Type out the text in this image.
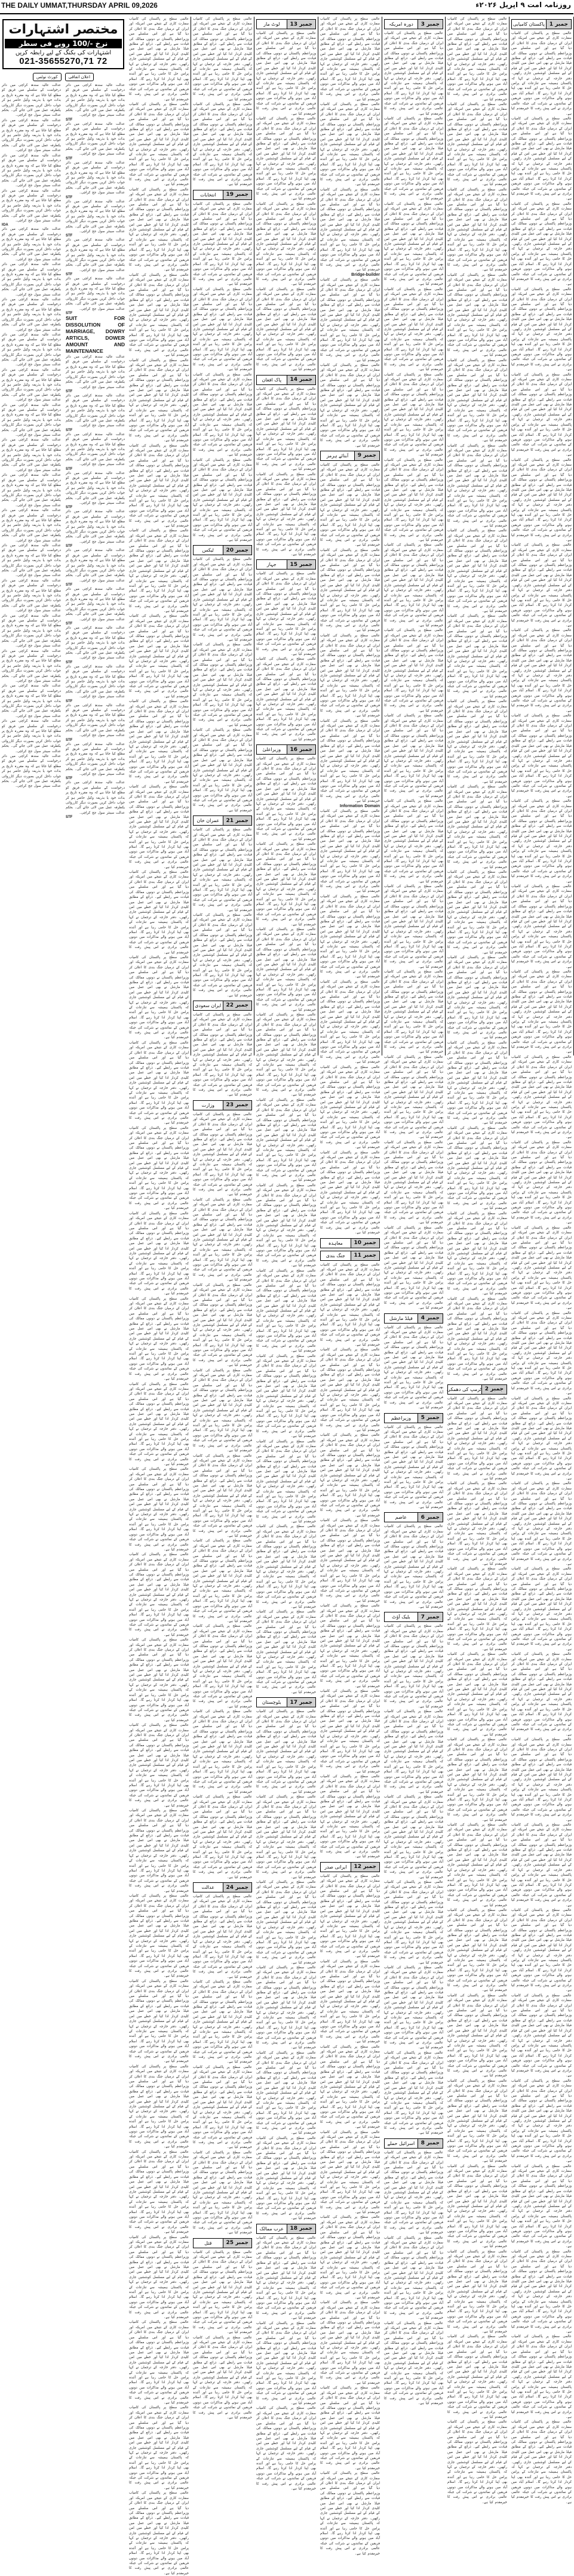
THE DAILY UMMAT,THURSDAY APRIL 09,2026	روزنامہ امت ۹ اپریل ۲۰۲۶ء
جمبر 1
پاکستان کامیابی
عالمی سطح پر پاکستان کی کامیاب سفارت کاری کے نتیجے میں امریکہ اور ایران کے درمیان جنگ بندی کا اعلان کر دیا گیا ہے اور اس سلسلے میں وزیراعظم پاکستان نے دونوں ممالک کی قیادت سے رابطے کیے۔ ذرائع کے مطابق فیلڈ مارشل نے بھی اس عمل میں کلیدی کردار ادا کیا اور خطے میں امن کے قیام کے لیے مسلسل کوششیں جاری رکھیں۔ دفتر خارجہ کے ترجمان نے کہا کہ پاکستان ہمیشہ سے تنازعات کے پرامن حل کا حامی رہا ہے اور آئندہ بھی اپنا کردار ادا کرتا رہے گا۔ اسلام آباد میں ہونے والے مذاکرات میں دونوں فریقین کے نمائندوں نے شرکت کی جبکہ عالمی برادری نے اس پیش رفت کا خیرمقدم کیا ہے۔
عالمی سطح پر پاکستان کی کامیاب سفارت کاری کے نتیجے میں امریکہ اور ایران کے درمیان جنگ بندی کا اعلان کر دیا گیا ہے اور اس سلسلے میں وزیراعظم پاکستان نے دونوں ممالک کی قیادت سے رابطے کیے۔ ذرائع کے مطابق فیلڈ مارشل نے بھی اس عمل میں کلیدی کردار ادا کیا اور خطے میں امن کے قیام کے لیے مسلسل کوششیں جاری رکھیں۔ دفتر خارجہ کے ترجمان نے کہا کہ پاکستان ہمیشہ سے تنازعات کے پرامن حل کا حامی رہا ہے اور آئندہ بھی اپنا کردار ادا کرتا رہے گا۔ اسلام آباد میں ہونے والے مذاکرات میں دونوں فریقین کے نمائندوں نے شرکت کی جبکہ عالمی برادری نے اس پیش رفت کا خیرمقدم کیا ہے۔
عالمی سطح پر پاکستان کی کامیاب سفارت کاری کے نتیجے میں امریکہ اور ایران کے درمیان جنگ بندی کا اعلان کر دیا گیا ہے اور اس سلسلے میں وزیراعظم پاکستان نے دونوں ممالک کی قیادت سے رابطے کیے۔ ذرائع کے مطابق فیلڈ مارشل نے بھی اس عمل میں کلیدی کردار ادا کیا اور خطے میں امن کے قیام کے لیے مسلسل کوششیں جاری رکھیں۔ دفتر خارجہ کے ترجمان نے کہا کہ پاکستان ہمیشہ سے تنازعات کے پرامن حل کا حامی رہا ہے اور آئندہ بھی اپنا کردار ادا کرتا رہے گا۔ اسلام آباد میں ہونے والے مذاکرات میں دونوں فریقین کے نمائندوں نے شرکت کی جبکہ عالمی برادری نے اس پیش رفت کا خیرمقدم کیا ہے۔
عالمی سطح پر پاکستان کی کامیاب سفارت کاری کے نتیجے میں امریکہ اور ایران کے درمیان جنگ بندی کا اعلان کر دیا گیا ہے اور اس سلسلے میں وزیراعظم پاکستان نے دونوں ممالک کی قیادت سے رابطے کیے۔ ذرائع کے مطابق فیلڈ مارشل نے بھی اس عمل میں کلیدی کردار ادا کیا اور خطے میں امن کے قیام کے لیے مسلسل کوششیں جاری رکھیں۔ دفتر خارجہ کے ترجمان نے کہا کہ پاکستان ہمیشہ سے تنازعات کے پرامن حل کا حامی رہا ہے اور آئندہ بھی اپنا کردار ادا کرتا رہے گا۔ اسلام آباد میں ہونے والے مذاکرات میں دونوں فریقین کے نمائندوں نے شرکت کی جبکہ عالمی برادری نے اس پیش رفت کا خیرمقدم کیا ہے۔
عالمی سطح پر پاکستان کی کامیاب سفارت کاری کے نتیجے میں امریکہ اور ایران کے درمیان جنگ بندی کا اعلان کر دیا گیا ہے اور اس سلسلے میں وزیراعظم پاکستان نے دونوں ممالک کی قیادت سے رابطے کیے۔ ذرائع کے مطابق فیلڈ مارشل نے بھی اس عمل میں کلیدی کردار ادا کیا اور خطے میں امن کے قیام کے لیے مسلسل کوششیں جاری رکھیں۔ دفتر خارجہ کے ترجمان نے کہا کہ پاکستان ہمیشہ سے تنازعات کے پرامن حل کا حامی رہا ہے اور آئندہ بھی اپنا کردار ادا کرتا رہے گا۔ اسلام آباد میں ہونے والے مذاکرات میں دونوں فریقین کے نمائندوں نے شرکت کی جبکہ عالمی برادری نے اس پیش رفت کا خیرمقدم کیا ہے۔
عالمی سطح پر پاکستان کی کامیاب سفارت کاری کے نتیجے میں امریکہ اور ایران کے درمیان جنگ بندی کا اعلان کر دیا گیا ہے اور اس سلسلے میں وزیراعظم پاکستان نے دونوں ممالک کی قیادت سے رابطے کیے۔ ذرائع کے مطابق فیلڈ مارشل نے بھی اس عمل میں کلیدی کردار ادا کیا اور خطے میں امن کے قیام کے لیے مسلسل کوششیں جاری رکھیں۔ دفتر خارجہ کے ترجمان نے کہا کہ پاکستان ہمیشہ سے تنازعات کے پرامن حل کا حامی رہا ہے اور آئندہ بھی اپنا کردار ادا کرتا رہے گا۔ اسلام آباد میں ہونے والے مذاکرات میں دونوں فریقین کے نمائندوں نے شرکت کی جبکہ عالمی برادری نے اس پیش رفت کا خیرمقدم کیا ہے۔
عالمی سطح پر پاکستان کی کامیاب سفارت کاری کے نتیجے میں امریکہ اور ایران کے درمیان جنگ بندی کا اعلان کر دیا گیا ہے اور اس سلسلے میں وزیراعظم پاکستان نے دونوں ممالک کی قیادت سے رابطے کیے۔ ذرائع کے مطابق فیلڈ مارشل نے بھی اس عمل میں کلیدی کردار ادا کیا اور خطے میں امن کے قیام کے لیے مسلسل کوششیں جاری رکھیں۔ دفتر خارجہ کے ترجمان نے کہا کہ پاکستان ہمیشہ سے تنازعات کے پرامن حل کا حامی رہا ہے اور آئندہ بھی اپنا کردار ادا کرتا رہے گا۔ اسلام آباد میں ہونے والے مذاکرات میں دونوں فریقین کے نمائندوں نے شرکت کی جبکہ عالمی برادری نے اس پیش رفت کا خیرمقدم کیا ہے۔
عالمی سطح پر پاکستان کی کامیاب سفارت کاری کے نتیجے میں امریکہ اور ایران کے درمیان جنگ بندی کا اعلان کر دیا گیا ہے اور اس سلسلے میں وزیراعظم پاکستان نے دونوں ممالک کی قیادت سے رابطے کیے۔ ذرائع کے مطابق فیلڈ مارشل نے بھی اس عمل میں کلیدی کردار ادا کیا اور خطے میں امن کے قیام کے لیے مسلسل کوششیں جاری رکھیں۔ دفتر خارجہ کے ترجمان نے کہا کہ پاکستان ہمیشہ سے تنازعات کے پرامن حل کا حامی رہا ہے اور آئندہ بھی اپنا کردار ادا کرتا رہے گا۔ اسلام آباد میں ہونے والے مذاکرات میں دونوں فریقین کے نمائندوں نے شرکت کی جبکہ عالمی برادری نے اس پیش رفت کا خیرمقدم کیا ہے۔
عالمی سطح پر پاکستان کی کامیاب سفارت کاری کے نتیجے میں امریکہ اور ایران کے درمیان جنگ بندی کا اعلان کر دیا گیا ہے اور اس سلسلے میں وزیراعظم پاکستان نے دونوں ممالک کی قیادت سے رابطے کیے۔ ذرائع کے مطابق فیلڈ مارشل نے بھی اس عمل میں کلیدی کردار ادا کیا اور خطے میں امن کے قیام کے لیے مسلسل کوششیں جاری رکھیں۔ دفتر خارجہ کے ترجمان نے کہا کہ پاکستان ہمیشہ سے تنازعات کے پرامن حل کا حامی رہا ہے اور آئندہ بھی اپنا کردار ادا کرتا رہے گا۔ اسلام آباد میں ہونے والے مذاکرات میں دونوں فریقین کے نمائندوں نے شرکت کی جبکہ عالمی برادری نے اس پیش رفت کا خیرمقدم کیا ہے۔
عالمی سطح پر پاکستان کی کامیاب سفارت کاری کے نتیجے میں امریکہ اور ایران کے درمیان جنگ بندی کا اعلان کر دیا گیا ہے اور اس سلسلے میں وزیراعظم پاکستان نے دونوں ممالک کی قیادت سے رابطے کیے۔ ذرائع کے مطابق فیلڈ مارشل نے بھی اس عمل میں کلیدی کردار ادا کیا اور خطے میں امن کے قیام کے لیے مسلسل کوششیں جاری رکھیں۔ دفتر خارجہ کے ترجمان نے کہا کہ پاکستان ہمیشہ سے تنازعات کے پرامن حل کا حامی رہا ہے اور آئندہ بھی اپنا کردار ادا کرتا رہے گا۔ اسلام آباد میں ہونے والے مذاکرات میں دونوں فریقین کے نمائندوں نے شرکت کی جبکہ عالمی برادری نے اس پیش رفت کا خیرمقدم کیا ہے۔
عالمی سطح پر پاکستان کی کامیاب سفارت کاری کے نتیجے میں امریکہ اور ایران کے درمیان جنگ بندی کا اعلان کر دیا گیا ہے اور اس سلسلے میں وزیراعظم پاکستان نے دونوں ممالک کی قیادت سے رابطے کیے۔ ذرائع کے مطابق فیلڈ مارشل نے بھی اس عمل میں کلیدی کردار ادا کیا اور خطے میں امن کے قیام کے لیے مسلسل کوششیں جاری رکھیں۔ دفتر خارجہ کے ترجمان نے کہا کہ پاکستان ہمیشہ سے تنازعات کے پرامن حل کا حامی رہا ہے اور آئندہ بھی اپنا کردار ادا کرتا رہے گا۔ اسلام آباد میں ہونے والے مذاکرات میں دونوں فریقین کے نمائندوں نے شرکت کی جبکہ عالمی برادری نے اس پیش رفت کا خیرمقدم کیا ہے۔
عالمی سطح پر پاکستان کی کامیاب سفارت کاری کے نتیجے میں امریکہ اور ایران کے درمیان جنگ بندی کا اعلان کر دیا گیا ہے اور اس سلسلے میں وزیراعظم پاکستان نے دونوں ممالک کی قیادت سے رابطے کیے۔ ذرائع کے مطابق فیلڈ مارشل نے بھی اس عمل میں کلیدی کردار ادا کیا اور خطے میں امن کے قیام کے لیے مسلسل کوششیں جاری رکھیں۔ دفتر خارجہ کے ترجمان نے کہا کہ پاکستان ہمیشہ سے تنازعات کے پرامن حل کا حامی رہا ہے اور آئندہ بھی اپنا کردار ادا کرتا رہے گا۔ اسلام آباد میں ہونے والے مذاکرات میں دونوں فریقین کے نمائندوں نے شرکت کی جبکہ عالمی برادری نے اس پیش رفت کا خیرمقدم کیا ہے۔
عالمی سطح پر پاکستان کی کامیاب سفارت کاری کے نتیجے میں امریکہ اور ایران کے درمیان جنگ بندی کا اعلان کر دیا گیا ہے اور اس سلسلے میں وزیراعظم پاکستان نے دونوں ممالک کی قیادت سے رابطے کیے۔ ذرائع کے مطابق فیلڈ مارشل نے بھی اس عمل میں کلیدی کردار ادا کیا اور خطے میں امن کے قیام کے لیے مسلسل کوششیں جاری رکھیں۔ دفتر خارجہ کے ترجمان نے کہا کہ پاکستان ہمیشہ سے تنازعات کے پرامن حل کا حامی رہا ہے اور آئندہ بھی اپنا کردار ادا کرتا رہے گا۔ اسلام آباد میں ہونے والے مذاکرات میں دونوں فریقین کے نمائندوں نے شرکت کی جبکہ عالمی برادری نے اس پیش رفت کا خیرمقدم کیا ہے۔
عالمی سطح پر پاکستان کی کامیاب سفارت کاری کے نتیجے میں امریکہ اور ایران کے درمیان جنگ بندی کا اعلان کر دیا گیا ہے اور اس سلسلے میں وزیراعظم پاکستان نے دونوں ممالک کی قیادت سے رابطے کیے۔ ذرائع کے مطابق فیلڈ مارشل نے بھی اس عمل میں کلیدی کردار ادا کیا اور خطے میں امن کے قیام کے لیے مسلسل کوششیں جاری رکھیں۔ دفتر خارجہ کے ترجمان نے کہا کہ پاکستان ہمیشہ سے تنازعات کے پرامن حل کا حامی رہا ہے اور آئندہ بھی اپنا کردار ادا کرتا رہے گا۔ اسلام آباد میں ہونے والے مذاکرات میں دونوں فریقین کے نمائندوں نے شرکت کی جبکہ عالمی برادری نے اس پیش رفت کا خیرمقدم کیا ہے۔
عالمی سطح پر پاکستان کی کامیاب سفارت کاری کے نتیجے میں امریکہ اور ایران کے درمیان جنگ بندی کا اعلان کر دیا گیا ہے اور اس سلسلے میں وزیراعظم پاکستان نے دونوں ممالک کی قیادت سے رابطے کیے۔ ذرائع کے مطابق فیلڈ مارشل نے بھی اس عمل میں کلیدی کردار ادا کیا اور خطے میں امن کے قیام کے لیے مسلسل کوششیں جاری رکھیں۔ دفتر خارجہ کے ترجمان نے کہا کہ پاکستان ہمیشہ سے تنازعات کے پرامن حل کا حامی رہا ہے اور آئندہ بھی اپنا کردار ادا کرتا رہے گا۔ اسلام آباد میں ہونے والے مذاکرات میں دونوں فریقین کے نمائندوں نے شرکت کی جبکہ عالمی برادری نے اس پیش رفت کا خیرمقدم کیا ہے۔
عالمی سطح پر پاکستان کی کامیاب سفارت کاری کے نتیجے میں امریکہ اور ایران کے درمیان جنگ بندی کا اعلان کر دیا گیا ہے اور اس سلسلے میں وزیراعظم پاکستان نے دونوں ممالک کی قیادت سے رابطے کیے۔ ذرائع کے مطابق فیلڈ مارشل نے بھی اس عمل میں کلیدی کردار ادا کیا اور خطے میں امن کے قیام کے لیے مسلسل کوششیں جاری رکھیں۔ دفتر خارجہ کے ترجمان نے کہا کہ پاکستان ہمیشہ سے تنازعات کے پرامن حل کا حامی رہا ہے اور آئندہ بھی اپنا کردار ادا کرتا رہے گا۔ اسلام آباد میں ہونے والے مذاکرات میں دونوں فریقین کے نمائندوں نے شرکت کی جبکہ عالمی برادری نے اس پیش رفت کا خیرمقدم کیا ہے۔
عالمی سطح پر پاکستان کی کامیاب سفارت کاری کے نتیجے میں امریکہ اور ایران کے درمیان جنگ بندی کا اعلان کر دیا گیا ہے اور اس سلسلے میں وزیراعظم پاکستان نے دونوں ممالک کی قیادت سے رابطے کیے۔ ذرائع کے مطابق فیلڈ مارشل نے بھی اس عمل میں کلیدی کردار ادا کیا اور خطے میں امن کے قیام کے لیے مسلسل کوششیں جاری رکھیں۔ دفتر خارجہ کے ترجمان نے کہا کہ پاکستان ہمیشہ سے تنازعات کے پرامن حل کا حامی رہا ہے اور آئندہ بھی اپنا کردار ادا کرتا رہے گا۔ اسلام آباد میں ہونے والے مذاکرات میں دونوں فریقین کے نمائندوں نے شرکت کی جبکہ عالمی برادری نے اس پیش رفت کا خیرمقدم کیا ہے۔
عالمی سطح پر پاکستان کی کامیاب سفارت کاری کے نتیجے میں امریکہ اور ایران کے درمیان جنگ بندی کا اعلان کر دیا گیا ہے اور اس سلسلے میں وزیراعظم پاکستان نے دونوں ممالک کی قیادت سے رابطے کیے۔ ذرائع کے مطابق فیلڈ مارشل نے بھی اس عمل میں کلیدی کردار ادا کیا اور خطے میں امن کے قیام کے لیے مسلسل کوششیں جاری رکھیں۔ دفتر خارجہ کے ترجمان نے کہا کہ پاکستان ہمیشہ سے تنازعات کے پرامن حل کا حامی رہا ہے اور آئندہ بھی اپنا کردار ادا کرتا رہے گا۔ اسلام آباد میں ہونے والے مذاکرات میں دونوں فریقین کے نمائندوں نے شرکت کی جبکہ عالمی برادری نے اس پیش رفت کا خیرمقدم کیا ہے۔
عالمی سطح پر پاکستان کی کامیاب سفارت کاری کے نتیجے میں امریکہ اور ایران کے درمیان جنگ بندی کا اعلان کر دیا گیا ہے اور اس سلسلے میں وزیراعظم پاکستان نے دونوں ممالک کی قیادت سے رابطے کیے۔ ذرائع کے مطابق فیلڈ مارشل نے بھی اس عمل میں کلیدی کردار ادا کیا اور خطے میں امن کے قیام کے لیے مسلسل کوششیں جاری رکھیں۔ دفتر خارجہ کے ترجمان نے کہا کہ پاکستان ہمیشہ سے تنازعات کے پرامن حل کا حامی رہا ہے اور آئندہ بھی اپنا کردار ادا کرتا رہے گا۔ اسلام آباد میں ہونے والے مذاکرات میں دونوں فریقین کے نمائندوں نے شرکت کی جبکہ عالمی برادری نے اس پیش رفت کا خیرمقدم کیا ہے۔
عالمی سطح پر پاکستان کی کامیاب سفارت کاری کے نتیجے میں امریکہ اور ایران کے درمیان جنگ بندی کا اعلان کر دیا گیا ہے اور اس سلسلے میں وزیراعظم پاکستان نے دونوں ممالک کی قیادت سے رابطے کیے۔ ذرائع کے مطابق فیلڈ مارشل نے بھی اس عمل میں کلیدی کردار ادا کیا اور خطے میں امن کے قیام کے لیے مسلسل کوششیں جاری رکھیں۔ دفتر خارجہ کے ترجمان نے کہا کہ پاکستان ہمیشہ سے تنازعات کے پرامن حل کا حامی رہا ہے اور آئندہ بھی اپنا کردار ادا کرتا رہے گا۔ اسلام آباد میں ہونے والے مذاکرات میں دونوں فریقین کے نمائندوں نے شرکت کی جبکہ عالمی برادری نے اس پیش رفت کا خیرمقدم کیا ہے۔
عالمی سطح پر پاکستان کی کامیاب سفارت کاری کے نتیجے میں امریکہ اور ایران کے درمیان جنگ بندی کا اعلان کر دیا گیا ہے اور اس سلسلے میں وزیراعظم پاکستان نے دونوں ممالک کی قیادت سے رابطے کیے۔ ذرائع کے مطابق فیلڈ مارشل نے بھی اس عمل میں کلیدی کردار ادا کیا اور خطے میں امن کے قیام کے لیے مسلسل کوششیں جاری رکھیں۔ دفتر خارجہ کے ترجمان نے کہا کہ پاکستان ہمیشہ سے تنازعات کے پرامن حل کا حامی رہا ہے اور آئندہ بھی اپنا کردار ادا کرتا رہے گا۔ اسلام آباد میں ہونے والے مذاکرات میں دونوں فریقین کے نمائندوں نے شرکت کی جبکہ عالمی برادری نے اس پیش رفت کا خیرمقدم کیا ہے۔
عالمی سطح پر پاکستان کی کامیاب سفارت کاری کے نتیجے میں امریکہ اور ایران کے درمیان جنگ بندی کا اعلان کر دیا گیا ہے اور اس سلسلے میں وزیراعظم پاکستان نے دونوں ممالک کی قیادت سے رابطے کیے۔ ذرائع کے مطابق فیلڈ مارشل نے بھی اس عمل میں کلیدی کردار ادا کیا اور خطے میں امن کے قیام کے لیے مسلسل کوششیں جاری رکھیں۔ دفتر خارجہ کے ترجمان نے کہا کہ پاکستان ہمیشہ سے تنازعات کے پرامن حل کا حامی رہا ہے اور آئندہ بھی اپنا کردار ادا کرتا رہے گا۔ اسلام آباد میں ہونے والے مذاکرات میں دونوں فریقین کے نمائندوں نے شرکت کی جبکہ عالمی برادری نے اس پیش رفت کا خیرمقدم کیا ہے۔
عالمی سطح پر پاکستان کی کامیاب سفارت کاری کے نتیجے میں امریکہ اور ایران کے درمیان جنگ بندی کا اعلان کر دیا گیا ہے اور اس سلسلے میں وزیراعظم پاکستان نے دونوں ممالک کی قیادت سے رابطے کیے۔ ذرائع کے مطابق فیلڈ مارشل نے بھی اس عمل میں کلیدی کردار ادا کیا اور خطے میں امن کے قیام کے لیے مسلسل کوششیں جاری رکھیں۔ دفتر خارجہ کے ترجمان نے کہا کہ پاکستان ہمیشہ سے تنازعات کے پرامن حل کا حامی رہا ہے اور آئندہ بھی اپنا کردار ادا کرتا رہے گا۔ اسلام آباد میں ہونے والے مذاکرات میں دونوں فریقین کے نمائندوں نے شرکت کی جبکہ عالمی برادری نے اس پیش رفت کا خیرمقدم کیا ہے۔
عالمی سطح پر پاکستان کی کامیاب سفارت کاری کے نتیجے میں امریکہ اور ایران کے درمیان جنگ بندی کا اعلان کر دیا گیا ہے اور اس سلسلے میں وزیراعظم پاکستان نے دونوں ممالک کی قیادت سے رابطے کیے۔ ذرائع کے مطابق فیلڈ مارشل نے بھی اس عمل میں کلیدی کردار ادا کیا اور خطے میں امن کے قیام کے لیے مسلسل کوششیں جاری رکھیں۔ دفتر خارجہ کے ترجمان نے کہا کہ پاکستان ہمیشہ سے تنازعات کے پرامن حل کا حامی رہا ہے اور آئندہ بھی اپنا کردار ادا کرتا رہے گا۔ اسلام آباد میں ہونے والے مذاکرات میں دونوں فریقین کے نمائندوں نے شرکت کی جبکہ عالمی برادری نے اس پیش رفت کا خیرمقدم کیا ہے۔
عالمی سطح پر پاکستان کی کامیاب سفارت کاری کے نتیجے میں امریکہ اور ایران کے درمیان جنگ بندی کا اعلان کر دیا گیا ہے اور اس سلسلے میں وزیراعظم پاکستان نے دونوں ممالک کی قیادت سے رابطے کیے۔ ذرائع کے مطابق فیلڈ مارشل نے بھی اس عمل میں کلیدی کردار ادا کیا اور خطے میں امن کے قیام کے لیے مسلسل کوششیں جاری رکھیں۔ دفتر خارجہ کے ترجمان نے کہا کہ پاکستان ہمیشہ سے تنازعات کے پرامن حل کا حامی رہا ہے اور آئندہ بھی اپنا کردار ادا کرتا رہے گا۔ اسلام آباد میں ہونے والے مذاکرات میں دونوں فریقین کے نمائندوں نے شرکت کی جبکہ عالمی برادری نے اس پیش رفت کا خیرمقدم کیا ہے۔
عالمی سطح پر پاکستان کی کامیاب سفارت کاری کے نتیجے میں امریکہ اور ایران کے درمیان جنگ بندی کا اعلان کر دیا گیا ہے اور اس سلسلے میں وزیراعظم پاکستان نے دونوں ممالک کی قیادت سے رابطے کیے۔ ذرائع کے مطابق فیلڈ مارشل نے بھی اس عمل میں کلیدی کردار ادا کیا اور خطے میں امن کے قیام کے لیے مسلسل کوششیں جاری رکھیں۔ دفتر خارجہ کے ترجمان نے کہا کہ پاکستان ہمیشہ سے تنازعات کے پرامن حل کا حامی رہا ہے اور آئندہ بھی اپنا کردار ادا کرتا رہے گا۔ اسلام آباد میں ہونے والے مذاکرات میں دونوں فریقین کے نمائندوں نے شرکت کی جبکہ عالمی برادری نے اس پیش رفت کا خیرمقدم کیا ہے۔
عالمی سطح پر پاکستان کی کامیاب سفارت کاری کے نتیجے میں امریکہ اور ایران کے درمیان جنگ بندی کا اعلان کر دیا گیا ہے اور اس سلسلے میں وزیراعظم پاکستان نے دونوں ممالک کی قیادت سے رابطے کیے۔ ذرائع کے مطابق فیلڈ مارشل نے بھی اس عمل میں کلیدی کردار ادا کیا اور خطے میں امن کے قیام کے لیے مسلسل کوششیں جاری رکھیں۔ دفتر خارجہ کے ترجمان نے کہا کہ پاکستان ہمیشہ سے تنازعات کے پرامن حل کا حامی رہا ہے اور آئندہ بھی اپنا کردار ادا کرتا رہے گا۔ اسلام آباد میں ہونے والے مذاکرات میں دونوں فریقین کے نمائندوں نے شرکت کی جبکہ عالمی برادری نے اس پیش رفت کا خیرمقدم کیا ہے۔
عالمی سطح پر پاکستان کی کامیاب سفارت کاری کے نتیجے میں امریکہ اور ایران کے درمیان جنگ بندی کا اعلان کر دیا گیا ہے اور اس سلسلے میں وزیراعظم پاکستان نے دونوں ممالک کی قیادت سے رابطے کیے۔ ذرائع کے مطابق فیلڈ مارشل نے بھی اس عمل میں کلیدی کردار ادا کیا اور خطے میں امن کے قیام کے لیے مسلسل کوششیں جاری رکھیں۔ دفتر خارجہ کے ترجمان نے کہا کہ پاکستان ہمیشہ سے تنازعات کے پرامن حل کا حامی رہا ہے اور آئندہ بھی اپنا کردار ادا کرتا رہے گا۔ اسلام آباد میں ہونے والے مذاکرات میں دونوں فریقین کے نمائندوں نے شرکت کی جبکہ عالمی برادری نے اس پیش رفت کا خیرمقدم کیا ہے۔
عالمی سطح پر پاکستان کی کامیاب سفارت کاری کے نتیجے میں امریکہ اور ایران کے درمیان جنگ بندی کا اعلان کر دیا گیا ہے اور اس سلسلے میں وزیراعظم پاکستان نے دونوں ممالک کی قیادت سے رابطے کیے۔ ذرائع کے مطابق فیلڈ مارشل نے بھی اس عمل میں کلیدی کردار ادا کیا اور خطے میں امن کے قیام کے لیے مسلسل کوششیں جاری رکھیں۔ دفتر خارجہ کے ترجمان نے کہا کہ پاکستان ہمیشہ سے تنازعات کے پرامن حل کا حامی رہا ہے اور آئندہ بھی اپنا کردار ادا کرتا رہے گا۔ اسلام آباد میں ہونے والے مذاکرات میں دونوں فریقین کے نمائندوں نے شرکت کی جبکہ عالمی برادری نے اس پیش رفت کا خیرمقدم کیا ہے۔
عالمی سطح پر پاکستان کی کامیاب سفارت کاری کے نتیجے میں امریکہ اور ایران کے درمیان جنگ بندی کا اعلان کر دیا گیا ہے اور اس سلسلے میں وزیراعظم پاکستان نے دونوں ممالک کی قیادت سے رابطے کیے۔ ذرائع کے مطابق فیلڈ مارشل نے بھی اس عمل میں کلیدی کردار ادا کیا اور خطے میں امن کے قیام کے لیے مسلسل کوششیں جاری رکھیں۔ دفتر خارجہ کے ترجمان نے کہا کہ پاکستان ہمیشہ سے تنازعات کے پرامن حل کا حامی رہا ہے اور آئندہ بھی اپنا کردار ادا کرتا رہے گا۔ اسلام آباد میں ہونے والے مذاکرات میں دونوں فریقین کے نمائندوں نے شرکت کی جبکہ عالمی برادری نے اس پیش رفت کا خیرمقدم کیا ہے۔
عالمی سطح پر پاکستان کی کامیاب سفارت کاری کے نتیجے میں امریکہ اور ایران کے درمیان جنگ بندی کا اعلان کر دیا گیا ہے اور اس سلسلے میں وزیراعظم پاکستان نے دونوں ممالک کی قیادت سے رابطے کیے۔ ذرائع کے مطابق فیلڈ مارشل نے بھی اس عمل میں کلیدی کردار ادا کیا اور خطے میں امن کے قیام کے لیے مسلسل کوششیں جاری رکھیں۔ دفتر خارجہ کے ترجمان نے کہا کہ پاکستان ہمیشہ سے تنازعات کے پرامن حل کا حامی رہا ہے اور آئندہ بھی اپنا کردار ادا کرتا رہے گا۔ اسلام آباد میں ہونے والے مذاکرات میں دونوں فریقین کے نمائندوں نے شرکت کی جبکہ عالمی برادری نے اس پیش رفت کا خیرمقدم کیا ہے۔
عالمی سطح پر پاکستان کی کامیاب سفارت کاری کے نتیجے میں امریکہ اور ایران کے درمیان جنگ بندی کا اعلان کر دیا گیا ہے اور اس سلسلے میں وزیراعظم پاکستان نے دونوں ممالک کی قیادت سے رابطے کیے۔ ذرائع کے مطابق فیلڈ مارشل نے بھی اس عمل میں کلیدی کردار ادا کیا اور خطے میں امن کے قیام کے لیے مسلسل کوششیں جاری رکھیں۔ دفتر خارجہ کے ترجمان نے کہا کہ پاکستان ہمیشہ سے تنازعات کے پرامن حل کا حامی رہا ہے اور آئندہ بھی اپنا کردار ادا کرتا رہے گا۔ اسلام آباد میں ہونے والے مذاکرات میں دونوں فریقین کے نمائندوں نے شرکت کی جبکہ عالمی برادری نے اس پیش رفت کا خیرمقدم کیا ہے۔
عالمی سطح پر پاکستان کی کامیاب سفارت کاری کے نتیجے میں امریکہ اور ایران کے درمیان جنگ بندی کا اعلان کر دیا گیا ہے اور اس سلسلے میں وزیراعظم پاکستان نے دونوں ممالک کی قیادت سے رابطے کیے۔ ذرائع کے مطابق فیلڈ مارشل نے بھی اس عمل میں کلیدی کردار ادا کیا اور خطے میں امن کے قیام کے لیے مسلسل کوششیں جاری رکھیں۔ دفتر خارجہ کے ترجمان نے کہا کہ پاکستان ہمیشہ سے تنازعات کے پرامن حل کا حامی رہا ہے اور آئندہ بھی اپنا کردار ادا کرتا رہے گا۔ اسلام آباد میں ہونے والے مذاکرات میں دونوں فریقین کے نمائندوں نے شرکت کی جبکہ عالمی برادری نے اس پیش رفت کا خیرمقدم کیا ہے۔
عالمی سطح پر پاکستان کی کامیاب سفارت کاری کے نتیجے میں امریکہ اور ایران کے درمیان جنگ بندی کا اعلان کر دیا گیا ہے اور اس سلسلے میں وزیراعظم پاکستان نے دونوں ممالک کی قیادت سے رابطے کیے۔ ذرائع کے مطابق فیلڈ مارشل نے بھی اس عمل میں کلیدی کردار ادا کیا اور خطے میں امن کے قیام کے لیے مسلسل کوششیں جاری رکھیں۔ دفتر خارجہ کے ترجمان نے کہا کہ پاکستان ہمیشہ سے تنازعات کے پرامن حل کا حامی رہا ہے اور آئندہ بھی اپنا کردار ادا کرتا رہے گا۔ اسلام آباد میں ہونے والے مذاکرات میں دونوں فریقین کے نمائندوں نے شرکت کی جبکہ عالمی برادری نے اس پیش رفت کا خیرمقدم کیا ہے۔
عالمی سطح پر پاکستان کی کامیاب سفارت کاری کے نتیجے میں امریکہ اور ایران کے درمیان جنگ بندی کا اعلان کر دیا گیا ہے اور اس سلسلے میں وزیراعظم پاکستان نے دونوں ممالک کی قیادت سے رابطے کیے۔ ذرائع کے مطابق فیلڈ مارشل نے بھی اس عمل میں کلیدی کردار ادا کیا اور خطے میں امن کے قیام کے لیے مسلسل کوششیں جاری رکھیں۔ دفتر خارجہ کے ترجمان نے کہا کہ پاکستان ہمیشہ سے تنازعات کے پرامن حل کا حامی رہا ہے اور آئندہ بھی اپنا کردار ادا کرتا رہے گا۔ اسلام آباد میں ہونے والے مذاکرات میں دونوں فریقین کے نمائندوں نے شرکت کی جبکہ عالمی برادری نے اس پیش رفت کا خیرمقدم کیا ہے۔
عالمی سطح پر پاکستان کی کامیاب سفارت کاری کے نتیجے میں امریکہ اور ایران کے درمیان جنگ بندی کا اعلان کر دیا گیا ہے اور اس سلسلے میں وزیراعظم پاکستان نے دونوں ممالک کی قیادت سے رابطے کیے۔ ذرائع کے مطابق فیلڈ مارشل نے بھی اس عمل میں کلیدی کردار ادا کیا اور خطے میں امن کے قیام کے لیے مسلسل کوششیں جاری رکھیں۔ دفتر خارجہ کے ترجمان نے کہا کہ پاکستان ہمیشہ سے تنازعات کے پرامن حل کا حامی رہا ہے اور آئندہ بھی اپنا کردار ادا کرتا رہے گا۔ اسلام آباد میں ہونے والے مذاکرات میں دونوں فریقین کے نمائندوں نے شرکت کی جبکہ عالمی برادری نے اس پیش رفت کا خیرمقدم کیا ہے۔
عالمی سطح پر پاکستان کی کامیاب سفارت کاری کے نتیجے میں امریکہ اور ایران کے درمیان جنگ بندی کا اعلان کر دیا گیا ہے اور اس سلسلے میں وزیراعظم پاکستان نے دونوں ممالک کی قیادت سے رابطے کیے۔ ذرائع کے مطابق فیلڈ مارشل نے بھی اس عمل میں کلیدی کردار ادا کیا اور خطے میں امن کے قیام کے لیے مسلسل کوششیں جاری رکھیں۔ دفتر خارجہ کے ترجمان نے کہا کہ پاکستان ہمیشہ سے تنازعات کے پرامن حل کا حامی رہا ہے اور آئندہ بھی اپنا کردار ادا کرتا رہے گا۔ اسلام آباد میں ہونے والے مذاکرات میں دونوں فریقین کے نمائندوں نے شرکت کی جبکہ عالمی برادری نے اس پیش رفت کا خیرمقدم کیا ہے۔
عالمی سطح پر پاکستان کی کامیاب سفارت کاری کے نتیجے میں امریکہ اور ایران کے درمیان جنگ بندی کا اعلان کر دیا گیا ہے اور اس سلسلے میں وزیراعظم پاکستان نے دونوں ممالک کی قیادت سے رابطے کیے۔ ذرائع کے مطابق فیلڈ مارشل نے بھی اس عمل میں کلیدی کردار ادا کیا اور خطے میں امن کے قیام کے لیے مسلسل کوششیں جاری رکھیں۔ دفتر خارجہ کے ترجمان نے کہا کہ پاکستان ہمیشہ سے تنازعات کے پرامن حل کا حامی رہا ہے اور آئندہ بھی اپنا کردار ادا کرتا رہے گا۔ اسلام آباد میں ہونے والے مذاکرات میں دونوں فریقین کے نمائندوں نے شرکت کی جبکہ عالمی برادری نے اس پیش رفت کا خیرمقدم کیا ہے۔
عالمی سطح پر پاکستان کی کامیاب سفارت کاری کے نتیجے میں امریکہ اور ایران کے درمیان جنگ بندی کا اعلان کر دیا گیا ہے اور اس سلسلے میں وزیراعظم پاکستان نے دونوں ممالک کی قیادت سے رابطے کیے۔ ذرائع کے مطابق فیلڈ مارشل نے بھی اس عمل میں کلیدی کردار ادا کیا اور خطے میں امن کے قیام کے لیے مسلسل کوششیں جاری رکھیں۔ دفتر خارجہ کے ترجمان نے کہا کہ پاکستان ہمیشہ سے تنازعات کے پرامن حل کا حامی رہا ہے اور آئندہ بھی اپنا کردار ادا کرتا رہے گا۔ اسلام آباد میں ہونے والے مذاکرات میں دونوں فریقین کے نمائندوں نے شرکت کی جبکہ عالمی برادری نے اس پیش رفت کا خیرمقدم کیا ہے۔
عالمی سطح پر پاکستان کی کامیاب سفارت کاری کے نتیجے میں امریکہ اور ایران کے درمیان جنگ بندی کا اعلان کر دیا گیا ہے اور اس سلسلے میں وزیراعظم پاکستان نے دونوں ممالک کی قیادت سے رابطے کیے۔ ذرائع کے مطابق فیلڈ مارشل نے بھی اس عمل میں کلیدی کردار ادا کیا اور خطے میں امن کے قیام کے لیے مسلسل کوششیں جاری رکھیں۔ دفتر خارجہ کے ترجمان نے کہا کہ پاکستان ہمیشہ سے تنازعات کے پرامن حل کا حامی رہا ہے اور آئندہ بھی اپنا کردار ادا کرتا رہے گا۔ اسلام آباد میں ہونے والے مذاکرات میں دونوں فریقین کے نمائندوں نے شرکت کی جبکہ عالمی برادری نے اس پیش رفت کا خیرمقدم کیا ہے۔
عالمی سطح پر پاکستان کی کامیاب سفارت کاری کے نتیجے میں امریکہ اور ایران کے درمیان جنگ بندی کا اعلان کر دیا گیا ہے اور اس سلسلے میں وزیراعظم پاکستان نے دونوں ممالک کی قیادت سے رابطے کیے۔ ذرائع کے مطابق فیلڈ مارشل نے بھی اس عمل میں کلیدی کردار ادا کیا اور خطے میں امن کے قیام کے لیے مسلسل کوششیں جاری رکھیں۔ دفتر خارجہ کے ترجمان نے کہا کہ پاکستان ہمیشہ سے تنازعات کے پرامن حل کا حامی رہا ہے اور آئندہ بھی اپنا کردار ادا کرتا رہے گا۔ اسلام آباد میں ہونے والے مذاکرات میں دونوں فریقین کے نمائندوں نے شرکت کی جبکہ عالمی برادری نے اس پیش رفت کا خیرمقدم کیا ہے۔
عالمی سطح پر پاکستان کی کامیاب سفارت کاری کے نتیجے میں امریکہ اور ایران کے درمیان جنگ بندی کا اعلان کر دیا گیا ہے اور اس سلسلے میں وزیراعظم پاکستان نے دونوں ممالک کی قیادت سے رابطے کیے۔ ذرائع کے مطابق فیلڈ مارشل نے بھی اس عمل میں کلیدی کردار ادا کیا اور خطے میں امن کے قیام کے لیے مسلسل کوششیں جاری رکھیں۔ دفتر خارجہ کے ترجمان نے کہا کہ پاکستان ہمیشہ سے تنازعات کے پرامن حل کا حامی رہا ہے اور آئندہ بھی اپنا کردار ادا کرتا رہے گا۔ اسلام آباد میں ہونے والے مذاکرات میں دونوں فریقین کے نمائندوں نے شرکت کی جبکہ عالمی برادری نے اس پیش رفت کا خیرمقدم کیا ہے۔
عالمی سطح پر پاکستان کی کامیاب سفارت کاری کے نتیجے میں امریکہ اور ایران کے درمیان جنگ بندی کا اعلان کر دیا گیا ہے اور اس سلسلے میں وزیراعظم پاکستان نے دونوں ممالک کی قیادت سے رابطے کیے۔ ذرائع کے مطابق فیلڈ مارشل نے بھی اس عمل میں کلیدی کردار ادا کیا اور خطے میں امن کے قیام کے لیے مسلسل کوششیں جاری رکھیں۔ دفتر خارجہ کے ترجمان نے کہا کہ پاکستان ہمیشہ سے تنازعات کے پرامن حل کا حامی رہا ہے اور آئندہ بھی اپنا کردار ادا کرتا رہے گا۔ اسلام آباد میں ہونے والے مذاکرات میں دونوں فریقین کے نمائندوں نے شرکت کی جبکہ عالمی برادری نے اس پیش رفت کا خیرمقدم کیا ہے۔
عالمی سطح پر پاکستان کی کامیاب سفارت کاری کے نتیجے میں امریکہ اور ایران کے درمیان جنگ بندی کا اعلان کر دیا گیا ہے اور اس سلسلے میں وزیراعظم پاکستان نے دونوں ممالک کی قیادت سے رابطے کیے۔ ذرائع کے مطابق فیلڈ مارشل نے بھی اس عمل میں کلیدی کردار ادا کیا اور خطے میں امن کے قیام کے لیے مسلسل کوششیں جاری رکھیں۔ دفتر خارجہ کے ترجمان نے کہا کہ پاکستان ہمیشہ سے تنازعات کے پرامن حل کا حامی رہا ہے اور آئندہ بھی اپنا کردار ادا کرتا رہے گا۔ اسلام آباد میں ہونے والے مذاکرات میں دونوں فریقین کے نمائندوں نے شرکت کی جبکہ عالمی برادری نے اس پیش رفت کا خیرمقدم کیا ہے۔
عالمی سطح پر پاکستان کی کامیاب سفارت کاری کے نتیجے میں امریکہ اور ایران کے درمیان جنگ بندی کا اعلان کر دیا گیا ہے اور اس سلسلے میں وزیراعظم پاکستان نے دونوں ممالک کی قیادت سے رابطے کیے۔ ذرائع کے مطابق فیلڈ مارشل نے بھی اس عمل میں کلیدی کردار ادا کیا اور خطے میں امن کے قیام کے لیے مسلسل کوششیں جاری رکھیں۔ دفتر خارجہ کے ترجمان نے کہا کہ پاکستان ہمیشہ سے تنازعات کے پرامن حل کا حامی رہا ہے اور آئندہ بھی اپنا کردار ادا کرتا رہے گا۔ اسلام آباد میں ہونے والے مذاکرات میں دونوں فریقین کے نمائندوں نے شرکت کی جبکہ عالمی برادری نے اس پیش رفت کا خیرمقدم کیا ہے۔
جمبر 2
ٹرمپ کی دھمکی
عالمی سطح پر پاکستان کی کامیاب سفارت کاری کے نتیجے میں امریکہ اور ایران کے درمیان جنگ بندی کا اعلان کر دیا گیا ہے اور اس سلسلے میں وزیراعظم پاکستان نے دونوں ممالک کی قیادت سے رابطے کیے۔ ذرائع کے مطابق فیلڈ مارشل نے بھی اس عمل میں کلیدی کردار ادا کیا اور خطے میں امن کے قیام کے لیے مسلسل کوششیں جاری رکھیں۔ دفتر خارجہ کے ترجمان نے کہا کہ پاکستان ہمیشہ سے تنازعات کے پرامن حل کا حامی رہا ہے اور آئندہ بھی اپنا کردار ادا کرتا رہے گا۔ اسلام آباد میں ہونے والے مذاکرات میں دونوں فریقین کے نمائندوں نے شرکت کی جبکہ عالمی برادری نے اس پیش رفت کا خیرمقدم کیا ہے۔
عالمی سطح پر پاکستان کی کامیاب سفارت کاری کے نتیجے میں امریکہ اور ایران کے درمیان جنگ بندی کا اعلان کر دیا گیا ہے اور اس سلسلے میں وزیراعظم پاکستان نے دونوں ممالک کی قیادت سے رابطے کیے۔ ذرائع کے مطابق فیلڈ مارشل نے بھی اس عمل میں کلیدی کردار ادا کیا اور خطے میں امن کے قیام کے لیے مسلسل کوششیں جاری رکھیں۔ دفتر خارجہ کے ترجمان نے کہا کہ پاکستان ہمیشہ سے تنازعات کے پرامن حل کا حامی رہا ہے اور آئندہ بھی اپنا کردار ادا کرتا رہے گا۔ اسلام آباد میں ہونے والے مذاکرات میں دونوں فریقین کے نمائندوں نے شرکت کی جبکہ عالمی برادری نے اس پیش رفت کا خیرمقدم کیا ہے۔
عالمی سطح پر پاکستان کی کامیاب سفارت کاری کے نتیجے میں امریکہ اور ایران کے درمیان جنگ بندی کا اعلان کر دیا گیا ہے اور اس سلسلے میں وزیراعظم پاکستان نے دونوں ممالک کی قیادت سے رابطے کیے۔ ذرائع کے مطابق فیلڈ مارشل نے بھی اس عمل میں کلیدی کردار ادا کیا اور خطے میں امن کے قیام کے لیے مسلسل کوششیں جاری رکھیں۔ دفتر خارجہ کے ترجمان نے کہا کہ پاکستان ہمیشہ سے تنازعات کے پرامن حل کا حامی رہا ہے اور آئندہ بھی اپنا کردار ادا کرتا رہے گا۔ اسلام آباد میں ہونے والے مذاکرات میں دونوں فریقین کے نمائندوں نے شرکت کی جبکہ عالمی برادری نے اس پیش رفت کا خیرمقدم کیا ہے۔
عالمی سطح پر پاکستان کی کامیاب سفارت کاری کے نتیجے میں امریکہ اور ایران کے درمیان جنگ بندی کا اعلان کر دیا گیا ہے اور اس سلسلے میں وزیراعظم پاکستان نے دونوں ممالک کی قیادت سے رابطے کیے۔ ذرائع کے مطابق فیلڈ مارشل نے بھی اس عمل میں کلیدی کردار ادا کیا اور خطے میں امن کے قیام کے لیے مسلسل کوششیں جاری رکھیں۔ دفتر خارجہ کے ترجمان نے کہا کہ پاکستان ہمیشہ سے تنازعات کے پرامن حل کا حامی رہا ہے اور آئندہ بھی اپنا کردار ادا کرتا رہے گا۔ اسلام آباد میں ہونے والے مذاکرات میں دونوں فریقین کے نمائندوں نے شرکت کی جبکہ عالمی برادری نے اس پیش رفت کا خیرمقدم کیا ہے۔
عالمی سطح پر پاکستان کی کامیاب سفارت کاری کے نتیجے میں امریکہ اور ایران کے درمیان جنگ بندی کا اعلان کر دیا گیا ہے اور اس سلسلے میں وزیراعظم پاکستان نے دونوں ممالک کی قیادت سے رابطے کیے۔ ذرائع کے مطابق فیلڈ مارشل نے بھی اس عمل میں کلیدی کردار ادا کیا اور خطے میں امن کے قیام کے لیے مسلسل کوششیں جاری رکھیں۔ دفتر خارجہ کے ترجمان نے کہا کہ پاکستان ہمیشہ سے تنازعات کے پرامن حل کا حامی رہا ہے اور آئندہ بھی اپنا کردار ادا کرتا رہے گا۔ اسلام آباد میں ہونے والے مذاکرات میں دونوں فریقین کے نمائندوں نے شرکت کی جبکہ عالمی برادری نے اس پیش رفت کا خیرمقدم کیا ہے۔
عالمی سطح پر پاکستان کی کامیاب سفارت کاری کے نتیجے میں امریکہ اور ایران کے درمیان جنگ بندی کا اعلان کر دیا گیا ہے اور اس سلسلے میں وزیراعظم پاکستان نے دونوں ممالک کی قیادت سے رابطے کیے۔ ذرائع کے مطابق فیلڈ مارشل نے بھی اس عمل میں کلیدی کردار ادا کیا اور خطے میں امن کے قیام کے لیے مسلسل کوششیں جاری رکھیں۔ دفتر خارجہ کے ترجمان نے کہا کہ پاکستان ہمیشہ سے تنازعات کے پرامن حل کا حامی رہا ہے اور آئندہ بھی اپنا کردار ادا کرتا رہے گا۔ اسلام آباد میں ہونے والے مذاکرات میں دونوں فریقین کے نمائندوں نے شرکت کی جبکہ عالمی برادری نے اس پیش رفت کا خیرمقدم کیا ہے۔
عالمی سطح پر پاکستان کی کامیاب سفارت کاری کے نتیجے میں امریکہ اور ایران کے درمیان جنگ بندی کا اعلان کر دیا گیا ہے اور اس سلسلے میں وزیراعظم پاکستان نے دونوں ممالک کی قیادت سے رابطے کیے۔ ذرائع کے مطابق فیلڈ مارشل نے بھی اس عمل میں کلیدی کردار ادا کیا اور خطے میں امن کے قیام کے لیے مسلسل کوششیں جاری رکھیں۔ دفتر خارجہ کے ترجمان نے کہا کہ پاکستان ہمیشہ سے تنازعات کے پرامن حل کا حامی رہا ہے اور آئندہ بھی اپنا کردار ادا کرتا رہے گا۔ اسلام آباد میں ہونے والے مذاکرات میں دونوں فریقین کے نمائندوں نے شرکت کی جبکہ عالمی برادری نے اس پیش رفت کا خیرمقدم کیا ہے۔
عالمی سطح پر پاکستان کی کامیاب سفارت کاری کے نتیجے میں امریکہ اور ایران کے درمیان جنگ بندی کا اعلان کر دیا گیا ہے اور اس سلسلے میں وزیراعظم پاکستان نے دونوں ممالک کی قیادت سے رابطے کیے۔ ذرائع کے مطابق فیلڈ مارشل نے بھی اس عمل میں کلیدی کردار ادا کیا اور خطے میں امن کے قیام کے لیے مسلسل کوششیں جاری رکھیں۔ دفتر خارجہ کے ترجمان نے کہا کہ پاکستان ہمیشہ سے تنازعات کے پرامن حل کا حامی رہا ہے اور آئندہ بھی اپنا کردار ادا کرتا رہے گا۔ اسلام آباد میں ہونے والے مذاکرات میں دونوں فریقین کے نمائندوں نے شرکت کی جبکہ عالمی برادری نے اس پیش رفت کا خیرمقدم کیا ہے۔
عالمی سطح پر پاکستان کی کامیاب سفارت کاری کے نتیجے میں امریکہ اور ایران کے درمیان جنگ بندی کا اعلان کر دیا گیا ہے اور اس سلسلے میں وزیراعظم پاکستان نے دونوں ممالک کی قیادت سے رابطے کیے۔ ذرائع کے مطابق فیلڈ مارشل نے بھی اس عمل میں کلیدی کردار ادا کیا اور خطے میں امن کے قیام کے لیے مسلسل کوششیں جاری رکھیں۔ دفتر خارجہ کے ترجمان نے کہا کہ پاکستان ہمیشہ سے تنازعات کے پرامن حل کا حامی رہا ہے اور آئندہ بھی اپنا کردار ادا کرتا رہے گا۔ اسلام آباد میں ہونے والے مذاکرات میں دونوں فریقین کے نمائندوں نے شرکت کی جبکہ عالمی برادری نے اس پیش رفت کا خیرمقدم کیا ہے۔
عالمی سطح پر پاکستان کی کامیاب سفارت کاری کے نتیجے میں امریکہ اور ایران کے درمیان جنگ بندی کا اعلان کر دیا گیا ہے اور اس سلسلے میں وزیراعظم پاکستان نے دونوں ممالک کی قیادت سے رابطے کیے۔ ذرائع کے مطابق فیلڈ مارشل نے بھی اس عمل میں کلیدی کردار ادا کیا اور خطے میں امن کے قیام کے لیے مسلسل کوششیں جاری رکھیں۔ دفتر خارجہ کے ترجمان نے کہا کہ پاکستان ہمیشہ سے تنازعات کے پرامن حل کا حامی رہا ہے اور آئندہ بھی اپنا کردار ادا کرتا رہے گا۔ اسلام آباد میں ہونے والے مذاکرات میں دونوں فریقین کے نمائندوں نے شرکت کی جبکہ عالمی برادری نے اس پیش رفت کا خیرمقدم کیا ہے۔
عالمی سطح پر پاکستان کی کامیاب سفارت کاری کے نتیجے میں امریکہ اور ایران کے درمیان جنگ بندی کا اعلان کر دیا گیا ہے اور اس سلسلے میں وزیراعظم پاکستان نے دونوں ممالک کی قیادت سے رابطے کیے۔ ذرائع کے مطابق فیلڈ مارشل نے بھی اس عمل میں کلیدی کردار ادا کیا اور خطے میں امن کے قیام کے لیے مسلسل کوششیں جاری رکھیں۔ دفتر خارجہ کے ترجمان نے کہا کہ پاکستان ہمیشہ سے تنازعات کے پرامن حل کا حامی رہا ہے اور آئندہ بھی اپنا کردار ادا کرتا رہے گا۔ اسلام آباد میں ہونے والے مذاکرات میں دونوں فریقین کے نمائندوں نے شرکت کی جبکہ عالمی برادری نے اس پیش رفت کا خیرمقدم کیا ہے۔
عالمی سطح پر پاکستان کی کامیاب سفارت کاری کے نتیجے میں امریکہ اور ایران کے درمیان جنگ بندی کا اعلان کر دیا گیا ہے اور اس سلسلے میں وزیراعظم پاکستان نے دونوں ممالک کی قیادت سے رابطے کیے۔ ذرائع کے مطابق فیلڈ مارشل نے بھی اس عمل میں کلیدی کردار ادا کیا اور خطے میں امن کے قیام کے لیے مسلسل کوششیں جاری رکھیں۔ دفتر خارجہ کے ترجمان نے کہا کہ پاکستان ہمیشہ سے تنازعات کے پرامن حل کا حامی رہا ہے اور آئندہ بھی اپنا کردار ادا کرتا رہے گا۔ اسلام آباد میں ہونے والے مذاکرات میں دونوں فریقین کے نمائندوں نے شرکت کی جبکہ عالمی برادری نے اس پیش رفت کا خیرمقدم کیا ہے۔
عالمی سطح پر پاکستان کی کامیاب سفارت کاری کے نتیجے میں امریکہ اور ایران کے درمیان جنگ بندی کا اعلان کر دیا گیا ہے اور اس سلسلے میں وزیراعظم پاکستان نے دونوں ممالک کی قیادت سے رابطے کیے۔ ذرائع کے مطابق فیلڈ مارشل نے بھی اس عمل میں کلیدی کردار ادا کیا اور خطے میں امن کے قیام کے لیے مسلسل کوششیں جاری رکھیں۔ دفتر خارجہ کے ترجمان نے کہا کہ پاکستان ہمیشہ سے تنازعات کے پرامن حل کا حامی رہا ہے اور آئندہ بھی اپنا کردار ادا کرتا رہے گا۔ اسلام آباد میں ہونے والے مذاکرات میں دونوں فریقین کے نمائندوں نے شرکت کی جبکہ عالمی برادری نے اس پیش رفت کا خیرمقدم کیا ہے۔
جمبر 3
دورہ امریکہ
عالمی سطح پر پاکستان کی کامیاب سفارت کاری کے نتیجے میں امریکہ اور ایران کے درمیان جنگ بندی کا اعلان کر دیا گیا ہے اور اس سلسلے میں وزیراعظم پاکستان نے دونوں ممالک کی قیادت سے رابطے کیے۔ ذرائع کے مطابق فیلڈ مارشل نے بھی اس عمل میں کلیدی کردار ادا کیا اور خطے میں امن کے قیام کے لیے مسلسل کوششیں جاری رکھیں۔ دفتر خارجہ کے ترجمان نے کہا کہ پاکستان ہمیشہ سے تنازعات کے پرامن حل کا حامی رہا ہے اور آئندہ بھی اپنا کردار ادا کرتا رہے گا۔ اسلام آباد میں ہونے والے مذاکرات میں دونوں فریقین کے نمائندوں نے شرکت کی جبکہ عالمی برادری نے اس پیش رفت کا خیرمقدم کیا ہے۔
عالمی سطح پر پاکستان کی کامیاب سفارت کاری کے نتیجے میں امریکہ اور ایران کے درمیان جنگ بندی کا اعلان کر دیا گیا ہے اور اس سلسلے میں وزیراعظم پاکستان نے دونوں ممالک کی قیادت سے رابطے کیے۔ ذرائع کے مطابق فیلڈ مارشل نے بھی اس عمل میں کلیدی کردار ادا کیا اور خطے میں امن کے قیام کے لیے مسلسل کوششیں جاری رکھیں۔ دفتر خارجہ کے ترجمان نے کہا کہ پاکستان ہمیشہ سے تنازعات کے پرامن حل کا حامی رہا ہے اور آئندہ بھی اپنا کردار ادا کرتا رہے گا۔ اسلام آباد میں ہونے والے مذاکرات میں دونوں فریقین کے نمائندوں نے شرکت کی جبکہ عالمی برادری نے اس پیش رفت کا خیرمقدم کیا ہے۔
عالمی سطح پر پاکستان کی کامیاب سفارت کاری کے نتیجے میں امریکہ اور ایران کے درمیان جنگ بندی کا اعلان کر دیا گیا ہے اور اس سلسلے میں وزیراعظم پاکستان نے دونوں ممالک کی قیادت سے رابطے کیے۔ ذرائع کے مطابق فیلڈ مارشل نے بھی اس عمل میں کلیدی کردار ادا کیا اور خطے میں امن کے قیام کے لیے مسلسل کوششیں جاری رکھیں۔ دفتر خارجہ کے ترجمان نے کہا کہ پاکستان ہمیشہ سے تنازعات کے پرامن حل کا حامی رہا ہے اور آئندہ بھی اپنا کردار ادا کرتا رہے گا۔ اسلام آباد میں ہونے والے مذاکرات میں دونوں فریقین کے نمائندوں نے شرکت کی جبکہ عالمی برادری نے اس پیش رفت کا خیرمقدم کیا ہے۔
عالمی سطح پر پاکستان کی کامیاب سفارت کاری کے نتیجے میں امریکہ اور ایران کے درمیان جنگ بندی کا اعلان کر دیا گیا ہے اور اس سلسلے میں وزیراعظم پاکستان نے دونوں ممالک کی قیادت سے رابطے کیے۔ ذرائع کے مطابق فیلڈ مارشل نے بھی اس عمل میں کلیدی کردار ادا کیا اور خطے میں امن کے قیام کے لیے مسلسل کوششیں جاری رکھیں۔ دفتر خارجہ کے ترجمان نے کہا کہ پاکستان ہمیشہ سے تنازعات کے پرامن حل کا حامی رہا ہے اور آئندہ بھی اپنا کردار ادا کرتا رہے گا۔ اسلام آباد میں ہونے والے مذاکرات میں دونوں فریقین کے نمائندوں نے شرکت کی جبکہ عالمی برادری نے اس پیش رفت کا خیرمقدم کیا ہے۔
عالمی سطح پر پاکستان کی کامیاب سفارت کاری کے نتیجے میں امریکہ اور ایران کے درمیان جنگ بندی کا اعلان کر دیا گیا ہے اور اس سلسلے میں وزیراعظم پاکستان نے دونوں ممالک کی قیادت سے رابطے کیے۔ ذرائع کے مطابق فیلڈ مارشل نے بھی اس عمل میں کلیدی کردار ادا کیا اور خطے میں امن کے قیام کے لیے مسلسل کوششیں جاری رکھیں۔ دفتر خارجہ کے ترجمان نے کہا کہ پاکستان ہمیشہ سے تنازعات کے پرامن حل کا حامی رہا ہے اور آئندہ بھی اپنا کردار ادا کرتا رہے گا۔ اسلام آباد میں ہونے والے مذاکرات میں دونوں فریقین کے نمائندوں نے شرکت کی جبکہ عالمی برادری نے اس پیش رفت کا خیرمقدم کیا ہے۔
عالمی سطح پر پاکستان کی کامیاب سفارت کاری کے نتیجے میں امریکہ اور ایران کے درمیان جنگ بندی کا اعلان کر دیا گیا ہے اور اس سلسلے میں وزیراعظم پاکستان نے دونوں ممالک کی قیادت سے رابطے کیے۔ ذرائع کے مطابق فیلڈ مارشل نے بھی اس عمل میں کلیدی کردار ادا کیا اور خطے میں امن کے قیام کے لیے مسلسل کوششیں جاری رکھیں۔ دفتر خارجہ کے ترجمان نے کہا کہ پاکستان ہمیشہ سے تنازعات کے پرامن حل کا حامی رہا ہے اور آئندہ بھی اپنا کردار ادا کرتا رہے گا۔ اسلام آباد میں ہونے والے مذاکرات میں دونوں فریقین کے نمائندوں نے شرکت کی جبکہ عالمی برادری نے اس پیش رفت کا خیرمقدم کیا ہے۔
عالمی سطح پر پاکستان کی کامیاب سفارت کاری کے نتیجے میں امریکہ اور ایران کے درمیان جنگ بندی کا اعلان کر دیا گیا ہے اور اس سلسلے میں وزیراعظم پاکستان نے دونوں ممالک کی قیادت سے رابطے کیے۔ ذرائع کے مطابق فیلڈ مارشل نے بھی اس عمل میں کلیدی کردار ادا کیا اور خطے میں امن کے قیام کے لیے مسلسل کوششیں جاری رکھیں۔ دفتر خارجہ کے ترجمان نے کہا کہ پاکستان ہمیشہ سے تنازعات کے پرامن حل کا حامی رہا ہے اور آئندہ بھی اپنا کردار ادا کرتا رہے گا۔ اسلام آباد میں ہونے والے مذاکرات میں دونوں فریقین کے نمائندوں نے شرکت کی جبکہ عالمی برادری نے اس پیش رفت کا خیرمقدم کیا ہے۔
عالمی سطح پر پاکستان کی کامیاب سفارت کاری کے نتیجے میں امریکہ اور ایران کے درمیان جنگ بندی کا اعلان کر دیا گیا ہے اور اس سلسلے میں وزیراعظم پاکستان نے دونوں ممالک کی قیادت سے رابطے کیے۔ ذرائع کے مطابق فیلڈ مارشل نے بھی اس عمل میں کلیدی کردار ادا کیا اور خطے میں امن کے قیام کے لیے مسلسل کوششیں جاری رکھیں۔ دفتر خارجہ کے ترجمان نے کہا کہ پاکستان ہمیشہ سے تنازعات کے پرامن حل کا حامی رہا ہے اور آئندہ بھی اپنا کردار ادا کرتا رہے گا۔ اسلام آباد میں ہونے والے مذاکرات میں دونوں فریقین کے نمائندوں نے شرکت کی جبکہ عالمی برادری نے اس پیش رفت کا خیرمقدم کیا ہے۔
عالمی سطح پر پاکستان کی کامیاب سفارت کاری کے نتیجے میں امریکہ اور ایران کے درمیان جنگ بندی کا اعلان کر دیا گیا ہے اور اس سلسلے میں وزیراعظم پاکستان نے دونوں ممالک کی قیادت سے رابطے کیے۔ ذرائع کے مطابق فیلڈ مارشل نے بھی اس عمل میں کلیدی کردار ادا کیا اور خطے میں امن کے قیام کے لیے مسلسل کوششیں جاری رکھیں۔ دفتر خارجہ کے ترجمان نے کہا کہ پاکستان ہمیشہ سے تنازعات کے پرامن حل کا حامی رہا ہے اور آئندہ بھی اپنا کردار ادا کرتا رہے گا۔ اسلام آباد میں ہونے والے مذاکرات میں دونوں فریقین کے نمائندوں نے شرکت کی جبکہ عالمی برادری نے اس پیش رفت کا خیرمقدم کیا ہے۔
عالمی سطح پر پاکستان کی کامیاب سفارت کاری کے نتیجے میں امریکہ اور ایران کے درمیان جنگ بندی کا اعلان کر دیا گیا ہے اور اس سلسلے میں وزیراعظم پاکستان نے دونوں ممالک کی قیادت سے رابطے کیے۔ ذرائع کے مطابق فیلڈ مارشل نے بھی اس عمل میں کلیدی کردار ادا کیا اور خطے میں امن کے قیام کے لیے مسلسل کوششیں جاری رکھیں۔ دفتر خارجہ کے ترجمان نے کہا کہ پاکستان ہمیشہ سے تنازعات کے پرامن حل کا حامی رہا ہے اور آئندہ بھی اپنا کردار ادا کرتا رہے گا۔ اسلام آباد میں ہونے والے مذاکرات میں دونوں فریقین کے نمائندوں نے شرکت کی جبکہ عالمی برادری نے اس پیش رفت کا خیرمقدم کیا ہے۔
عالمی سطح پر پاکستان کی کامیاب سفارت کاری کے نتیجے میں امریکہ اور ایران کے درمیان جنگ بندی کا اعلان کر دیا گیا ہے اور اس سلسلے میں وزیراعظم پاکستان نے دونوں ممالک کی قیادت سے رابطے کیے۔ ذرائع کے مطابق فیلڈ مارشل نے بھی اس عمل میں کلیدی کردار ادا کیا اور خطے میں امن کے قیام کے لیے مسلسل کوششیں جاری رکھیں۔ دفتر خارجہ کے ترجمان نے کہا کہ پاکستان ہمیشہ سے تنازعات کے پرامن حل کا حامی رہا ہے اور آئندہ بھی اپنا کردار ادا کرتا رہے گا۔ اسلام آباد میں ہونے والے مذاکرات میں دونوں فریقین کے نمائندوں نے شرکت کی جبکہ عالمی برادری نے اس پیش رفت کا خیرمقدم کیا ہے۔
عالمی سطح پر پاکستان کی کامیاب سفارت کاری کے نتیجے میں امریکہ اور ایران کے درمیان جنگ بندی کا اعلان کر دیا گیا ہے اور اس سلسلے میں وزیراعظم پاکستان نے دونوں ممالک کی قیادت سے رابطے کیے۔ ذرائع کے مطابق فیلڈ مارشل نے بھی اس عمل میں کلیدی کردار ادا کیا اور خطے میں امن کے قیام کے لیے مسلسل کوششیں جاری رکھیں۔ دفتر خارجہ کے ترجمان نے کہا کہ پاکستان ہمیشہ سے تنازعات کے پرامن حل کا حامی رہا ہے اور آئندہ بھی اپنا کردار ادا کرتا رہے گا۔ اسلام آباد میں ہونے والے مذاکرات میں دونوں فریقین کے نمائندوں نے شرکت کی جبکہ عالمی برادری نے اس پیش رفت کا خیرمقدم کیا ہے۔
عالمی سطح پر پاکستان کی کامیاب سفارت کاری کے نتیجے میں امریکہ اور ایران کے درمیان جنگ بندی کا اعلان کر دیا گیا ہے اور اس سلسلے میں وزیراعظم پاکستان نے دونوں ممالک کی قیادت سے رابطے کیے۔ ذرائع کے مطابق فیلڈ مارشل نے بھی اس عمل میں کلیدی کردار ادا کیا اور خطے میں امن کے قیام کے لیے مسلسل کوششیں جاری رکھیں۔ دفتر خارجہ کے ترجمان نے کہا کہ پاکستان ہمیشہ سے تنازعات کے پرامن حل کا حامی رہا ہے اور آئندہ بھی اپنا کردار ادا کرتا رہے گا۔ اسلام آباد میں ہونے والے مذاکرات میں دونوں فریقین کے نمائندوں نے شرکت کی جبکہ عالمی برادری نے اس پیش رفت کا خیرمقدم کیا ہے۔
عالمی سطح پر پاکستان کی کامیاب سفارت کاری کے نتیجے میں امریکہ اور ایران کے درمیان جنگ بندی کا اعلان کر دیا گیا ہے اور اس سلسلے میں وزیراعظم پاکستان نے دونوں ممالک کی قیادت سے رابطے کیے۔ ذرائع کے مطابق فیلڈ مارشل نے بھی اس عمل میں کلیدی کردار ادا کیا اور خطے میں امن کے قیام کے لیے مسلسل کوششیں جاری رکھیں۔ دفتر خارجہ کے ترجمان نے کہا کہ پاکستان ہمیشہ سے تنازعات کے پرامن حل کا حامی رہا ہے اور آئندہ بھی اپنا کردار ادا کرتا رہے گا۔ اسلام آباد میں ہونے والے مذاکرات میں دونوں فریقین کے نمائندوں نے شرکت کی جبکہ عالمی برادری نے اس پیش رفت کا خیرمقدم کیا ہے۔
عالمی سطح پر پاکستان کی کامیاب سفارت کاری کے نتیجے میں امریکہ اور ایران کے درمیان جنگ بندی کا اعلان کر دیا گیا ہے اور اس سلسلے میں وزیراعظم پاکستان نے دونوں ممالک کی قیادت سے رابطے کیے۔ ذرائع کے مطابق فیلڈ مارشل نے بھی اس عمل میں کلیدی کردار ادا کیا اور خطے میں امن کے قیام کے لیے مسلسل کوششیں جاری رکھیں۔ دفتر خارجہ کے ترجمان نے کہا کہ پاکستان ہمیشہ سے تنازعات کے پرامن حل کا حامی رہا ہے اور آئندہ بھی اپنا کردار ادا کرتا رہے گا۔ اسلام آباد میں ہونے والے مذاکرات میں دونوں فریقین کے نمائندوں نے شرکت کی جبکہ عالمی برادری نے اس پیش رفت کا خیرمقدم کیا ہے۔
جمبر 4
فیلڈ مارشل
عالمی سطح پر پاکستان کی کامیاب سفارت کاری کے نتیجے میں امریکہ اور ایران کے درمیان جنگ بندی کا اعلان کر دیا گیا ہے اور اس سلسلے میں وزیراعظم پاکستان نے دونوں ممالک کی قیادت سے رابطے کیے۔ ذرائع کے مطابق فیلڈ مارشل نے بھی اس عمل میں کلیدی کردار ادا کیا اور خطے میں امن کے قیام کے لیے مسلسل کوششیں جاری رکھیں۔ دفتر خارجہ کے ترجمان نے کہا کہ پاکستان ہمیشہ سے تنازعات کے پرامن حل کا حامی رہا ہے اور آئندہ بھی اپنا کردار ادا کرتا رہے گا۔ اسلام آباد میں ہونے والے مذاکرات میں دونوں فریقین کے نمائندوں نے شرکت کی جبکہ عالمی برادری نے اس پیش رفت کا خیرمقدم کیا ہے۔
جمبر 5
وزیراعظم
عالمی سطح پر پاکستان کی کامیاب سفارت کاری کے نتیجے میں امریکہ اور ایران کے درمیان جنگ بندی کا اعلان کر دیا گیا ہے اور اس سلسلے میں وزیراعظم پاکستان نے دونوں ممالک کی قیادت سے رابطے کیے۔ ذرائع کے مطابق فیلڈ مارشل نے بھی اس عمل میں کلیدی کردار ادا کیا اور خطے میں امن کے قیام کے لیے مسلسل کوششیں جاری رکھیں۔ دفتر خارجہ کے ترجمان نے کہا کہ پاکستان ہمیشہ سے تنازعات کے پرامن حل کا حامی رہا ہے اور آئندہ بھی اپنا کردار ادا کرتا رہے گا۔ اسلام آباد میں ہونے والے مذاکرات میں دونوں فریقین کے نمائندوں نے شرکت کی جبکہ عالمی برادری نے اس پیش رفت کا خیرمقدم کیا ہے۔
جمبر 6
عاصم
عالمی سطح پر پاکستان کی کامیاب سفارت کاری کے نتیجے میں امریکہ اور ایران کے درمیان جنگ بندی کا اعلان کر دیا گیا ہے اور اس سلسلے میں وزیراعظم پاکستان نے دونوں ممالک کی قیادت سے رابطے کیے۔ ذرائع کے مطابق فیلڈ مارشل نے بھی اس عمل میں کلیدی کردار ادا کیا اور خطے میں امن کے قیام کے لیے مسلسل کوششیں جاری رکھیں۔ دفتر خارجہ کے ترجمان نے کہا کہ پاکستان ہمیشہ سے تنازعات کے پرامن حل کا حامی رہا ہے اور آئندہ بھی اپنا کردار ادا کرتا رہے گا۔ اسلام آباد میں ہونے والے مذاکرات میں دونوں فریقین کے نمائندوں نے شرکت کی جبکہ عالمی برادری نے اس پیش رفت کا خیرمقدم کیا ہے۔
جمبر 7
بلیک آؤٹ
عالمی سطح پر پاکستان کی کامیاب سفارت کاری کے نتیجے میں امریکہ اور ایران کے درمیان جنگ بندی کا اعلان کر دیا گیا ہے اور اس سلسلے میں وزیراعظم پاکستان نے دونوں ممالک کی قیادت سے رابطے کیے۔ ذرائع کے مطابق فیلڈ مارشل نے بھی اس عمل میں کلیدی کردار ادا کیا اور خطے میں امن کے قیام کے لیے مسلسل کوششیں جاری رکھیں۔ دفتر خارجہ کے ترجمان نے کہا کہ پاکستان ہمیشہ سے تنازعات کے پرامن حل کا حامی رہا ہے اور آئندہ بھی اپنا کردار ادا کرتا رہے گا۔ اسلام آباد میں ہونے والے مذاکرات میں دونوں فریقین کے نمائندوں نے شرکت کی جبکہ عالمی برادری نے اس پیش رفت کا خیرمقدم کیا ہے۔
عالمی سطح پر پاکستان کی کامیاب سفارت کاری کے نتیجے میں امریکہ اور ایران کے درمیان جنگ بندی کا اعلان کر دیا گیا ہے اور اس سلسلے میں وزیراعظم پاکستان نے دونوں ممالک کی قیادت سے رابطے کیے۔ ذرائع کے مطابق فیلڈ مارشل نے بھی اس عمل میں کلیدی کردار ادا کیا اور خطے میں امن کے قیام کے لیے مسلسل کوششیں جاری رکھیں۔ دفتر خارجہ کے ترجمان نے کہا کہ پاکستان ہمیشہ سے تنازعات کے پرامن حل کا حامی رہا ہے اور آئندہ بھی اپنا کردار ادا کرتا رہے گا۔ اسلام آباد میں ہونے والے مذاکرات میں دونوں فریقین کے نمائندوں نے شرکت کی جبکہ عالمی برادری نے اس پیش رفت کا خیرمقدم کیا ہے۔
عالمی سطح پر پاکستان کی کامیاب سفارت کاری کے نتیجے میں امریکہ اور ایران کے درمیان جنگ بندی کا اعلان کر دیا گیا ہے اور اس سلسلے میں وزیراعظم پاکستان نے دونوں ممالک کی قیادت سے رابطے کیے۔ ذرائع کے مطابق فیلڈ مارشل نے بھی اس عمل میں کلیدی کردار ادا کیا اور خطے میں امن کے قیام کے لیے مسلسل کوششیں جاری رکھیں۔ دفتر خارجہ کے ترجمان نے کہا کہ پاکستان ہمیشہ سے تنازعات کے پرامن حل کا حامی رہا ہے اور آئندہ بھی اپنا کردار ادا کرتا رہے گا۔ اسلام آباد میں ہونے والے مذاکرات میں دونوں فریقین کے نمائندوں نے شرکت کی جبکہ عالمی برادری نے اس پیش رفت کا خیرمقدم کیا ہے۔
عالمی سطح پر پاکستان کی کامیاب سفارت کاری کے نتیجے میں امریکہ اور ایران کے درمیان جنگ بندی کا اعلان کر دیا گیا ہے اور اس سلسلے میں وزیراعظم پاکستان نے دونوں ممالک کی قیادت سے رابطے کیے۔ ذرائع کے مطابق فیلڈ مارشل نے بھی اس عمل میں کلیدی کردار ادا کیا اور خطے میں امن کے قیام کے لیے مسلسل کوششیں جاری رکھیں۔ دفتر خارجہ کے ترجمان نے کہا کہ پاکستان ہمیشہ سے تنازعات کے پرامن حل کا حامی رہا ہے اور آئندہ بھی اپنا کردار ادا کرتا رہے گا۔ اسلام آباد میں ہونے والے مذاکرات میں دونوں فریقین کے نمائندوں نے شرکت کی جبکہ عالمی برادری نے اس پیش رفت کا خیرمقدم کیا ہے۔
عالمی سطح پر پاکستان کی کامیاب سفارت کاری کے نتیجے میں امریکہ اور ایران کے درمیان جنگ بندی کا اعلان کر دیا گیا ہے اور اس سلسلے میں وزیراعظم پاکستان نے دونوں ممالک کی قیادت سے رابطے کیے۔ ذرائع کے مطابق فیلڈ مارشل نے بھی اس عمل میں کلیدی کردار ادا کیا اور خطے میں امن کے قیام کے لیے مسلسل کوششیں جاری رکھیں۔ دفتر خارجہ کے ترجمان نے کہا کہ پاکستان ہمیشہ سے تنازعات کے پرامن حل کا حامی رہا ہے اور آئندہ بھی اپنا کردار ادا کرتا رہے گا۔ اسلام آباد میں ہونے والے مذاکرات میں دونوں فریقین کے نمائندوں نے شرکت کی جبکہ عالمی برادری نے اس پیش رفت کا خیرمقدم کیا ہے۔
عالمی سطح پر پاکستان کی کامیاب سفارت کاری کے نتیجے میں امریکہ اور ایران کے درمیان جنگ بندی کا اعلان کر دیا گیا ہے اور اس سلسلے میں وزیراعظم پاکستان نے دونوں ممالک کی قیادت سے رابطے کیے۔ ذرائع کے مطابق فیلڈ مارشل نے بھی اس عمل میں کلیدی کردار ادا کیا اور خطے میں امن کے قیام کے لیے مسلسل کوششیں جاری رکھیں۔ دفتر خارجہ کے ترجمان نے کہا کہ پاکستان ہمیشہ سے تنازعات کے پرامن حل کا حامی رہا ہے اور آئندہ بھی اپنا کردار ادا کرتا رہے گا۔ اسلام آباد میں ہونے والے مذاکرات میں دونوں فریقین کے نمائندوں نے شرکت کی جبکہ عالمی برادری نے اس پیش رفت کا خیرمقدم کیا ہے۔
جمبر 8
اسرائیل حملے
عالمی سطح پر پاکستان کی کامیاب سفارت کاری کے نتیجے میں امریکہ اور ایران کے درمیان جنگ بندی کا اعلان کر دیا گیا ہے اور اس سلسلے میں وزیراعظم پاکستان نے دونوں ممالک کی قیادت سے رابطے کیے۔ ذرائع کے مطابق فیلڈ مارشل نے بھی اس عمل میں کلیدی کردار ادا کیا اور خطے میں امن کے قیام کے لیے مسلسل کوششیں جاری رکھیں۔ دفتر خارجہ کے ترجمان نے کہا کہ پاکستان ہمیشہ سے تنازعات کے پرامن حل کا حامی رہا ہے اور آئندہ بھی اپنا کردار ادا کرتا رہے گا۔ اسلام آباد میں ہونے والے مذاکرات میں دونوں فریقین کے نمائندوں نے شرکت کی جبکہ عالمی برادری نے اس پیش رفت کا خیرمقدم کیا ہے۔
عالمی سطح پر پاکستان کی کامیاب سفارت کاری کے نتیجے میں امریکہ اور ایران کے درمیان جنگ بندی کا اعلان کر دیا گیا ہے اور اس سلسلے میں وزیراعظم پاکستان نے دونوں ممالک کی قیادت سے رابطے کیے۔ ذرائع کے مطابق فیلڈ مارشل نے بھی اس عمل میں کلیدی کردار ادا کیا اور خطے میں امن کے قیام کے لیے مسلسل کوششیں جاری رکھیں۔ دفتر خارجہ کے ترجمان نے کہا کہ پاکستان ہمیشہ سے تنازعات کے پرامن حل کا حامی رہا ہے اور آئندہ بھی اپنا کردار ادا کرتا رہے گا۔ اسلام آباد میں ہونے والے مذاکرات میں دونوں فریقین کے نمائندوں نے شرکت کی جبکہ عالمی برادری نے اس پیش رفت کا خیرمقدم کیا ہے۔
عالمی سطح پر پاکستان کی کامیاب سفارت کاری کے نتیجے میں امریکہ اور ایران کے درمیان جنگ بندی کا اعلان کر دیا گیا ہے اور اس سلسلے میں وزیراعظم پاکستان نے دونوں ممالک کی قیادت سے رابطے کیے۔ ذرائع کے مطابق فیلڈ مارشل نے بھی اس عمل میں کلیدی کردار ادا کیا اور خطے میں امن کے قیام کے لیے مسلسل کوششیں جاری رکھیں۔ دفتر خارجہ کے ترجمان نے کہا کہ پاکستان ہمیشہ سے تنازعات کے پرامن حل کا حامی رہا ہے اور آئندہ بھی اپنا کردار ادا کرتا رہے گا۔ اسلام آباد میں ہونے والے مذاکرات میں دونوں فریقین کے نمائندوں نے شرکت کی جبکہ عالمی برادری نے اس پیش رفت کا خیرمقدم کیا ہے۔
عالمی سطح پر پاکستان کی کامیاب سفارت کاری کے نتیجے میں امریکہ اور ایران کے درمیان جنگ بندی کا اعلان کر دیا گیا ہے اور اس سلسلے میں وزیراعظم پاکستان نے دونوں ممالک کی قیادت سے رابطے کیے۔ ذرائع کے مطابق فیلڈ مارشل نے بھی اس عمل میں کلیدی کردار ادا کیا اور خطے میں امن کے قیام کے لیے مسلسل کوششیں جاری رکھیں۔ دفتر خارجہ کے ترجمان نے کہا کہ پاکستان ہمیشہ سے تنازعات کے پرامن حل کا حامی رہا ہے اور آئندہ بھی اپنا کردار ادا کرتا رہے گا۔ اسلام آباد میں ہونے والے مذاکرات میں دونوں فریقین کے نمائندوں نے شرکت کی جبکہ عالمی برادری نے اس پیش رفت کا خیرمقدم کیا ہے۔
عالمی سطح پر پاکستان کی کامیاب سفارت کاری کے نتیجے میں امریکہ اور ایران کے درمیان جنگ بندی کا اعلان کر دیا گیا ہے اور اس سلسلے میں وزیراعظم پاکستان نے دونوں ممالک کی قیادت سے رابطے کیے۔ ذرائع کے مطابق فیلڈ مارشل نے بھی اس عمل میں کلیدی کردار ادا کیا اور خطے میں امن کے قیام کے لیے مسلسل کوششیں جاری رکھیں۔ دفتر خارجہ کے ترجمان نے کہا کہ پاکستان ہمیشہ سے تنازعات کے پرامن حل کا حامی رہا ہے اور آئندہ بھی اپنا کردار ادا کرتا رہے گا۔ اسلام آباد میں ہونے والے مذاکرات میں دونوں فریقین کے نمائندوں نے شرکت کی جبکہ عالمی برادری نے اس پیش رفت کا خیرمقدم کیا ہے۔
عالمی سطح پر پاکستان کی کامیاب سفارت کاری کے نتیجے میں امریکہ اور ایران کے درمیان جنگ بندی کا اعلان کر دیا گیا ہے اور اس سلسلے میں وزیراعظم پاکستان نے دونوں ممالک کی قیادت سے رابطے کیے۔ ذرائع کے مطابق فیلڈ مارشل نے بھی اس عمل میں کلیدی کردار ادا کیا اور خطے میں امن کے قیام کے لیے مسلسل کوششیں جاری رکھیں۔ دفتر خارجہ کے ترجمان نے کہا کہ پاکستان ہمیشہ سے تنازعات کے پرامن حل کا حامی رہا ہے اور آئندہ بھی اپنا کردار ادا کرتا رہے گا۔ اسلام آباد میں ہونے والے مذاکرات میں دونوں فریقین کے نمائندوں نے شرکت کی جبکہ عالمی برادری نے اس پیش رفت کا خیرمقدم کیا ہے۔
Bridge-builder
عالمی سطح پر پاکستان کی کامیاب سفارت کاری کے نتیجے میں امریکہ اور ایران کے درمیان جنگ بندی کا اعلان کر دیا گیا ہے اور اس سلسلے میں وزیراعظم پاکستان نے دونوں ممالک کی قیادت سے رابطے کیے۔ ذرائع کے مطابق فیلڈ مارشل نے بھی اس عمل میں کلیدی کردار ادا کیا اور خطے میں امن کے قیام کے لیے مسلسل کوششیں جاری رکھیں۔ دفتر خارجہ کے ترجمان نے کہا کہ پاکستان ہمیشہ سے تنازعات کے پرامن حل کا حامی رہا ہے اور آئندہ بھی اپنا کردار ادا کرتا رہے گا۔ اسلام آباد میں ہونے والے مذاکرات میں دونوں فریقین کے نمائندوں نے شرکت کی جبکہ عالمی برادری نے اس پیش رفت کا خیرمقدم کیا ہے۔
عالمی سطح پر پاکستان کی کامیاب سفارت کاری کے نتیجے میں امریکہ اور ایران کے درمیان جنگ بندی کا اعلان کر دیا گیا ہے اور اس سلسلے میں وزیراعظم پاکستان نے دونوں ممالک کی قیادت سے رابطے کیے۔ ذرائع کے مطابق فیلڈ مارشل نے بھی اس عمل میں کلیدی کردار ادا کیا اور خطے میں امن کے قیام کے لیے مسلسل کوششیں جاری رکھیں۔ دفتر خارجہ کے ترجمان نے کہا کہ پاکستان ہمیشہ سے تنازعات کے پرامن حل کا حامی رہا ہے اور آئندہ بھی اپنا کردار ادا کرتا رہے گا۔ اسلام آباد میں ہونے والے مذاکرات میں دونوں فریقین کے نمائندوں نے شرکت کی جبکہ عالمی برادری نے اس پیش رفت کا خیرمقدم کیا ہے۔
جمبر 9
آبنائے ہرمز
عالمی سطح پر پاکستان کی کامیاب سفارت کاری کے نتیجے میں امریکہ اور ایران کے درمیان جنگ بندی کا اعلان کر دیا گیا ہے اور اس سلسلے میں وزیراعظم پاکستان نے دونوں ممالک کی قیادت سے رابطے کیے۔ ذرائع کے مطابق فیلڈ مارشل نے بھی اس عمل میں کلیدی کردار ادا کیا اور خطے میں امن کے قیام کے لیے مسلسل کوششیں جاری رکھیں۔ دفتر خارجہ کے ترجمان نے کہا کہ پاکستان ہمیشہ سے تنازعات کے پرامن حل کا حامی رہا ہے اور آئندہ بھی اپنا کردار ادا کرتا رہے گا۔ اسلام آباد میں ہونے والے مذاکرات میں دونوں فریقین کے نمائندوں نے شرکت کی جبکہ عالمی برادری نے اس پیش رفت کا خیرمقدم کیا ہے۔
عالمی سطح پر پاکستان کی کامیاب سفارت کاری کے نتیجے میں امریکہ اور ایران کے درمیان جنگ بندی کا اعلان کر دیا گیا ہے اور اس سلسلے میں وزیراعظم پاکستان نے دونوں ممالک کی قیادت سے رابطے کیے۔ ذرائع کے مطابق فیلڈ مارشل نے بھی اس عمل میں کلیدی کردار ادا کیا اور خطے میں امن کے قیام کے لیے مسلسل کوششیں جاری رکھیں۔ دفتر خارجہ کے ترجمان نے کہا کہ پاکستان ہمیشہ سے تنازعات کے پرامن حل کا حامی رہا ہے اور آئندہ بھی اپنا کردار ادا کرتا رہے گا۔ اسلام آباد میں ہونے والے مذاکرات میں دونوں فریقین کے نمائندوں نے شرکت کی جبکہ عالمی برادری نے اس پیش رفت کا خیرمقدم کیا ہے۔
عالمی سطح پر پاکستان کی کامیاب سفارت کاری کے نتیجے میں امریکہ اور ایران کے درمیان جنگ بندی کا اعلان کر دیا گیا ہے اور اس سلسلے میں وزیراعظم پاکستان نے دونوں ممالک کی قیادت سے رابطے کیے۔ ذرائع کے مطابق فیلڈ مارشل نے بھی اس عمل میں کلیدی کردار ادا کیا اور خطے میں امن کے قیام کے لیے مسلسل کوششیں جاری رکھیں۔ دفتر خارجہ کے ترجمان نے کہا کہ پاکستان ہمیشہ سے تنازعات کے پرامن حل کا حامی رہا ہے اور آئندہ بھی اپنا کردار ادا کرتا رہے گا۔ اسلام آباد میں ہونے والے مذاکرات میں دونوں فریقین کے نمائندوں نے شرکت کی جبکہ عالمی برادری نے اس پیش رفت کا خیرمقدم کیا ہے۔
عالمی سطح پر پاکستان کی کامیاب سفارت کاری کے نتیجے میں امریکہ اور ایران کے درمیان جنگ بندی کا اعلان کر دیا گیا ہے اور اس سلسلے میں وزیراعظم پاکستان نے دونوں ممالک کی قیادت سے رابطے کیے۔ ذرائع کے مطابق فیلڈ مارشل نے بھی اس عمل میں کلیدی کردار ادا کیا اور خطے میں امن کے قیام کے لیے مسلسل کوششیں جاری رکھیں۔ دفتر خارجہ کے ترجمان نے کہا کہ پاکستان ہمیشہ سے تنازعات کے پرامن حل کا حامی رہا ہے اور آئندہ بھی اپنا کردار ادا کرتا رہے گا۔ اسلام آباد میں ہونے والے مذاکرات میں دونوں فریقین کے نمائندوں نے شرکت کی جبکہ عالمی برادری نے اس پیش رفت کا خیرمقدم کیا ہے۔
Information Domain
عالمی سطح پر پاکستان کی کامیاب سفارت کاری کے نتیجے میں امریکہ اور ایران کے درمیان جنگ بندی کا اعلان کر دیا گیا ہے اور اس سلسلے میں وزیراعظم پاکستان نے دونوں ممالک کی قیادت سے رابطے کیے۔ ذرائع کے مطابق فیلڈ مارشل نے بھی اس عمل میں کلیدی کردار ادا کیا اور خطے میں امن کے قیام کے لیے مسلسل کوششیں جاری رکھیں۔ دفتر خارجہ کے ترجمان نے کہا کہ پاکستان ہمیشہ سے تنازعات کے پرامن حل کا حامی رہا ہے اور آئندہ بھی اپنا کردار ادا کرتا رہے گا۔ اسلام آباد میں ہونے والے مذاکرات میں دونوں فریقین کے نمائندوں نے شرکت کی جبکہ عالمی برادری نے اس پیش رفت کا خیرمقدم کیا ہے۔
عالمی سطح پر پاکستان کی کامیاب سفارت کاری کے نتیجے میں امریکہ اور ایران کے درمیان جنگ بندی کا اعلان کر دیا گیا ہے اور اس سلسلے میں وزیراعظم پاکستان نے دونوں ممالک کی قیادت سے رابطے کیے۔ ذرائع کے مطابق فیلڈ مارشل نے بھی اس عمل میں کلیدی کردار ادا کیا اور خطے میں امن کے قیام کے لیے مسلسل کوششیں جاری رکھیں۔ دفتر خارجہ کے ترجمان نے کہا کہ پاکستان ہمیشہ سے تنازعات کے پرامن حل کا حامی رہا ہے اور آئندہ بھی اپنا کردار ادا کرتا رہے گا۔ اسلام آباد میں ہونے والے مذاکرات میں دونوں فریقین کے نمائندوں نے شرکت کی جبکہ عالمی برادری نے اس پیش رفت کا خیرمقدم کیا ہے۔
عالمی سطح پر پاکستان کی کامیاب سفارت کاری کے نتیجے میں امریکہ اور ایران کے درمیان جنگ بندی کا اعلان کر دیا گیا ہے اور اس سلسلے میں وزیراعظم پاکستان نے دونوں ممالک کی قیادت سے رابطے کیے۔ ذرائع کے مطابق فیلڈ مارشل نے بھی اس عمل میں کلیدی کردار ادا کیا اور خطے میں امن کے قیام کے لیے مسلسل کوششیں جاری رکھیں۔ دفتر خارجہ کے ترجمان نے کہا کہ پاکستان ہمیشہ سے تنازعات کے پرامن حل کا حامی رہا ہے اور آئندہ بھی اپنا کردار ادا کرتا رہے گا۔ اسلام آباد میں ہونے والے مذاکرات میں دونوں فریقین کے نمائندوں نے شرکت کی جبکہ عالمی برادری نے اس پیش رفت کا خیرمقدم کیا ہے۔
عالمی سطح پر پاکستان کی کامیاب سفارت کاری کے نتیجے میں امریکہ اور ایران کے درمیان جنگ بندی کا اعلان کر دیا گیا ہے اور اس سلسلے میں وزیراعظم پاکستان نے دونوں ممالک کی قیادت سے رابطے کیے۔ ذرائع کے مطابق فیلڈ مارشل نے بھی اس عمل میں کلیدی کردار ادا کیا اور خطے میں امن کے قیام کے لیے مسلسل کوششیں جاری رکھیں۔ دفتر خارجہ کے ترجمان نے کہا کہ پاکستان ہمیشہ سے تنازعات کے پرامن حل کا حامی رہا ہے اور آئندہ بھی اپنا کردار ادا کرتا رہے گا۔ اسلام آباد میں ہونے والے مذاکرات میں دونوں فریقین کے نمائندوں نے شرکت کی جبکہ عالمی برادری نے اس پیش رفت کا خیرمقدم کیا ہے۔
عالمی سطح پر پاکستان کی کامیاب سفارت کاری کے نتیجے میں امریکہ اور ایران کے درمیان جنگ بندی کا اعلان کر دیا گیا ہے اور اس سلسلے میں وزیراعظم پاکستان نے دونوں ممالک کی قیادت سے رابطے کیے۔ ذرائع کے مطابق فیلڈ مارشل نے بھی اس عمل میں کلیدی کردار ادا کیا اور خطے میں امن کے قیام کے لیے مسلسل کوششیں جاری رکھیں۔ دفتر خارجہ کے ترجمان نے کہا کہ پاکستان ہمیشہ سے تنازعات کے پرامن حل کا حامی رہا ہے اور آئندہ بھی اپنا کردار ادا کرتا رہے گا۔ اسلام آباد میں ہونے والے مذاکرات میں دونوں فریقین کے نمائندوں نے شرکت کی جبکہ عالمی برادری نے اس پیش رفت کا خیرمقدم کیا ہے۔
جمبر 10
معاہدہ
جمبر 11
جنگ بندی
عالمی سطح پر پاکستان کی کامیاب سفارت کاری کے نتیجے میں امریکہ اور ایران کے درمیان جنگ بندی کا اعلان کر دیا گیا ہے اور اس سلسلے میں وزیراعظم پاکستان نے دونوں ممالک کی قیادت سے رابطے کیے۔ ذرائع کے مطابق فیلڈ مارشل نے بھی اس عمل میں کلیدی کردار ادا کیا اور خطے میں امن کے قیام کے لیے مسلسل کوششیں جاری رکھیں۔ دفتر خارجہ کے ترجمان نے کہا کہ پاکستان ہمیشہ سے تنازعات کے پرامن حل کا حامی رہا ہے اور آئندہ بھی اپنا کردار ادا کرتا رہے گا۔ اسلام آباد میں ہونے والے مذاکرات میں دونوں فریقین کے نمائندوں نے شرکت کی جبکہ عالمی برادری نے اس پیش رفت کا خیرمقدم کیا ہے۔
عالمی سطح پر پاکستان کی کامیاب سفارت کاری کے نتیجے میں امریکہ اور ایران کے درمیان جنگ بندی کا اعلان کر دیا گیا ہے اور اس سلسلے میں وزیراعظم پاکستان نے دونوں ممالک کی قیادت سے رابطے کیے۔ ذرائع کے مطابق فیلڈ مارشل نے بھی اس عمل میں کلیدی کردار ادا کیا اور خطے میں امن کے قیام کے لیے مسلسل کوششیں جاری رکھیں۔ دفتر خارجہ کے ترجمان نے کہا کہ پاکستان ہمیشہ سے تنازعات کے پرامن حل کا حامی رہا ہے اور آئندہ بھی اپنا کردار ادا کرتا رہے گا۔ اسلام آباد میں ہونے والے مذاکرات میں دونوں فریقین کے نمائندوں نے شرکت کی جبکہ عالمی برادری نے اس پیش رفت کا خیرمقدم کیا ہے۔
عالمی سطح پر پاکستان کی کامیاب سفارت کاری کے نتیجے میں امریکہ اور ایران کے درمیان جنگ بندی کا اعلان کر دیا گیا ہے اور اس سلسلے میں وزیراعظم پاکستان نے دونوں ممالک کی قیادت سے رابطے کیے۔ ذرائع کے مطابق فیلڈ مارشل نے بھی اس عمل میں کلیدی کردار ادا کیا اور خطے میں امن کے قیام کے لیے مسلسل کوششیں جاری رکھیں۔ دفتر خارجہ کے ترجمان نے کہا کہ پاکستان ہمیشہ سے تنازعات کے پرامن حل کا حامی رہا ہے اور آئندہ بھی اپنا کردار ادا کرتا رہے گا۔ اسلام آباد میں ہونے والے مذاکرات میں دونوں فریقین کے نمائندوں نے شرکت کی جبکہ عالمی برادری نے اس پیش رفت کا خیرمقدم کیا ہے۔
عالمی سطح پر پاکستان کی کامیاب سفارت کاری کے نتیجے میں امریکہ اور ایران کے درمیان جنگ بندی کا اعلان کر دیا گیا ہے اور اس سلسلے میں وزیراعظم پاکستان نے دونوں ممالک کی قیادت سے رابطے کیے۔ ذرائع کے مطابق فیلڈ مارشل نے بھی اس عمل میں کلیدی کردار ادا کیا اور خطے میں امن کے قیام کے لیے مسلسل کوششیں جاری رکھیں۔ دفتر خارجہ کے ترجمان نے کہا کہ پاکستان ہمیشہ سے تنازعات کے پرامن حل کا حامی رہا ہے اور آئندہ بھی اپنا کردار ادا کرتا رہے گا۔ اسلام آباد میں ہونے والے مذاکرات میں دونوں فریقین کے نمائندوں نے شرکت کی جبکہ عالمی برادری نے اس پیش رفت کا خیرمقدم کیا ہے۔
عالمی سطح پر پاکستان کی کامیاب سفارت کاری کے نتیجے میں امریکہ اور ایران کے درمیان جنگ بندی کا اعلان کر دیا گیا ہے اور اس سلسلے میں وزیراعظم پاکستان نے دونوں ممالک کی قیادت سے رابطے کیے۔ ذرائع کے مطابق فیلڈ مارشل نے بھی اس عمل میں کلیدی کردار ادا کیا اور خطے میں امن کے قیام کے لیے مسلسل کوششیں جاری رکھیں۔ دفتر خارجہ کے ترجمان نے کہا کہ پاکستان ہمیشہ سے تنازعات کے پرامن حل کا حامی رہا ہے اور آئندہ بھی اپنا کردار ادا کرتا رہے گا۔ اسلام آباد میں ہونے والے مذاکرات میں دونوں فریقین کے نمائندوں نے شرکت کی جبکہ عالمی برادری نے اس پیش رفت کا خیرمقدم کیا ہے۔
عالمی سطح پر پاکستان کی کامیاب سفارت کاری کے نتیجے میں امریکہ اور ایران کے درمیان جنگ بندی کا اعلان کر دیا گیا ہے اور اس سلسلے میں وزیراعظم پاکستان نے دونوں ممالک کی قیادت سے رابطے کیے۔ ذرائع کے مطابق فیلڈ مارشل نے بھی اس عمل میں کلیدی کردار ادا کیا اور خطے میں امن کے قیام کے لیے مسلسل کوششیں جاری رکھیں۔ دفتر خارجہ کے ترجمان نے کہا کہ پاکستان ہمیشہ سے تنازعات کے پرامن حل کا حامی رہا ہے اور آئندہ بھی اپنا کردار ادا کرتا رہے گا۔ اسلام آباد میں ہونے والے مذاکرات میں دونوں فریقین کے نمائندوں نے شرکت کی جبکہ عالمی برادری نے اس پیش رفت کا خیرمقدم کیا ہے۔
عالمی سطح پر پاکستان کی کامیاب سفارت کاری کے نتیجے میں امریکہ اور ایران کے درمیان جنگ بندی کا اعلان کر دیا گیا ہے اور اس سلسلے میں وزیراعظم پاکستان نے دونوں ممالک کی قیادت سے رابطے کیے۔ ذرائع کے مطابق فیلڈ مارشل نے بھی اس عمل میں کلیدی کردار ادا کیا اور خطے میں امن کے قیام کے لیے مسلسل کوششیں جاری رکھیں۔ دفتر خارجہ کے ترجمان نے کہا کہ پاکستان ہمیشہ سے تنازعات کے پرامن حل کا حامی رہا ہے اور آئندہ بھی اپنا کردار ادا کرتا رہے گا۔ اسلام آباد میں ہونے والے مذاکرات میں دونوں فریقین کے نمائندوں نے شرکت کی جبکہ عالمی برادری نے اس پیش رفت کا خیرمقدم کیا ہے۔
جمبر 12
ایرانی صدر
عالمی سطح پر پاکستان کی کامیاب سفارت کاری کے نتیجے میں امریکہ اور ایران کے درمیان جنگ بندی کا اعلان کر دیا گیا ہے اور اس سلسلے میں وزیراعظم پاکستان نے دونوں ممالک کی قیادت سے رابطے کیے۔ ذرائع کے مطابق فیلڈ مارشل نے بھی اس عمل میں کلیدی کردار ادا کیا اور خطے میں امن کے قیام کے لیے مسلسل کوششیں جاری رکھیں۔ دفتر خارجہ کے ترجمان نے کہا کہ پاکستان ہمیشہ سے تنازعات کے پرامن حل کا حامی رہا ہے اور آئندہ بھی اپنا کردار ادا کرتا رہے گا۔ اسلام آباد میں ہونے والے مذاکرات میں دونوں فریقین کے نمائندوں نے شرکت کی جبکہ عالمی برادری نے اس پیش رفت کا خیرمقدم کیا ہے۔
عالمی سطح پر پاکستان کی کامیاب سفارت کاری کے نتیجے میں امریکہ اور ایران کے درمیان جنگ بندی کا اعلان کر دیا گیا ہے اور اس سلسلے میں وزیراعظم پاکستان نے دونوں ممالک کی قیادت سے رابطے کیے۔ ذرائع کے مطابق فیلڈ مارشل نے بھی اس عمل میں کلیدی کردار ادا کیا اور خطے میں امن کے قیام کے لیے مسلسل کوششیں جاری رکھیں۔ دفتر خارجہ کے ترجمان نے کہا کہ پاکستان ہمیشہ سے تنازعات کے پرامن حل کا حامی رہا ہے اور آئندہ بھی اپنا کردار ادا کرتا رہے گا۔ اسلام آباد میں ہونے والے مذاکرات میں دونوں فریقین کے نمائندوں نے شرکت کی جبکہ عالمی برادری نے اس پیش رفت کا خیرمقدم کیا ہے۔
عالمی سطح پر پاکستان کی کامیاب سفارت کاری کے نتیجے میں امریکہ اور ایران کے درمیان جنگ بندی کا اعلان کر دیا گیا ہے اور اس سلسلے میں وزیراعظم پاکستان نے دونوں ممالک کی قیادت سے رابطے کیے۔ ذرائع کے مطابق فیلڈ مارشل نے بھی اس عمل میں کلیدی کردار ادا کیا اور خطے میں امن کے قیام کے لیے مسلسل کوششیں جاری رکھیں۔ دفتر خارجہ کے ترجمان نے کہا کہ پاکستان ہمیشہ سے تنازعات کے پرامن حل کا حامی رہا ہے اور آئندہ بھی اپنا کردار ادا کرتا رہے گا۔ اسلام آباد میں ہونے والے مذاکرات میں دونوں فریقین کے نمائندوں نے شرکت کی جبکہ عالمی برادری نے اس پیش رفت کا خیرمقدم کیا ہے۔
عالمی سطح پر پاکستان کی کامیاب سفارت کاری کے نتیجے میں امریکہ اور ایران کے درمیان جنگ بندی کا اعلان کر دیا گیا ہے اور اس سلسلے میں وزیراعظم پاکستان نے دونوں ممالک کی قیادت سے رابطے کیے۔ ذرائع کے مطابق فیلڈ مارشل نے بھی اس عمل میں کلیدی کردار ادا کیا اور خطے میں امن کے قیام کے لیے مسلسل کوششیں جاری رکھیں۔ دفتر خارجہ کے ترجمان نے کہا کہ پاکستان ہمیشہ سے تنازعات کے پرامن حل کا حامی رہا ہے اور آئندہ بھی اپنا کردار ادا کرتا رہے گا۔ اسلام آباد میں ہونے والے مذاکرات میں دونوں فریقین کے نمائندوں نے شرکت کی جبکہ عالمی برادری نے اس پیش رفت کا خیرمقدم کیا ہے۔
عالمی سطح پر پاکستان کی کامیاب سفارت کاری کے نتیجے میں امریکہ اور ایران کے درمیان جنگ بندی کا اعلان کر دیا گیا ہے اور اس سلسلے میں وزیراعظم پاکستان نے دونوں ممالک کی قیادت سے رابطے کیے۔ ذرائع کے مطابق فیلڈ مارشل نے بھی اس عمل میں کلیدی کردار ادا کیا اور خطے میں امن کے قیام کے لیے مسلسل کوششیں جاری رکھیں۔ دفتر خارجہ کے ترجمان نے کہا کہ پاکستان ہمیشہ سے تنازعات کے پرامن حل کا حامی رہا ہے اور آئندہ بھی اپنا کردار ادا کرتا رہے گا۔ اسلام آباد میں ہونے والے مذاکرات میں دونوں فریقین کے نمائندوں نے شرکت کی جبکہ عالمی برادری نے اس پیش رفت کا خیرمقدم کیا ہے۔
عالمی سطح پر پاکستان کی کامیاب سفارت کاری کے نتیجے میں امریکہ اور ایران کے درمیان جنگ بندی کا اعلان کر دیا گیا ہے اور اس سلسلے میں وزیراعظم پاکستان نے دونوں ممالک کی قیادت سے رابطے کیے۔ ذرائع کے مطابق فیلڈ مارشل نے بھی اس عمل میں کلیدی کردار ادا کیا اور خطے میں امن کے قیام کے لیے مسلسل کوششیں جاری رکھیں۔ دفتر خارجہ کے ترجمان نے کہا کہ پاکستان ہمیشہ سے تنازعات کے پرامن حل کا حامی رہا ہے اور آئندہ بھی اپنا کردار ادا کرتا رہے گا۔ اسلام آباد میں ہونے والے مذاکرات میں دونوں فریقین کے نمائندوں نے شرکت کی جبکہ عالمی برادری نے اس پیش رفت کا خیرمقدم کیا ہے۔
عالمی سطح پر پاکستان کی کامیاب سفارت کاری کے نتیجے میں امریکہ اور ایران کے درمیان جنگ بندی کا اعلان کر دیا گیا ہے اور اس سلسلے میں وزیراعظم پاکستان نے دونوں ممالک کی قیادت سے رابطے کیے۔ ذرائع کے مطابق فیلڈ مارشل نے بھی اس عمل میں کلیدی کردار ادا کیا اور خطے میں امن کے قیام کے لیے مسلسل کوششیں جاری رکھیں۔ دفتر خارجہ کے ترجمان نے کہا کہ پاکستان ہمیشہ سے تنازعات کے پرامن حل کا حامی رہا ہے اور آئندہ بھی اپنا کردار ادا کرتا رہے گا۔ اسلام آباد میں ہونے والے مذاکرات میں دونوں فریقین کے نمائندوں نے شرکت کی جبکہ عالمی برادری نے اس پیش رفت کا خیرمقدم کیا ہے۔
عالمی سطح پر پاکستان کی کامیاب سفارت کاری کے نتیجے میں امریکہ اور ایران کے درمیان جنگ بندی کا اعلان کر دیا گیا ہے اور اس سلسلے میں وزیراعظم پاکستان نے دونوں ممالک کی قیادت سے رابطے کیے۔ ذرائع کے مطابق فیلڈ مارشل نے بھی اس عمل میں کلیدی کردار ادا کیا اور خطے میں امن کے قیام کے لیے مسلسل کوششیں جاری رکھیں۔ دفتر خارجہ کے ترجمان نے کہا کہ پاکستان ہمیشہ سے تنازعات کے پرامن حل کا حامی رہا ہے اور آئندہ بھی اپنا کردار ادا کرتا رہے گا۔ اسلام آباد میں ہونے والے مذاکرات میں دونوں فریقین کے نمائندوں نے شرکت کی جبکہ عالمی برادری نے اس پیش رفت کا خیرمقدم کیا ہے۔
جمبر 13
لوٹ مار
عالمی سطح پر پاکستان کی کامیاب سفارت کاری کے نتیجے میں امریکہ اور ایران کے درمیان جنگ بندی کا اعلان کر دیا گیا ہے اور اس سلسلے میں وزیراعظم پاکستان نے دونوں ممالک کی قیادت سے رابطے کیے۔ ذرائع کے مطابق فیلڈ مارشل نے بھی اس عمل میں کلیدی کردار ادا کیا اور خطے میں امن کے قیام کے لیے مسلسل کوششیں جاری رکھیں۔ دفتر خارجہ کے ترجمان نے کہا کہ پاکستان ہمیشہ سے تنازعات کے پرامن حل کا حامی رہا ہے اور آئندہ بھی اپنا کردار ادا کرتا رہے گا۔ اسلام آباد میں ہونے والے مذاکرات میں دونوں فریقین کے نمائندوں نے شرکت کی جبکہ عالمی برادری نے اس پیش رفت کا خیرمقدم کیا ہے۔
عالمی سطح پر پاکستان کی کامیاب سفارت کاری کے نتیجے میں امریکہ اور ایران کے درمیان جنگ بندی کا اعلان کر دیا گیا ہے اور اس سلسلے میں وزیراعظم پاکستان نے دونوں ممالک کی قیادت سے رابطے کیے۔ ذرائع کے مطابق فیلڈ مارشل نے بھی اس عمل میں کلیدی کردار ادا کیا اور خطے میں امن کے قیام کے لیے مسلسل کوششیں جاری رکھیں۔ دفتر خارجہ کے ترجمان نے کہا کہ پاکستان ہمیشہ سے تنازعات کے پرامن حل کا حامی رہا ہے اور آئندہ بھی اپنا کردار ادا کرتا رہے گا۔ اسلام آباد میں ہونے والے مذاکرات میں دونوں فریقین کے نمائندوں نے شرکت کی جبکہ عالمی برادری نے اس پیش رفت کا خیرمقدم کیا ہے۔
عالمی سطح پر پاکستان کی کامیاب سفارت کاری کے نتیجے میں امریکہ اور ایران کے درمیان جنگ بندی کا اعلان کر دیا گیا ہے اور اس سلسلے میں وزیراعظم پاکستان نے دونوں ممالک کی قیادت سے رابطے کیے۔ ذرائع کے مطابق فیلڈ مارشل نے بھی اس عمل میں کلیدی کردار ادا کیا اور خطے میں امن کے قیام کے لیے مسلسل کوششیں جاری رکھیں۔ دفتر خارجہ کے ترجمان نے کہا کہ پاکستان ہمیشہ سے تنازعات کے پرامن حل کا حامی رہا ہے اور آئندہ بھی اپنا کردار ادا کرتا رہے گا۔ اسلام آباد میں ہونے والے مذاکرات میں دونوں فریقین کے نمائندوں نے شرکت کی جبکہ عالمی برادری نے اس پیش رفت کا خیرمقدم کیا ہے۔
عالمی سطح پر پاکستان کی کامیاب سفارت کاری کے نتیجے میں امریکہ اور ایران کے درمیان جنگ بندی کا اعلان کر دیا گیا ہے اور اس سلسلے میں وزیراعظم پاکستان نے دونوں ممالک کی قیادت سے رابطے کیے۔ ذرائع کے مطابق فیلڈ مارشل نے بھی اس عمل میں کلیدی کردار ادا کیا اور خطے میں امن کے قیام کے لیے مسلسل کوششیں جاری رکھیں۔ دفتر خارجہ کے ترجمان نے کہا کہ پاکستان ہمیشہ سے تنازعات کے پرامن حل کا حامی رہا ہے اور آئندہ بھی اپنا کردار ادا کرتا رہے گا۔ اسلام آباد میں ہونے والے مذاکرات میں دونوں فریقین کے نمائندوں نے شرکت کی جبکہ عالمی برادری نے اس پیش رفت کا خیرمقدم کیا ہے۔
جمبر 14
پاک افغان
عالمی سطح پر پاکستان کی کامیاب سفارت کاری کے نتیجے میں امریکہ اور ایران کے درمیان جنگ بندی کا اعلان کر دیا گیا ہے اور اس سلسلے میں وزیراعظم پاکستان نے دونوں ممالک کی قیادت سے رابطے کیے۔ ذرائع کے مطابق فیلڈ مارشل نے بھی اس عمل میں کلیدی کردار ادا کیا اور خطے میں امن کے قیام کے لیے مسلسل کوششیں جاری رکھیں۔ دفتر خارجہ کے ترجمان نے کہا کہ پاکستان ہمیشہ سے تنازعات کے پرامن حل کا حامی رہا ہے اور آئندہ بھی اپنا کردار ادا کرتا رہے گا۔ اسلام آباد میں ہونے والے مذاکرات میں دونوں فریقین کے نمائندوں نے شرکت کی جبکہ عالمی برادری نے اس پیش رفت کا خیرمقدم کیا ہے۔
عالمی سطح پر پاکستان کی کامیاب سفارت کاری کے نتیجے میں امریکہ اور ایران کے درمیان جنگ بندی کا اعلان کر دیا گیا ہے اور اس سلسلے میں وزیراعظم پاکستان نے دونوں ممالک کی قیادت سے رابطے کیے۔ ذرائع کے مطابق فیلڈ مارشل نے بھی اس عمل میں کلیدی کردار ادا کیا اور خطے میں امن کے قیام کے لیے مسلسل کوششیں جاری رکھیں۔ دفتر خارجہ کے ترجمان نے کہا کہ پاکستان ہمیشہ سے تنازعات کے پرامن حل کا حامی رہا ہے اور آئندہ بھی اپنا کردار ادا کرتا رہے گا۔ اسلام آباد میں ہونے والے مذاکرات میں دونوں فریقین کے نمائندوں نے شرکت کی جبکہ عالمی برادری نے اس پیش رفت کا خیرمقدم کیا ہے۔
جمبر 15
جہاز
عالمی سطح پر پاکستان کی کامیاب سفارت کاری کے نتیجے میں امریکہ اور ایران کے درمیان جنگ بندی کا اعلان کر دیا گیا ہے اور اس سلسلے میں وزیراعظم پاکستان نے دونوں ممالک کی قیادت سے رابطے کیے۔ ذرائع کے مطابق فیلڈ مارشل نے بھی اس عمل میں کلیدی کردار ادا کیا اور خطے میں امن کے قیام کے لیے مسلسل کوششیں جاری رکھیں۔ دفتر خارجہ کے ترجمان نے کہا کہ پاکستان ہمیشہ سے تنازعات کے پرامن حل کا حامی رہا ہے اور آئندہ بھی اپنا کردار ادا کرتا رہے گا۔ اسلام آباد میں ہونے والے مذاکرات میں دونوں فریقین کے نمائندوں نے شرکت کی جبکہ عالمی برادری نے اس پیش رفت کا خیرمقدم کیا ہے۔
عالمی سطح پر پاکستان کی کامیاب سفارت کاری کے نتیجے میں امریکہ اور ایران کے درمیان جنگ بندی کا اعلان کر دیا گیا ہے اور اس سلسلے میں وزیراعظم پاکستان نے دونوں ممالک کی قیادت سے رابطے کیے۔ ذرائع کے مطابق فیلڈ مارشل نے بھی اس عمل میں کلیدی کردار ادا کیا اور خطے میں امن کے قیام کے لیے مسلسل کوششیں جاری رکھیں۔ دفتر خارجہ کے ترجمان نے کہا کہ پاکستان ہمیشہ سے تنازعات کے پرامن حل کا حامی رہا ہے اور آئندہ بھی اپنا کردار ادا کرتا رہے گا۔ اسلام آباد میں ہونے والے مذاکرات میں دونوں فریقین کے نمائندوں نے شرکت کی جبکہ عالمی برادری نے اس پیش رفت کا خیرمقدم کیا ہے۔
جمبر 16
وزیراعلیٰ
عالمی سطح پر پاکستان کی کامیاب سفارت کاری کے نتیجے میں امریکہ اور ایران کے درمیان جنگ بندی کا اعلان کر دیا گیا ہے اور اس سلسلے میں وزیراعظم پاکستان نے دونوں ممالک کی قیادت سے رابطے کیے۔ ذرائع کے مطابق فیلڈ مارشل نے بھی اس عمل میں کلیدی کردار ادا کیا اور خطے میں امن کے قیام کے لیے مسلسل کوششیں جاری رکھیں۔ دفتر خارجہ کے ترجمان نے کہا کہ پاکستان ہمیشہ سے تنازعات کے پرامن حل کا حامی رہا ہے اور آئندہ بھی اپنا کردار ادا کرتا رہے گا۔ اسلام آباد میں ہونے والے مذاکرات میں دونوں فریقین کے نمائندوں نے شرکت کی جبکہ عالمی برادری نے اس پیش رفت کا خیرمقدم کیا ہے۔
عالمی سطح پر پاکستان کی کامیاب سفارت کاری کے نتیجے میں امریکہ اور ایران کے درمیان جنگ بندی کا اعلان کر دیا گیا ہے اور اس سلسلے میں وزیراعظم پاکستان نے دونوں ممالک کی قیادت سے رابطے کیے۔ ذرائع کے مطابق فیلڈ مارشل نے بھی اس عمل میں کلیدی کردار ادا کیا اور خطے میں امن کے قیام کے لیے مسلسل کوششیں جاری رکھیں۔ دفتر خارجہ کے ترجمان نے کہا کہ پاکستان ہمیشہ سے تنازعات کے پرامن حل کا حامی رہا ہے اور آئندہ بھی اپنا کردار ادا کرتا رہے گا۔ اسلام آباد میں ہونے والے مذاکرات میں دونوں فریقین کے نمائندوں نے شرکت کی جبکہ عالمی برادری نے اس پیش رفت کا خیرمقدم کیا ہے۔
عالمی سطح پر پاکستان کی کامیاب سفارت کاری کے نتیجے میں امریکہ اور ایران کے درمیان جنگ بندی کا اعلان کر دیا گیا ہے اور اس سلسلے میں وزیراعظم پاکستان نے دونوں ممالک کی قیادت سے رابطے کیے۔ ذرائع کے مطابق فیلڈ مارشل نے بھی اس عمل میں کلیدی کردار ادا کیا اور خطے میں امن کے قیام کے لیے مسلسل کوششیں جاری رکھیں۔ دفتر خارجہ کے ترجمان نے کہا کہ پاکستان ہمیشہ سے تنازعات کے پرامن حل کا حامی رہا ہے اور آئندہ بھی اپنا کردار ادا کرتا رہے گا۔ اسلام آباد میں ہونے والے مذاکرات میں دونوں فریقین کے نمائندوں نے شرکت کی جبکہ عالمی برادری نے اس پیش رفت کا خیرمقدم کیا ہے۔
عالمی سطح پر پاکستان کی کامیاب سفارت کاری کے نتیجے میں امریکہ اور ایران کے درمیان جنگ بندی کا اعلان کر دیا گیا ہے اور اس سلسلے میں وزیراعظم پاکستان نے دونوں ممالک کی قیادت سے رابطے کیے۔ ذرائع کے مطابق فیلڈ مارشل نے بھی اس عمل میں کلیدی کردار ادا کیا اور خطے میں امن کے قیام کے لیے مسلسل کوششیں جاری رکھیں۔ دفتر خارجہ کے ترجمان نے کہا کہ پاکستان ہمیشہ سے تنازعات کے پرامن حل کا حامی رہا ہے اور آئندہ بھی اپنا کردار ادا کرتا رہے گا۔ اسلام آباد میں ہونے والے مذاکرات میں دونوں فریقین کے نمائندوں نے شرکت کی جبکہ عالمی برادری نے اس پیش رفت کا خیرمقدم کیا ہے۔
عالمی سطح پر پاکستان کی کامیاب سفارت کاری کے نتیجے میں امریکہ اور ایران کے درمیان جنگ بندی کا اعلان کر دیا گیا ہے اور اس سلسلے میں وزیراعظم پاکستان نے دونوں ممالک کی قیادت سے رابطے کیے۔ ذرائع کے مطابق فیلڈ مارشل نے بھی اس عمل میں کلیدی کردار ادا کیا اور خطے میں امن کے قیام کے لیے مسلسل کوششیں جاری رکھیں۔ دفتر خارجہ کے ترجمان نے کہا کہ پاکستان ہمیشہ سے تنازعات کے پرامن حل کا حامی رہا ہے اور آئندہ بھی اپنا کردار ادا کرتا رہے گا۔ اسلام آباد میں ہونے والے مذاکرات میں دونوں فریقین کے نمائندوں نے شرکت کی جبکہ عالمی برادری نے اس پیش رفت کا خیرمقدم کیا ہے۔
عالمی سطح پر پاکستان کی کامیاب سفارت کاری کے نتیجے میں امریکہ اور ایران کے درمیان جنگ بندی کا اعلان کر دیا گیا ہے اور اس سلسلے میں وزیراعظم پاکستان نے دونوں ممالک کی قیادت سے رابطے کیے۔ ذرائع کے مطابق فیلڈ مارشل نے بھی اس عمل میں کلیدی کردار ادا کیا اور خطے میں امن کے قیام کے لیے مسلسل کوششیں جاری رکھیں۔ دفتر خارجہ کے ترجمان نے کہا کہ پاکستان ہمیشہ سے تنازعات کے پرامن حل کا حامی رہا ہے اور آئندہ بھی اپنا کردار ادا کرتا رہے گا۔ اسلام آباد میں ہونے والے مذاکرات میں دونوں فریقین کے نمائندوں نے شرکت کی جبکہ عالمی برادری نے اس پیش رفت کا خیرمقدم کیا ہے۔
عالمی سطح پر پاکستان کی کامیاب سفارت کاری کے نتیجے میں امریکہ اور ایران کے درمیان جنگ بندی کا اعلان کر دیا گیا ہے اور اس سلسلے میں وزیراعظم پاکستان نے دونوں ممالک کی قیادت سے رابطے کیے۔ ذرائع کے مطابق فیلڈ مارشل نے بھی اس عمل میں کلیدی کردار ادا کیا اور خطے میں امن کے قیام کے لیے مسلسل کوششیں جاری رکھیں۔ دفتر خارجہ کے ترجمان نے کہا کہ پاکستان ہمیشہ سے تنازعات کے پرامن حل کا حامی رہا ہے اور آئندہ بھی اپنا کردار ادا کرتا رہے گا۔ اسلام آباد میں ہونے والے مذاکرات میں دونوں فریقین کے نمائندوں نے شرکت کی جبکہ عالمی برادری نے اس پیش رفت کا خیرمقدم کیا ہے۔
عالمی سطح پر پاکستان کی کامیاب سفارت کاری کے نتیجے میں امریکہ اور ایران کے درمیان جنگ بندی کا اعلان کر دیا گیا ہے اور اس سلسلے میں وزیراعظم پاکستان نے دونوں ممالک کی قیادت سے رابطے کیے۔ ذرائع کے مطابق فیلڈ مارشل نے بھی اس عمل میں کلیدی کردار ادا کیا اور خطے میں امن کے قیام کے لیے مسلسل کوششیں جاری رکھیں۔ دفتر خارجہ کے ترجمان نے کہا کہ پاکستان ہمیشہ سے تنازعات کے پرامن حل کا حامی رہا ہے اور آئندہ بھی اپنا کردار ادا کرتا رہے گا۔ اسلام آباد میں ہونے والے مذاکرات میں دونوں فریقین کے نمائندوں نے شرکت کی جبکہ عالمی برادری نے اس پیش رفت کا خیرمقدم کیا ہے۔
عالمی سطح پر پاکستان کی کامیاب سفارت کاری کے نتیجے میں امریکہ اور ایران کے درمیان جنگ بندی کا اعلان کر دیا گیا ہے اور اس سلسلے میں وزیراعظم پاکستان نے دونوں ممالک کی قیادت سے رابطے کیے۔ ذرائع کے مطابق فیلڈ مارشل نے بھی اس عمل میں کلیدی کردار ادا کیا اور خطے میں امن کے قیام کے لیے مسلسل کوششیں جاری رکھیں۔ دفتر خارجہ کے ترجمان نے کہا کہ پاکستان ہمیشہ سے تنازعات کے پرامن حل کا حامی رہا ہے اور آئندہ بھی اپنا کردار ادا کرتا رہے گا۔ اسلام آباد میں ہونے والے مذاکرات میں دونوں فریقین کے نمائندوں نے شرکت کی جبکہ عالمی برادری نے اس پیش رفت کا خیرمقدم کیا ہے۔
عالمی سطح پر پاکستان کی کامیاب سفارت کاری کے نتیجے میں امریکہ اور ایران کے درمیان جنگ بندی کا اعلان کر دیا گیا ہے اور اس سلسلے میں وزیراعظم پاکستان نے دونوں ممالک کی قیادت سے رابطے کیے۔ ذرائع کے مطابق فیلڈ مارشل نے بھی اس عمل میں کلیدی کردار ادا کیا اور خطے میں امن کے قیام کے لیے مسلسل کوششیں جاری رکھیں۔ دفتر خارجہ کے ترجمان نے کہا کہ پاکستان ہمیشہ سے تنازعات کے پرامن حل کا حامی رہا ہے اور آئندہ بھی اپنا کردار ادا کرتا رہے گا۔ اسلام آباد میں ہونے والے مذاکرات میں دونوں فریقین کے نمائندوں نے شرکت کی جبکہ عالمی برادری نے اس پیش رفت کا خیرمقدم کیا ہے۔
عالمی سطح پر پاکستان کی کامیاب سفارت کاری کے نتیجے میں امریکہ اور ایران کے درمیان جنگ بندی کا اعلان کر دیا گیا ہے اور اس سلسلے میں وزیراعظم پاکستان نے دونوں ممالک کی قیادت سے رابطے کیے۔ ذرائع کے مطابق فیلڈ مارشل نے بھی اس عمل میں کلیدی کردار ادا کیا اور خطے میں امن کے قیام کے لیے مسلسل کوششیں جاری رکھیں۔ دفتر خارجہ کے ترجمان نے کہا کہ پاکستان ہمیشہ سے تنازعات کے پرامن حل کا حامی رہا ہے اور آئندہ بھی اپنا کردار ادا کرتا رہے گا۔ اسلام آباد میں ہونے والے مذاکرات میں دونوں فریقین کے نمائندوں نے شرکت کی جبکہ عالمی برادری نے اس پیش رفت کا خیرمقدم کیا ہے۔
جمبر 17
بلوچستان
عالمی سطح پر پاکستان کی کامیاب سفارت کاری کے نتیجے میں امریکہ اور ایران کے درمیان جنگ بندی کا اعلان کر دیا گیا ہے اور اس سلسلے میں وزیراعظم پاکستان نے دونوں ممالک کی قیادت سے رابطے کیے۔ ذرائع کے مطابق فیلڈ مارشل نے بھی اس عمل میں کلیدی کردار ادا کیا اور خطے میں امن کے قیام کے لیے مسلسل کوششیں جاری رکھیں۔ دفتر خارجہ کے ترجمان نے کہا کہ پاکستان ہمیشہ سے تنازعات کے پرامن حل کا حامی رہا ہے اور آئندہ بھی اپنا کردار ادا کرتا رہے گا۔ اسلام آباد میں ہونے والے مذاکرات میں دونوں فریقین کے نمائندوں نے شرکت کی جبکہ عالمی برادری نے اس پیش رفت کا خیرمقدم کیا ہے۔
عالمی سطح پر پاکستان کی کامیاب سفارت کاری کے نتیجے میں امریکہ اور ایران کے درمیان جنگ بندی کا اعلان کر دیا گیا ہے اور اس سلسلے میں وزیراعظم پاکستان نے دونوں ممالک کی قیادت سے رابطے کیے۔ ذرائع کے مطابق فیلڈ مارشل نے بھی اس عمل میں کلیدی کردار ادا کیا اور خطے میں امن کے قیام کے لیے مسلسل کوششیں جاری رکھیں۔ دفتر خارجہ کے ترجمان نے کہا کہ پاکستان ہمیشہ سے تنازعات کے پرامن حل کا حامی رہا ہے اور آئندہ بھی اپنا کردار ادا کرتا رہے گا۔ اسلام آباد میں ہونے والے مذاکرات میں دونوں فریقین کے نمائندوں نے شرکت کی جبکہ عالمی برادری نے اس پیش رفت کا خیرمقدم کیا ہے۔
عالمی سطح پر پاکستان کی کامیاب سفارت کاری کے نتیجے میں امریکہ اور ایران کے درمیان جنگ بندی کا اعلان کر دیا گیا ہے اور اس سلسلے میں وزیراعظم پاکستان نے دونوں ممالک کی قیادت سے رابطے کیے۔ ذرائع کے مطابق فیلڈ مارشل نے بھی اس عمل میں کلیدی کردار ادا کیا اور خطے میں امن کے قیام کے لیے مسلسل کوششیں جاری رکھیں۔ دفتر خارجہ کے ترجمان نے کہا کہ پاکستان ہمیشہ سے تنازعات کے پرامن حل کا حامی رہا ہے اور آئندہ بھی اپنا کردار ادا کرتا رہے گا۔ اسلام آباد میں ہونے والے مذاکرات میں دونوں فریقین کے نمائندوں نے شرکت کی جبکہ عالمی برادری نے اس پیش رفت کا خیرمقدم کیا ہے۔
عالمی سطح پر پاکستان کی کامیاب سفارت کاری کے نتیجے میں امریکہ اور ایران کے درمیان جنگ بندی کا اعلان کر دیا گیا ہے اور اس سلسلے میں وزیراعظم پاکستان نے دونوں ممالک کی قیادت سے رابطے کیے۔ ذرائع کے مطابق فیلڈ مارشل نے بھی اس عمل میں کلیدی کردار ادا کیا اور خطے میں امن کے قیام کے لیے مسلسل کوششیں جاری رکھیں۔ دفتر خارجہ کے ترجمان نے کہا کہ پاکستان ہمیشہ سے تنازعات کے پرامن حل کا حامی رہا ہے اور آئندہ بھی اپنا کردار ادا کرتا رہے گا۔ اسلام آباد میں ہونے والے مذاکرات میں دونوں فریقین کے نمائندوں نے شرکت کی جبکہ عالمی برادری نے اس پیش رفت کا خیرمقدم کیا ہے۔
عالمی سطح پر پاکستان کی کامیاب سفارت کاری کے نتیجے میں امریکہ اور ایران کے درمیان جنگ بندی کا اعلان کر دیا گیا ہے اور اس سلسلے میں وزیراعظم پاکستان نے دونوں ممالک کی قیادت سے رابطے کیے۔ ذرائع کے مطابق فیلڈ مارشل نے بھی اس عمل میں کلیدی کردار ادا کیا اور خطے میں امن کے قیام کے لیے مسلسل کوششیں جاری رکھیں۔ دفتر خارجہ کے ترجمان نے کہا کہ پاکستان ہمیشہ سے تنازعات کے پرامن حل کا حامی رہا ہے اور آئندہ بھی اپنا کردار ادا کرتا رہے گا۔ اسلام آباد میں ہونے والے مذاکرات میں دونوں فریقین کے نمائندوں نے شرکت کی جبکہ عالمی برادری نے اس پیش رفت کا خیرمقدم کیا ہے۔
عالمی سطح پر پاکستان کی کامیاب سفارت کاری کے نتیجے میں امریکہ اور ایران کے درمیان جنگ بندی کا اعلان کر دیا گیا ہے اور اس سلسلے میں وزیراعظم پاکستان نے دونوں ممالک کی قیادت سے رابطے کیے۔ ذرائع کے مطابق فیلڈ مارشل نے بھی اس عمل میں کلیدی کردار ادا کیا اور خطے میں امن کے قیام کے لیے مسلسل کوششیں جاری رکھیں۔ دفتر خارجہ کے ترجمان نے کہا کہ پاکستان ہمیشہ سے تنازعات کے پرامن حل کا حامی رہا ہے اور آئندہ بھی اپنا کردار ادا کرتا رہے گا۔ اسلام آباد میں ہونے والے مذاکرات میں دونوں فریقین کے نمائندوں نے شرکت کی جبکہ عالمی برادری نے اس پیش رفت کا خیرمقدم کیا ہے۔
جمبر 18
عرب ممالک
عالمی سطح پر پاکستان کی کامیاب سفارت کاری کے نتیجے میں امریکہ اور ایران کے درمیان جنگ بندی کا اعلان کر دیا گیا ہے اور اس سلسلے میں وزیراعظم پاکستان نے دونوں ممالک کی قیادت سے رابطے کیے۔ ذرائع کے مطابق فیلڈ مارشل نے بھی اس عمل میں کلیدی کردار ادا کیا اور خطے میں امن کے قیام کے لیے مسلسل کوششیں جاری رکھیں۔ دفتر خارجہ کے ترجمان نے کہا کہ پاکستان ہمیشہ سے تنازعات کے پرامن حل کا حامی رہا ہے اور آئندہ بھی اپنا کردار ادا کرتا رہے گا۔ اسلام آباد میں ہونے والے مذاکرات میں دونوں فریقین کے نمائندوں نے شرکت کی جبکہ عالمی برادری نے اس پیش رفت کا خیرمقدم کیا ہے۔
عالمی سطح پر پاکستان کی کامیاب سفارت کاری کے نتیجے میں امریکہ اور ایران کے درمیان جنگ بندی کا اعلان کر دیا گیا ہے اور اس سلسلے میں وزیراعظم پاکستان نے دونوں ممالک کی قیادت سے رابطے کیے۔ ذرائع کے مطابق فیلڈ مارشل نے بھی اس عمل میں کلیدی کردار ادا کیا اور خطے میں امن کے قیام کے لیے مسلسل کوششیں جاری رکھیں۔ دفتر خارجہ کے ترجمان نے کہا کہ پاکستان ہمیشہ سے تنازعات کے پرامن حل کا حامی رہا ہے اور آئندہ بھی اپنا کردار ادا کرتا رہے گا۔ اسلام آباد میں ہونے والے مذاکرات میں دونوں فریقین کے نمائندوں نے شرکت کی جبکہ عالمی برادری نے اس پیش رفت کا خیرمقدم کیا ہے۔
عالمی سطح پر پاکستان کی کامیاب سفارت کاری کے نتیجے میں امریکہ اور ایران کے درمیان جنگ بندی کا اعلان کر دیا گیا ہے اور اس سلسلے میں وزیراعظم پاکستان نے دونوں ممالک کی قیادت سے رابطے کیے۔ ذرائع کے مطابق فیلڈ مارشل نے بھی اس عمل میں کلیدی کردار ادا کیا اور خطے میں امن کے قیام کے لیے مسلسل کوششیں جاری رکھیں۔ دفتر خارجہ کے ترجمان نے کہا کہ پاکستان ہمیشہ سے تنازعات کے پرامن حل کا حامی رہا ہے اور آئندہ بھی اپنا کردار ادا کرتا رہے گا۔ اسلام آباد میں ہونے والے مذاکرات میں دونوں فریقین کے نمائندوں نے شرکت کی جبکہ عالمی برادری نے اس پیش رفت کا خیرمقدم کیا ہے۔
عالمی سطح پر پاکستان کی کامیاب سفارت کاری کے نتیجے میں امریکہ اور ایران کے درمیان جنگ بندی کا اعلان کر دیا گیا ہے اور اس سلسلے میں وزیراعظم پاکستان نے دونوں ممالک کی قیادت سے رابطے کیے۔ ذرائع کے مطابق فیلڈ مارشل نے بھی اس عمل میں کلیدی کردار ادا کیا اور خطے میں امن کے قیام کے لیے مسلسل کوششیں جاری رکھیں۔ دفتر خارجہ کے ترجمان نے کہا کہ پاکستان ہمیشہ سے تنازعات کے پرامن حل کا حامی رہا ہے اور آئندہ بھی اپنا کردار ادا کرتا رہے گا۔ اسلام آباد میں ہونے والے مذاکرات میں دونوں فریقین کے نمائندوں نے شرکت کی جبکہ عالمی برادری نے اس پیش رفت کا خیرمقدم کیا ہے۔
عالمی سطح پر پاکستان کی کامیاب سفارت کاری کے نتیجے میں امریکہ اور ایران کے درمیان جنگ بندی کا اعلان کر دیا گیا ہے اور اس سلسلے میں وزیراعظم پاکستان نے دونوں ممالک کی قیادت سے رابطے کیے۔ ذرائع کے مطابق فیلڈ مارشل نے بھی اس عمل میں کلیدی کردار ادا کیا اور خطے میں امن کے قیام کے لیے مسلسل کوششیں جاری رکھیں۔ دفتر خارجہ کے ترجمان نے کہا کہ پاکستان ہمیشہ سے تنازعات کے پرامن حل کا حامی رہا ہے اور آئندہ بھی اپنا کردار ادا کرتا رہے گا۔ اسلام آباد میں ہونے والے مذاکرات میں دونوں فریقین کے نمائندوں نے شرکت کی جبکہ عالمی برادری نے اس پیش رفت کا خیرمقدم کیا ہے۔
جمبر 19
انتخابات
عالمی سطح پر پاکستان کی کامیاب سفارت کاری کے نتیجے میں امریکہ اور ایران کے درمیان جنگ بندی کا اعلان کر دیا گیا ہے اور اس سلسلے میں وزیراعظم پاکستان نے دونوں ممالک کی قیادت سے رابطے کیے۔ ذرائع کے مطابق فیلڈ مارشل نے بھی اس عمل میں کلیدی کردار ادا کیا اور خطے میں امن کے قیام کے لیے مسلسل کوششیں جاری رکھیں۔ دفتر خارجہ کے ترجمان نے کہا کہ پاکستان ہمیشہ سے تنازعات کے پرامن حل کا حامی رہا ہے اور آئندہ بھی اپنا کردار ادا کرتا رہے گا۔ اسلام آباد میں ہونے والے مذاکرات میں دونوں فریقین کے نمائندوں نے شرکت کی جبکہ عالمی برادری نے اس پیش رفت کا خیرمقدم کیا ہے۔
عالمی سطح پر پاکستان کی کامیاب سفارت کاری کے نتیجے میں امریکہ اور ایران کے درمیان جنگ بندی کا اعلان کر دیا گیا ہے اور اس سلسلے میں وزیراعظم پاکستان نے دونوں ممالک کی قیادت سے رابطے کیے۔ ذرائع کے مطابق فیلڈ مارشل نے بھی اس عمل میں کلیدی کردار ادا کیا اور خطے میں امن کے قیام کے لیے مسلسل کوششیں جاری رکھیں۔ دفتر خارجہ کے ترجمان نے کہا کہ پاکستان ہمیشہ سے تنازعات کے پرامن حل کا حامی رہا ہے اور آئندہ بھی اپنا کردار ادا کرتا رہے گا۔ اسلام آباد میں ہونے والے مذاکرات میں دونوں فریقین کے نمائندوں نے شرکت کی جبکہ عالمی برادری نے اس پیش رفت کا خیرمقدم کیا ہے۔
عالمی سطح پر پاکستان کی کامیاب سفارت کاری کے نتیجے میں امریکہ اور ایران کے درمیان جنگ بندی کا اعلان کر دیا گیا ہے اور اس سلسلے میں وزیراعظم پاکستان نے دونوں ممالک کی قیادت سے رابطے کیے۔ ذرائع کے مطابق فیلڈ مارشل نے بھی اس عمل میں کلیدی کردار ادا کیا اور خطے میں امن کے قیام کے لیے مسلسل کوششیں جاری رکھیں۔ دفتر خارجہ کے ترجمان نے کہا کہ پاکستان ہمیشہ سے تنازعات کے پرامن حل کا حامی رہا ہے اور آئندہ بھی اپنا کردار ادا کرتا رہے گا۔ اسلام آباد میں ہونے والے مذاکرات میں دونوں فریقین کے نمائندوں نے شرکت کی جبکہ عالمی برادری نے اس پیش رفت کا خیرمقدم کیا ہے۔
عالمی سطح پر پاکستان کی کامیاب سفارت کاری کے نتیجے میں امریکہ اور ایران کے درمیان جنگ بندی کا اعلان کر دیا گیا ہے اور اس سلسلے میں وزیراعظم پاکستان نے دونوں ممالک کی قیادت سے رابطے کیے۔ ذرائع کے مطابق فیلڈ مارشل نے بھی اس عمل میں کلیدی کردار ادا کیا اور خطے میں امن کے قیام کے لیے مسلسل کوششیں جاری رکھیں۔ دفتر خارجہ کے ترجمان نے کہا کہ پاکستان ہمیشہ سے تنازعات کے پرامن حل کا حامی رہا ہے اور آئندہ بھی اپنا کردار ادا کرتا رہے گا۔ اسلام آباد میں ہونے والے مذاکرات میں دونوں فریقین کے نمائندوں نے شرکت کی جبکہ عالمی برادری نے اس پیش رفت کا خیرمقدم کیا ہے۔
جمبر 20
ٹیکس
عالمی سطح پر پاکستان کی کامیاب سفارت کاری کے نتیجے میں امریکہ اور ایران کے درمیان جنگ بندی کا اعلان کر دیا گیا ہے اور اس سلسلے میں وزیراعظم پاکستان نے دونوں ممالک کی قیادت سے رابطے کیے۔ ذرائع کے مطابق فیلڈ مارشل نے بھی اس عمل میں کلیدی کردار ادا کیا اور خطے میں امن کے قیام کے لیے مسلسل کوششیں جاری رکھیں۔ دفتر خارجہ کے ترجمان نے کہا کہ پاکستان ہمیشہ سے تنازعات کے پرامن حل کا حامی رہا ہے اور آئندہ بھی اپنا کردار ادا کرتا رہے گا۔ اسلام آباد میں ہونے والے مذاکرات میں دونوں فریقین کے نمائندوں نے شرکت کی جبکہ عالمی برادری نے اس پیش رفت کا خیرمقدم کیا ہے۔
عالمی سطح پر پاکستان کی کامیاب سفارت کاری کے نتیجے میں امریکہ اور ایران کے درمیان جنگ بندی کا اعلان کر دیا گیا ہے اور اس سلسلے میں وزیراعظم پاکستان نے دونوں ممالک کی قیادت سے رابطے کیے۔ ذرائع کے مطابق فیلڈ مارشل نے بھی اس عمل میں کلیدی کردار ادا کیا اور خطے میں امن کے قیام کے لیے مسلسل کوششیں جاری رکھیں۔ دفتر خارجہ کے ترجمان نے کہا کہ پاکستان ہمیشہ سے تنازعات کے پرامن حل کا حامی رہا ہے اور آئندہ بھی اپنا کردار ادا کرتا رہے گا۔ اسلام آباد میں ہونے والے مذاکرات میں دونوں فریقین کے نمائندوں نے شرکت کی جبکہ عالمی برادری نے اس پیش رفت کا خیرمقدم کیا ہے۔
عالمی سطح پر پاکستان کی کامیاب سفارت کاری کے نتیجے میں امریکہ اور ایران کے درمیان جنگ بندی کا اعلان کر دیا گیا ہے اور اس سلسلے میں وزیراعظم پاکستان نے دونوں ممالک کی قیادت سے رابطے کیے۔ ذرائع کے مطابق فیلڈ مارشل نے بھی اس عمل میں کلیدی کردار ادا کیا اور خطے میں امن کے قیام کے لیے مسلسل کوششیں جاری رکھیں۔ دفتر خارجہ کے ترجمان نے کہا کہ پاکستان ہمیشہ سے تنازعات کے پرامن حل کا حامی رہا ہے اور آئندہ بھی اپنا کردار ادا کرتا رہے گا۔ اسلام آباد میں ہونے والے مذاکرات میں دونوں فریقین کے نمائندوں نے شرکت کی جبکہ عالمی برادری نے اس پیش رفت کا خیرمقدم کیا ہے۔
جمبر 21
عمران خان
عالمی سطح پر پاکستان کی کامیاب سفارت کاری کے نتیجے میں امریکہ اور ایران کے درمیان جنگ بندی کا اعلان کر دیا گیا ہے اور اس سلسلے میں وزیراعظم پاکستان نے دونوں ممالک کی قیادت سے رابطے کیے۔ ذرائع کے مطابق فیلڈ مارشل نے بھی اس عمل میں کلیدی کردار ادا کیا اور خطے میں امن کے قیام کے لیے مسلسل کوششیں جاری رکھیں۔ دفتر خارجہ کے ترجمان نے کہا کہ پاکستان ہمیشہ سے تنازعات کے پرامن حل کا حامی رہا ہے اور آئندہ بھی اپنا کردار ادا کرتا رہے گا۔ اسلام آباد میں ہونے والے مذاکرات میں دونوں فریقین کے نمائندوں نے شرکت کی جبکہ عالمی برادری نے اس پیش رفت کا خیرمقدم کیا ہے۔
عالمی سطح پر پاکستان کی کامیاب سفارت کاری کے نتیجے میں امریکہ اور ایران کے درمیان جنگ بندی کا اعلان کر دیا گیا ہے اور اس سلسلے میں وزیراعظم پاکستان نے دونوں ممالک کی قیادت سے رابطے کیے۔ ذرائع کے مطابق فیلڈ مارشل نے بھی اس عمل میں کلیدی کردار ادا کیا اور خطے میں امن کے قیام کے لیے مسلسل کوششیں جاری رکھیں۔ دفتر خارجہ کے ترجمان نے کہا کہ پاکستان ہمیشہ سے تنازعات کے پرامن حل کا حامی رہا ہے اور آئندہ بھی اپنا کردار ادا کرتا رہے گا۔ اسلام آباد میں ہونے والے مذاکرات میں دونوں فریقین کے نمائندوں نے شرکت کی جبکہ عالمی برادری نے اس پیش رفت کا خیرمقدم کیا ہے۔
جمبر 22
ایران سعودی
عالمی سطح پر پاکستان کی کامیاب سفارت کاری کے نتیجے میں امریکہ اور ایران کے درمیان جنگ بندی کا اعلان کر دیا گیا ہے اور اس سلسلے میں وزیراعظم پاکستان نے دونوں ممالک کی قیادت سے رابطے کیے۔ ذرائع کے مطابق فیلڈ مارشل نے بھی اس عمل میں کلیدی کردار ادا کیا اور خطے میں امن کے قیام کے لیے مسلسل کوششیں جاری رکھیں۔ دفتر خارجہ کے ترجمان نے کہا کہ پاکستان ہمیشہ سے تنازعات کے پرامن حل کا حامی رہا ہے اور آئندہ بھی اپنا کردار ادا کرتا رہے گا۔ اسلام آباد میں ہونے والے مذاکرات میں دونوں فریقین کے نمائندوں نے شرکت کی جبکہ عالمی برادری نے اس پیش رفت کا خیرمقدم کیا ہے۔
جمبر 23
وزارت
عالمی سطح پر پاکستان کی کامیاب سفارت کاری کے نتیجے میں امریکہ اور ایران کے درمیان جنگ بندی کا اعلان کر دیا گیا ہے اور اس سلسلے میں وزیراعظم پاکستان نے دونوں ممالک کی قیادت سے رابطے کیے۔ ذرائع کے مطابق فیلڈ مارشل نے بھی اس عمل میں کلیدی کردار ادا کیا اور خطے میں امن کے قیام کے لیے مسلسل کوششیں جاری رکھیں۔ دفتر خارجہ کے ترجمان نے کہا کہ پاکستان ہمیشہ سے تنازعات کے پرامن حل کا حامی رہا ہے اور آئندہ بھی اپنا کردار ادا کرتا رہے گا۔ اسلام آباد میں ہونے والے مذاکرات میں دونوں فریقین کے نمائندوں نے شرکت کی جبکہ عالمی برادری نے اس پیش رفت کا خیرمقدم کیا ہے۔
عالمی سطح پر پاکستان کی کامیاب سفارت کاری کے نتیجے میں امریکہ اور ایران کے درمیان جنگ بندی کا اعلان کر دیا گیا ہے اور اس سلسلے میں وزیراعظم پاکستان نے دونوں ممالک کی قیادت سے رابطے کیے۔ ذرائع کے مطابق فیلڈ مارشل نے بھی اس عمل میں کلیدی کردار ادا کیا اور خطے میں امن کے قیام کے لیے مسلسل کوششیں جاری رکھیں۔ دفتر خارجہ کے ترجمان نے کہا کہ پاکستان ہمیشہ سے تنازعات کے پرامن حل کا حامی رہا ہے اور آئندہ بھی اپنا کردار ادا کرتا رہے گا۔ اسلام آباد میں ہونے والے مذاکرات میں دونوں فریقین کے نمائندوں نے شرکت کی جبکہ عالمی برادری نے اس پیش رفت کا خیرمقدم کیا ہے۔
عالمی سطح پر پاکستان کی کامیاب سفارت کاری کے نتیجے میں امریکہ اور ایران کے درمیان جنگ بندی کا اعلان کر دیا گیا ہے اور اس سلسلے میں وزیراعظم پاکستان نے دونوں ممالک کی قیادت سے رابطے کیے۔ ذرائع کے مطابق فیلڈ مارشل نے بھی اس عمل میں کلیدی کردار ادا کیا اور خطے میں امن کے قیام کے لیے مسلسل کوششیں جاری رکھیں۔ دفتر خارجہ کے ترجمان نے کہا کہ پاکستان ہمیشہ سے تنازعات کے پرامن حل کا حامی رہا ہے اور آئندہ بھی اپنا کردار ادا کرتا رہے گا۔ اسلام آباد میں ہونے والے مذاکرات میں دونوں فریقین کے نمائندوں نے شرکت کی جبکہ عالمی برادری نے اس پیش رفت کا خیرمقدم کیا ہے۔
عالمی سطح پر پاکستان کی کامیاب سفارت کاری کے نتیجے میں امریکہ اور ایران کے درمیان جنگ بندی کا اعلان کر دیا گیا ہے اور اس سلسلے میں وزیراعظم پاکستان نے دونوں ممالک کی قیادت سے رابطے کیے۔ ذرائع کے مطابق فیلڈ مارشل نے بھی اس عمل میں کلیدی کردار ادا کیا اور خطے میں امن کے قیام کے لیے مسلسل کوششیں جاری رکھیں۔ دفتر خارجہ کے ترجمان نے کہا کہ پاکستان ہمیشہ سے تنازعات کے پرامن حل کا حامی رہا ہے اور آئندہ بھی اپنا کردار ادا کرتا رہے گا۔ اسلام آباد میں ہونے والے مذاکرات میں دونوں فریقین کے نمائندوں نے شرکت کی جبکہ عالمی برادری نے اس پیش رفت کا خیرمقدم کیا ہے۔
عالمی سطح پر پاکستان کی کامیاب سفارت کاری کے نتیجے میں امریکہ اور ایران کے درمیان جنگ بندی کا اعلان کر دیا گیا ہے اور اس سلسلے میں وزیراعظم پاکستان نے دونوں ممالک کی قیادت سے رابطے کیے۔ ذرائع کے مطابق فیلڈ مارشل نے بھی اس عمل میں کلیدی کردار ادا کیا اور خطے میں امن کے قیام کے لیے مسلسل کوششیں جاری رکھیں۔ دفتر خارجہ کے ترجمان نے کہا کہ پاکستان ہمیشہ سے تنازعات کے پرامن حل کا حامی رہا ہے اور آئندہ بھی اپنا کردار ادا کرتا رہے گا۔ اسلام آباد میں ہونے والے مذاکرات میں دونوں فریقین کے نمائندوں نے شرکت کی جبکہ عالمی برادری نے اس پیش رفت کا خیرمقدم کیا ہے۔
عالمی سطح پر پاکستان کی کامیاب سفارت کاری کے نتیجے میں امریکہ اور ایران کے درمیان جنگ بندی کا اعلان کر دیا گیا ہے اور اس سلسلے میں وزیراعظم پاکستان نے دونوں ممالک کی قیادت سے رابطے کیے۔ ذرائع کے مطابق فیلڈ مارشل نے بھی اس عمل میں کلیدی کردار ادا کیا اور خطے میں امن کے قیام کے لیے مسلسل کوششیں جاری رکھیں۔ دفتر خارجہ کے ترجمان نے کہا کہ پاکستان ہمیشہ سے تنازعات کے پرامن حل کا حامی رہا ہے اور آئندہ بھی اپنا کردار ادا کرتا رہے گا۔ اسلام آباد میں ہونے والے مذاکرات میں دونوں فریقین کے نمائندوں نے شرکت کی جبکہ عالمی برادری نے اس پیش رفت کا خیرمقدم کیا ہے۔
عالمی سطح پر پاکستان کی کامیاب سفارت کاری کے نتیجے میں امریکہ اور ایران کے درمیان جنگ بندی کا اعلان کر دیا گیا ہے اور اس سلسلے میں وزیراعظم پاکستان نے دونوں ممالک کی قیادت سے رابطے کیے۔ ذرائع کے مطابق فیلڈ مارشل نے بھی اس عمل میں کلیدی کردار ادا کیا اور خطے میں امن کے قیام کے لیے مسلسل کوششیں جاری رکھیں۔ دفتر خارجہ کے ترجمان نے کہا کہ پاکستان ہمیشہ سے تنازعات کے پرامن حل کا حامی رہا ہے اور آئندہ بھی اپنا کردار ادا کرتا رہے گا۔ اسلام آباد میں ہونے والے مذاکرات میں دونوں فریقین کے نمائندوں نے شرکت کی جبکہ عالمی برادری نے اس پیش رفت کا خیرمقدم کیا ہے۔
عالمی سطح پر پاکستان کی کامیاب سفارت کاری کے نتیجے میں امریکہ اور ایران کے درمیان جنگ بندی کا اعلان کر دیا گیا ہے اور اس سلسلے میں وزیراعظم پاکستان نے دونوں ممالک کی قیادت سے رابطے کیے۔ ذرائع کے مطابق فیلڈ مارشل نے بھی اس عمل میں کلیدی کردار ادا کیا اور خطے میں امن کے قیام کے لیے مسلسل کوششیں جاری رکھیں۔ دفتر خارجہ کے ترجمان نے کہا کہ پاکستان ہمیشہ سے تنازعات کے پرامن حل کا حامی رہا ہے اور آئندہ بھی اپنا کردار ادا کرتا رہے گا۔ اسلام آباد میں ہونے والے مذاکرات میں دونوں فریقین کے نمائندوں نے شرکت کی جبکہ عالمی برادری نے اس پیش رفت کا خیرمقدم کیا ہے۔
عالمی سطح پر پاکستان کی کامیاب سفارت کاری کے نتیجے میں امریکہ اور ایران کے درمیان جنگ بندی کا اعلان کر دیا گیا ہے اور اس سلسلے میں وزیراعظم پاکستان نے دونوں ممالک کی قیادت سے رابطے کیے۔ ذرائع کے مطابق فیلڈ مارشل نے بھی اس عمل میں کلیدی کردار ادا کیا اور خطے میں امن کے قیام کے لیے مسلسل کوششیں جاری رکھیں۔ دفتر خارجہ کے ترجمان نے کہا کہ پاکستان ہمیشہ سے تنازعات کے پرامن حل کا حامی رہا ہے اور آئندہ بھی اپنا کردار ادا کرتا رہے گا۔ اسلام آباد میں ہونے والے مذاکرات میں دونوں فریقین کے نمائندوں نے شرکت کی جبکہ عالمی برادری نے اس پیش رفت کا خیرمقدم کیا ہے۔
جمبر 24
عدالت
عالمی سطح پر پاکستان کی کامیاب سفارت کاری کے نتیجے میں امریکہ اور ایران کے درمیان جنگ بندی کا اعلان کر دیا گیا ہے اور اس سلسلے میں وزیراعظم پاکستان نے دونوں ممالک کی قیادت سے رابطے کیے۔ ذرائع کے مطابق فیلڈ مارشل نے بھی اس عمل میں کلیدی کردار ادا کیا اور خطے میں امن کے قیام کے لیے مسلسل کوششیں جاری رکھیں۔ دفتر خارجہ کے ترجمان نے کہا کہ پاکستان ہمیشہ سے تنازعات کے پرامن حل کا حامی رہا ہے اور آئندہ بھی اپنا کردار ادا کرتا رہے گا۔ اسلام آباد میں ہونے والے مذاکرات میں دونوں فریقین کے نمائندوں نے شرکت کی جبکہ عالمی برادری نے اس پیش رفت کا خیرمقدم کیا ہے۔
عالمی سطح پر پاکستان کی کامیاب سفارت کاری کے نتیجے میں امریکہ اور ایران کے درمیان جنگ بندی کا اعلان کر دیا گیا ہے اور اس سلسلے میں وزیراعظم پاکستان نے دونوں ممالک کی قیادت سے رابطے کیے۔ ذرائع کے مطابق فیلڈ مارشل نے بھی اس عمل میں کلیدی کردار ادا کیا اور خطے میں امن کے قیام کے لیے مسلسل کوششیں جاری رکھیں۔ دفتر خارجہ کے ترجمان نے کہا کہ پاکستان ہمیشہ سے تنازعات کے پرامن حل کا حامی رہا ہے اور آئندہ بھی اپنا کردار ادا کرتا رہے گا۔ اسلام آباد میں ہونے والے مذاکرات میں دونوں فریقین کے نمائندوں نے شرکت کی جبکہ عالمی برادری نے اس پیش رفت کا خیرمقدم کیا ہے۔
عالمی سطح پر پاکستان کی کامیاب سفارت کاری کے نتیجے میں امریکہ اور ایران کے درمیان جنگ بندی کا اعلان کر دیا گیا ہے اور اس سلسلے میں وزیراعظم پاکستان نے دونوں ممالک کی قیادت سے رابطے کیے۔ ذرائع کے مطابق فیلڈ مارشل نے بھی اس عمل میں کلیدی کردار ادا کیا اور خطے میں امن کے قیام کے لیے مسلسل کوششیں جاری رکھیں۔ دفتر خارجہ کے ترجمان نے کہا کہ پاکستان ہمیشہ سے تنازعات کے پرامن حل کا حامی رہا ہے اور آئندہ بھی اپنا کردار ادا کرتا رہے گا۔ اسلام آباد میں ہونے والے مذاکرات میں دونوں فریقین کے نمائندوں نے شرکت کی جبکہ عالمی برادری نے اس پیش رفت کا خیرمقدم کیا ہے۔
عالمی سطح پر پاکستان کی کامیاب سفارت کاری کے نتیجے میں امریکہ اور ایران کے درمیان جنگ بندی کا اعلان کر دیا گیا ہے اور اس سلسلے میں وزیراعظم پاکستان نے دونوں ممالک کی قیادت سے رابطے کیے۔ ذرائع کے مطابق فیلڈ مارشل نے بھی اس عمل میں کلیدی کردار ادا کیا اور خطے میں امن کے قیام کے لیے مسلسل کوششیں جاری رکھیں۔ دفتر خارجہ کے ترجمان نے کہا کہ پاکستان ہمیشہ سے تنازعات کے پرامن حل کا حامی رہا ہے اور آئندہ بھی اپنا کردار ادا کرتا رہے گا۔ اسلام آباد میں ہونے والے مذاکرات میں دونوں فریقین کے نمائندوں نے شرکت کی جبکہ عالمی برادری نے اس پیش رفت کا خیرمقدم کیا ہے۔
جمبر 25
قتل
عالمی سطح پر پاکستان کی کامیاب سفارت کاری کے نتیجے میں امریکہ اور ایران کے درمیان جنگ بندی کا اعلان کر دیا گیا ہے اور اس سلسلے میں وزیراعظم پاکستان نے دونوں ممالک کی قیادت سے رابطے کیے۔ ذرائع کے مطابق فیلڈ مارشل نے بھی اس عمل میں کلیدی کردار ادا کیا اور خطے میں امن کے قیام کے لیے مسلسل کوششیں جاری رکھیں۔ دفتر خارجہ کے ترجمان نے کہا کہ پاکستان ہمیشہ سے تنازعات کے پرامن حل کا حامی رہا ہے اور آئندہ بھی اپنا کردار ادا کرتا رہے گا۔ اسلام آباد میں ہونے والے مذاکرات میں دونوں فریقین کے نمائندوں نے شرکت کی جبکہ عالمی برادری نے اس پیش رفت کا خیرمقدم کیا ہے۔
عالمی سطح پر پاکستان کی کامیاب سفارت کاری کے نتیجے میں امریکہ اور ایران کے درمیان جنگ بندی کا اعلان کر دیا گیا ہے اور اس سلسلے میں وزیراعظم پاکستان نے دونوں ممالک کی قیادت سے رابطے کیے۔ ذرائع کے مطابق فیلڈ مارشل نے بھی اس عمل میں کلیدی کردار ادا کیا اور خطے میں امن کے قیام کے لیے مسلسل کوششیں جاری رکھیں۔ دفتر خارجہ کے ترجمان نے کہا کہ پاکستان ہمیشہ سے تنازعات کے پرامن حل کا حامی رہا ہے اور آئندہ بھی اپنا کردار ادا کرتا رہے گا۔ اسلام آباد میں ہونے والے مذاکرات میں دونوں فریقین کے نمائندوں نے شرکت کی جبکہ عالمی برادری نے اس پیش رفت کا خیرمقدم کیا ہے۔
عالمی سطح پر پاکستان کی کامیاب سفارت کاری کے نتیجے میں امریکہ اور ایران کے درمیان جنگ بندی کا اعلان کر دیا گیا ہے اور اس سلسلے میں وزیراعظم پاکستان نے دونوں ممالک کی قیادت سے رابطے کیے۔ ذرائع کے مطابق فیلڈ مارشل نے بھی اس عمل میں کلیدی کردار ادا کیا اور خطے میں امن کے قیام کے لیے مسلسل کوششیں جاری رکھیں۔ دفتر خارجہ کے ترجمان نے کہا کہ پاکستان ہمیشہ سے تنازعات کے پرامن حل کا حامی رہا ہے اور آئندہ بھی اپنا کردار ادا کرتا رہے گا۔ اسلام آباد میں ہونے والے مذاکرات میں دونوں فریقین کے نمائندوں نے شرکت کی جبکہ عالمی برادری نے اس پیش رفت کا خیرمقدم کیا ہے۔
عالمی سطح پر پاکستان کی کامیاب سفارت کاری کے نتیجے میں امریکہ اور ایران کے درمیان جنگ بندی کا اعلان کر دیا گیا ہے اور اس سلسلے میں وزیراعظم پاکستان نے دونوں ممالک کی قیادت سے رابطے کیے۔ ذرائع کے مطابق فیلڈ مارشل نے بھی اس عمل میں کلیدی کردار ادا کیا اور خطے میں امن کے قیام کے لیے مسلسل کوششیں جاری رکھیں۔ دفتر خارجہ کے ترجمان نے کہا کہ پاکستان ہمیشہ سے تنازعات کے پرامن حل کا حامی رہا ہے اور آئندہ بھی اپنا کردار ادا کرتا رہے گا۔ اسلام آباد میں ہونے والے مذاکرات میں دونوں فریقین کے نمائندوں نے شرکت کی جبکہ عالمی برادری نے اس پیش رفت کا خیرمقدم کیا ہے۔
عالمی سطح پر پاکستان کی کامیاب سفارت کاری کے نتیجے میں امریکہ اور ایران کے درمیان جنگ بندی کا اعلان کر دیا گیا ہے اور اس سلسلے میں وزیراعظم پاکستان نے دونوں ممالک کی قیادت سے رابطے کیے۔ ذرائع کے مطابق فیلڈ مارشل نے بھی اس عمل میں کلیدی کردار ادا کیا اور خطے میں امن کے قیام کے لیے مسلسل کوششیں جاری رکھیں۔ دفتر خارجہ کے ترجمان نے کہا کہ پاکستان ہمیشہ سے تنازعات کے پرامن حل کا حامی رہا ہے اور آئندہ بھی اپنا کردار ادا کرتا رہے گا۔ اسلام آباد میں ہونے والے مذاکرات میں دونوں فریقین کے نمائندوں نے شرکت کی جبکہ عالمی برادری نے اس پیش رفت کا خیرمقدم کیا ہے۔
عالمی سطح پر پاکستان کی کامیاب سفارت کاری کے نتیجے میں امریکہ اور ایران کے درمیان جنگ بندی کا اعلان کر دیا گیا ہے اور اس سلسلے میں وزیراعظم پاکستان نے دونوں ممالک کی قیادت سے رابطے کیے۔ ذرائع کے مطابق فیلڈ مارشل نے بھی اس عمل میں کلیدی کردار ادا کیا اور خطے میں امن کے قیام کے لیے مسلسل کوششیں جاری رکھیں۔ دفتر خارجہ کے ترجمان نے کہا کہ پاکستان ہمیشہ سے تنازعات کے پرامن حل کا حامی رہا ہے اور آئندہ بھی اپنا کردار ادا کرتا رہے گا۔ اسلام آباد میں ہونے والے مذاکرات میں دونوں فریقین کے نمائندوں نے شرکت کی جبکہ عالمی برادری نے اس پیش رفت کا خیرمقدم کیا ہے۔
عالمی سطح پر پاکستان کی کامیاب سفارت کاری کے نتیجے میں امریکہ اور ایران کے درمیان جنگ بندی کا اعلان کر دیا گیا ہے اور اس سلسلے میں وزیراعظم پاکستان نے دونوں ممالک کی قیادت سے رابطے کیے۔ ذرائع کے مطابق فیلڈ مارشل نے بھی اس عمل میں کلیدی کردار ادا کیا اور خطے میں امن کے قیام کے لیے مسلسل کوششیں جاری رکھیں۔ دفتر خارجہ کے ترجمان نے کہا کہ پاکستان ہمیشہ سے تنازعات کے پرامن حل کا حامی رہا ہے اور آئندہ بھی اپنا کردار ادا کرتا رہے گا۔ اسلام آباد میں ہونے والے مذاکرات میں دونوں فریقین کے نمائندوں نے شرکت کی جبکہ عالمی برادری نے اس پیش رفت کا خیرمقدم کیا ہے۔
عالمی سطح پر پاکستان کی کامیاب سفارت کاری کے نتیجے میں امریکہ اور ایران کے درمیان جنگ بندی کا اعلان کر دیا گیا ہے اور اس سلسلے میں وزیراعظم پاکستان نے دونوں ممالک کی قیادت سے رابطے کیے۔ ذرائع کے مطابق فیلڈ مارشل نے بھی اس عمل میں کلیدی کردار ادا کیا اور خطے میں امن کے قیام کے لیے مسلسل کوششیں جاری رکھیں۔ دفتر خارجہ کے ترجمان نے کہا کہ پاکستان ہمیشہ سے تنازعات کے پرامن حل کا حامی رہا ہے اور آئندہ بھی اپنا کردار ادا کرتا رہے گا۔ اسلام آباد میں ہونے والے مذاکرات میں دونوں فریقین کے نمائندوں نے شرکت کی جبکہ عالمی برادری نے اس پیش رفت کا خیرمقدم کیا ہے۔
عالمی سطح پر پاکستان کی کامیاب سفارت کاری کے نتیجے میں امریکہ اور ایران کے درمیان جنگ بندی کا اعلان کر دیا گیا ہے اور اس سلسلے میں وزیراعظم پاکستان نے دونوں ممالک کی قیادت سے رابطے کیے۔ ذرائع کے مطابق فیلڈ مارشل نے بھی اس عمل میں کلیدی کردار ادا کیا اور خطے میں امن کے قیام کے لیے مسلسل کوششیں جاری رکھیں۔ دفتر خارجہ کے ترجمان نے کہا کہ پاکستان ہمیشہ سے تنازعات کے پرامن حل کا حامی رہا ہے اور آئندہ بھی اپنا کردار ادا کرتا رہے گا۔ اسلام آباد میں ہونے والے مذاکرات میں دونوں فریقین کے نمائندوں نے شرکت کی جبکہ عالمی برادری نے اس پیش رفت کا خیرمقدم کیا ہے۔
عالمی سطح پر پاکستان کی کامیاب سفارت کاری کے نتیجے میں امریکہ اور ایران کے درمیان جنگ بندی کا اعلان کر دیا گیا ہے اور اس سلسلے میں وزیراعظم پاکستان نے دونوں ممالک کی قیادت سے رابطے کیے۔ ذرائع کے مطابق فیلڈ مارشل نے بھی اس عمل میں کلیدی کردار ادا کیا اور خطے میں امن کے قیام کے لیے مسلسل کوششیں جاری رکھیں۔ دفتر خارجہ کے ترجمان نے کہا کہ پاکستان ہمیشہ سے تنازعات کے پرامن حل کا حامی رہا ہے اور آئندہ بھی اپنا کردار ادا کرتا رہے گا۔ اسلام آباد میں ہونے والے مذاکرات میں دونوں فریقین کے نمائندوں نے شرکت کی جبکہ عالمی برادری نے اس پیش رفت کا خیرمقدم کیا ہے۔
عالمی سطح پر پاکستان کی کامیاب سفارت کاری کے نتیجے میں امریکہ اور ایران کے درمیان جنگ بندی کا اعلان کر دیا گیا ہے اور اس سلسلے میں وزیراعظم پاکستان نے دونوں ممالک کی قیادت سے رابطے کیے۔ ذرائع کے مطابق فیلڈ مارشل نے بھی اس عمل میں کلیدی کردار ادا کیا اور خطے میں امن کے قیام کے لیے مسلسل کوششیں جاری رکھیں۔ دفتر خارجہ کے ترجمان نے کہا کہ پاکستان ہمیشہ سے تنازعات کے پرامن حل کا حامی رہا ہے اور آئندہ بھی اپنا کردار ادا کرتا رہے گا۔ اسلام آباد میں ہونے والے مذاکرات میں دونوں فریقین کے نمائندوں نے شرکت کی جبکہ عالمی برادری نے اس پیش رفت کا خیرمقدم کیا ہے۔
عالمی سطح پر پاکستان کی کامیاب سفارت کاری کے نتیجے میں امریکہ اور ایران کے درمیان جنگ بندی کا اعلان کر دیا گیا ہے اور اس سلسلے میں وزیراعظم پاکستان نے دونوں ممالک کی قیادت سے رابطے کیے۔ ذرائع کے مطابق فیلڈ مارشل نے بھی اس عمل میں کلیدی کردار ادا کیا اور خطے میں امن کے قیام کے لیے مسلسل کوششیں جاری رکھیں۔ دفتر خارجہ کے ترجمان نے کہا کہ پاکستان ہمیشہ سے تنازعات کے پرامن حل کا حامی رہا ہے اور آئندہ بھی اپنا کردار ادا کرتا رہے گا۔ اسلام آباد میں ہونے والے مذاکرات میں دونوں فریقین کے نمائندوں نے شرکت کی جبکہ عالمی برادری نے اس پیش رفت کا خیرمقدم کیا ہے۔
عالمی سطح پر پاکستان کی کامیاب سفارت کاری کے نتیجے میں امریکہ اور ایران کے درمیان جنگ بندی کا اعلان کر دیا گیا ہے اور اس سلسلے میں وزیراعظم پاکستان نے دونوں ممالک کی قیادت سے رابطے کیے۔ ذرائع کے مطابق فیلڈ مارشل نے بھی اس عمل میں کلیدی کردار ادا کیا اور خطے میں امن کے قیام کے لیے مسلسل کوششیں جاری رکھیں۔ دفتر خارجہ کے ترجمان نے کہا کہ پاکستان ہمیشہ سے تنازعات کے پرامن حل کا حامی رہا ہے اور آئندہ بھی اپنا کردار ادا کرتا رہے گا۔ اسلام آباد میں ہونے والے مذاکرات میں دونوں فریقین کے نمائندوں نے شرکت کی جبکہ عالمی برادری نے اس پیش رفت کا خیرمقدم کیا ہے۔
عالمی سطح پر پاکستان کی کامیاب سفارت کاری کے نتیجے میں امریکہ اور ایران کے درمیان جنگ بندی کا اعلان کر دیا گیا ہے اور اس سلسلے میں وزیراعظم پاکستان نے دونوں ممالک کی قیادت سے رابطے کیے۔ ذرائع کے مطابق فیلڈ مارشل نے بھی اس عمل میں کلیدی کردار ادا کیا اور خطے میں امن کے قیام کے لیے مسلسل کوششیں جاری رکھیں۔ دفتر خارجہ کے ترجمان نے کہا کہ پاکستان ہمیشہ سے تنازعات کے پرامن حل کا حامی رہا ہے اور آئندہ بھی اپنا کردار ادا کرتا رہے گا۔ اسلام آباد میں ہونے والے مذاکرات میں دونوں فریقین کے نمائندوں نے شرکت کی جبکہ عالمی برادری نے اس پیش رفت کا خیرمقدم کیا ہے۔
عالمی سطح پر پاکستان کی کامیاب سفارت کاری کے نتیجے میں امریکہ اور ایران کے درمیان جنگ بندی کا اعلان کر دیا گیا ہے اور اس سلسلے میں وزیراعظم پاکستان نے دونوں ممالک کی قیادت سے رابطے کیے۔ ذرائع کے مطابق فیلڈ مارشل نے بھی اس عمل میں کلیدی کردار ادا کیا اور خطے میں امن کے قیام کے لیے مسلسل کوششیں جاری رکھیں۔ دفتر خارجہ کے ترجمان نے کہا کہ پاکستان ہمیشہ سے تنازعات کے پرامن حل کا حامی رہا ہے اور آئندہ بھی اپنا کردار ادا کرتا رہے گا۔ اسلام آباد میں ہونے والے مذاکرات میں دونوں فریقین کے نمائندوں نے شرکت کی جبکہ عالمی برادری نے اس پیش رفت کا خیرمقدم کیا ہے۔
عالمی سطح پر پاکستان کی کامیاب سفارت کاری کے نتیجے میں امریکہ اور ایران کے درمیان جنگ بندی کا اعلان کر دیا گیا ہے اور اس سلسلے میں وزیراعظم پاکستان نے دونوں ممالک کی قیادت سے رابطے کیے۔ ذرائع کے مطابق فیلڈ مارشل نے بھی اس عمل میں کلیدی کردار ادا کیا اور خطے میں امن کے قیام کے لیے مسلسل کوششیں جاری رکھیں۔ دفتر خارجہ کے ترجمان نے کہا کہ پاکستان ہمیشہ سے تنازعات کے پرامن حل کا حامی رہا ہے اور آئندہ بھی اپنا کردار ادا کرتا رہے گا۔ اسلام آباد میں ہونے والے مذاکرات میں دونوں فریقین کے نمائندوں نے شرکت کی جبکہ عالمی برادری نے اس پیش رفت کا خیرمقدم کیا ہے۔
عالمی سطح پر پاکستان کی کامیاب سفارت کاری کے نتیجے میں امریکہ اور ایران کے درمیان جنگ بندی کا اعلان کر دیا گیا ہے اور اس سلسلے میں وزیراعظم پاکستان نے دونوں ممالک کی قیادت سے رابطے کیے۔ ذرائع کے مطابق فیلڈ مارشل نے بھی اس عمل میں کلیدی کردار ادا کیا اور خطے میں امن کے قیام کے لیے مسلسل کوششیں جاری رکھیں۔ دفتر خارجہ کے ترجمان نے کہا کہ پاکستان ہمیشہ سے تنازعات کے پرامن حل کا حامی رہا ہے اور آئندہ بھی اپنا کردار ادا کرتا رہے گا۔ اسلام آباد میں ہونے والے مذاکرات میں دونوں فریقین کے نمائندوں نے شرکت کی جبکہ عالمی برادری نے اس پیش رفت کا خیرمقدم کیا ہے۔
عالمی سطح پر پاکستان کی کامیاب سفارت کاری کے نتیجے میں امریکہ اور ایران کے درمیان جنگ بندی کا اعلان کر دیا گیا ہے اور اس سلسلے میں وزیراعظم پاکستان نے دونوں ممالک کی قیادت سے رابطے کیے۔ ذرائع کے مطابق فیلڈ مارشل نے بھی اس عمل میں کلیدی کردار ادا کیا اور خطے میں امن کے قیام کے لیے مسلسل کوششیں جاری رکھیں۔ دفتر خارجہ کے ترجمان نے کہا کہ پاکستان ہمیشہ سے تنازعات کے پرامن حل کا حامی رہا ہے اور آئندہ بھی اپنا کردار ادا کرتا رہے گا۔ اسلام آباد میں ہونے والے مذاکرات میں دونوں فریقین کے نمائندوں نے شرکت کی جبکہ عالمی برادری نے اس پیش رفت کا خیرمقدم کیا ہے۔
عالمی سطح پر پاکستان کی کامیاب سفارت کاری کے نتیجے میں امریکہ اور ایران کے درمیان جنگ بندی کا اعلان کر دیا گیا ہے اور اس سلسلے میں وزیراعظم پاکستان نے دونوں ممالک کی قیادت سے رابطے کیے۔ ذرائع کے مطابق فیلڈ مارشل نے بھی اس عمل میں کلیدی کردار ادا کیا اور خطے میں امن کے قیام کے لیے مسلسل کوششیں جاری رکھیں۔ دفتر خارجہ کے ترجمان نے کہا کہ پاکستان ہمیشہ سے تنازعات کے پرامن حل کا حامی رہا ہے اور آئندہ بھی اپنا کردار ادا کرتا رہے گا۔ اسلام آباد میں ہونے والے مذاکرات میں دونوں فریقین کے نمائندوں نے شرکت کی جبکہ عالمی برادری نے اس پیش رفت کا خیرمقدم کیا ہے۔
عالمی سطح پر پاکستان کی کامیاب سفارت کاری کے نتیجے میں امریکہ اور ایران کے درمیان جنگ بندی کا اعلان کر دیا گیا ہے اور اس سلسلے میں وزیراعظم پاکستان نے دونوں ممالک کی قیادت سے رابطے کیے۔ ذرائع کے مطابق فیلڈ مارشل نے بھی اس عمل میں کلیدی کردار ادا کیا اور خطے میں امن کے قیام کے لیے مسلسل کوششیں جاری رکھیں۔ دفتر خارجہ کے ترجمان نے کہا کہ پاکستان ہمیشہ سے تنازعات کے پرامن حل کا حامی رہا ہے اور آئندہ بھی اپنا کردار ادا کرتا رہے گا۔ اسلام آباد میں ہونے والے مذاکرات میں دونوں فریقین کے نمائندوں نے شرکت کی جبکہ عالمی برادری نے اس پیش رفت کا خیرمقدم کیا ہے۔
عالمی سطح پر پاکستان کی کامیاب سفارت کاری کے نتیجے میں امریکہ اور ایران کے درمیان جنگ بندی کا اعلان کر دیا گیا ہے اور اس سلسلے میں وزیراعظم پاکستان نے دونوں ممالک کی قیادت سے رابطے کیے۔ ذرائع کے مطابق فیلڈ مارشل نے بھی اس عمل میں کلیدی کردار ادا کیا اور خطے میں امن کے قیام کے لیے مسلسل کوششیں جاری رکھیں۔ دفتر خارجہ کے ترجمان نے کہا کہ پاکستان ہمیشہ سے تنازعات کے پرامن حل کا حامی رہا ہے اور آئندہ بھی اپنا کردار ادا کرتا رہے گا۔ اسلام آباد میں ہونے والے مذاکرات میں دونوں فریقین کے نمائندوں نے شرکت کی جبکہ عالمی برادری نے اس پیش رفت کا خیرمقدم کیا ہے۔
عالمی سطح پر پاکستان کی کامیاب سفارت کاری کے نتیجے میں امریکہ اور ایران کے درمیان جنگ بندی کا اعلان کر دیا گیا ہے اور اس سلسلے میں وزیراعظم پاکستان نے دونوں ممالک کی قیادت سے رابطے کیے۔ ذرائع کے مطابق فیلڈ مارشل نے بھی اس عمل میں کلیدی کردار ادا کیا اور خطے میں امن کے قیام کے لیے مسلسل کوششیں جاری رکھیں۔ دفتر خارجہ کے ترجمان نے کہا کہ پاکستان ہمیشہ سے تنازعات کے پرامن حل کا حامی رہا ہے اور آئندہ بھی اپنا کردار ادا کرتا رہے گا۔ اسلام آباد میں ہونے والے مذاکرات میں دونوں فریقین کے نمائندوں نے شرکت کی جبکہ عالمی برادری نے اس پیش رفت کا خیرمقدم کیا ہے۔
عالمی سطح پر پاکستان کی کامیاب سفارت کاری کے نتیجے میں امریکہ اور ایران کے درمیان جنگ بندی کا اعلان کر دیا گیا ہے اور اس سلسلے میں وزیراعظم پاکستان نے دونوں ممالک کی قیادت سے رابطے کیے۔ ذرائع کے مطابق فیلڈ مارشل نے بھی اس عمل میں کلیدی کردار ادا کیا اور خطے میں امن کے قیام کے لیے مسلسل کوششیں جاری رکھیں۔ دفتر خارجہ کے ترجمان نے کہا کہ پاکستان ہمیشہ سے تنازعات کے پرامن حل کا حامی رہا ہے اور آئندہ بھی اپنا کردار ادا کرتا رہے گا۔ اسلام آباد میں ہونے والے مذاکرات میں دونوں فریقین کے نمائندوں نے شرکت کی جبکہ عالمی برادری نے اس پیش رفت کا خیرمقدم کیا ہے۔
عالمی سطح پر پاکستان کی کامیاب سفارت کاری کے نتیجے میں امریکہ اور ایران کے درمیان جنگ بندی کا اعلان کر دیا گیا ہے اور اس سلسلے میں وزیراعظم پاکستان نے دونوں ممالک کی قیادت سے رابطے کیے۔ ذرائع کے مطابق فیلڈ مارشل نے بھی اس عمل میں کلیدی کردار ادا کیا اور خطے میں امن کے قیام کے لیے مسلسل کوششیں جاری رکھیں۔ دفتر خارجہ کے ترجمان نے کہا کہ پاکستان ہمیشہ سے تنازعات کے پرامن حل کا حامی رہا ہے اور آئندہ بھی اپنا کردار ادا کرتا رہے گا۔ اسلام آباد میں ہونے والے مذاکرات میں دونوں فریقین کے نمائندوں نے شرکت کی جبکہ عالمی برادری نے اس پیش رفت کا خیرمقدم کیا ہے۔
عالمی سطح پر پاکستان کی کامیاب سفارت کاری کے نتیجے میں امریکہ اور ایران کے درمیان جنگ بندی کا اعلان کر دیا گیا ہے اور اس سلسلے میں وزیراعظم پاکستان نے دونوں ممالک کی قیادت سے رابطے کیے۔ ذرائع کے مطابق فیلڈ مارشل نے بھی اس عمل میں کلیدی کردار ادا کیا اور خطے میں امن کے قیام کے لیے مسلسل کوششیں جاری رکھیں۔ دفتر خارجہ کے ترجمان نے کہا کہ پاکستان ہمیشہ سے تنازعات کے پرامن حل کا حامی رہا ہے اور آئندہ بھی اپنا کردار ادا کرتا رہے گا۔ اسلام آباد میں ہونے والے مذاکرات میں دونوں فریقین کے نمائندوں نے شرکت کی جبکہ عالمی برادری نے اس پیش رفت کا خیرمقدم کیا ہے۔
عالمی سطح پر پاکستان کی کامیاب سفارت کاری کے نتیجے میں امریکہ اور ایران کے درمیان جنگ بندی کا اعلان کر دیا گیا ہے اور اس سلسلے میں وزیراعظم پاکستان نے دونوں ممالک کی قیادت سے رابطے کیے۔ ذرائع کے مطابق فیلڈ مارشل نے بھی اس عمل میں کلیدی کردار ادا کیا اور خطے میں امن کے قیام کے لیے مسلسل کوششیں جاری رکھیں۔ دفتر خارجہ کے ترجمان نے کہا کہ پاکستان ہمیشہ سے تنازعات کے پرامن حل کا حامی رہا ہے اور آئندہ بھی اپنا کردار ادا کرتا رہے گا۔ اسلام آباد میں ہونے والے مذاکرات میں دونوں فریقین کے نمائندوں نے شرکت کی جبکہ عالمی برادری نے اس پیش رفت کا خیرمقدم کیا ہے۔
عالمی سطح پر پاکستان کی کامیاب سفارت کاری کے نتیجے میں امریکہ اور ایران کے درمیان جنگ بندی کا اعلان کر دیا گیا ہے اور اس سلسلے میں وزیراعظم پاکستان نے دونوں ممالک کی قیادت سے رابطے کیے۔ ذرائع کے مطابق فیلڈ مارشل نے بھی اس عمل میں کلیدی کردار ادا کیا اور خطے میں امن کے قیام کے لیے مسلسل کوششیں جاری رکھیں۔ دفتر خارجہ کے ترجمان نے کہا کہ پاکستان ہمیشہ سے تنازعات کے پرامن حل کا حامی رہا ہے اور آئندہ بھی اپنا کردار ادا کرتا رہے گا۔ اسلام آباد میں ہونے والے مذاکرات میں دونوں فریقین کے نمائندوں نے شرکت کی جبکہ عالمی برادری نے اس پیش رفت کا خیرمقدم کیا ہے۔
عالمی سطح پر پاکستان کی کامیاب سفارت کاری کے نتیجے میں امریکہ اور ایران کے درمیان جنگ بندی کا اعلان کر دیا گیا ہے اور اس سلسلے میں وزیراعظم پاکستان نے دونوں ممالک کی قیادت سے رابطے کیے۔ ذرائع کے مطابق فیلڈ مارشل نے بھی اس عمل میں کلیدی کردار ادا کیا اور خطے میں امن کے قیام کے لیے مسلسل کوششیں جاری رکھیں۔ دفتر خارجہ کے ترجمان نے کہا کہ پاکستان ہمیشہ سے تنازعات کے پرامن حل کا حامی رہا ہے اور آئندہ بھی اپنا کردار ادا کرتا رہے گا۔ اسلام آباد میں ہونے والے مذاکرات میں دونوں فریقین کے نمائندوں نے شرکت کی جبکہ عالمی برادری نے اس پیش رفت کا خیرمقدم کیا ہے۔
عالمی سطح پر پاکستان کی کامیاب سفارت کاری کے نتیجے میں امریکہ اور ایران کے درمیان جنگ بندی کا اعلان کر دیا گیا ہے اور اس سلسلے میں وزیراعظم پاکستان نے دونوں ممالک کی قیادت سے رابطے کیے۔ ذرائع کے مطابق فیلڈ مارشل نے بھی اس عمل میں کلیدی کردار ادا کیا اور خطے میں امن کے قیام کے لیے مسلسل کوششیں جاری رکھیں۔ دفتر خارجہ کے ترجمان نے کہا کہ پاکستان ہمیشہ سے تنازعات کے پرامن حل کا حامی رہا ہے اور آئندہ بھی اپنا کردار ادا کرتا رہے گا۔ اسلام آباد میں ہونے والے مذاکرات میں دونوں فریقین کے نمائندوں نے شرکت کی جبکہ عالمی برادری نے اس پیش رفت کا خیرمقدم کیا ہے۔
عالمی سطح پر پاکستان کی کامیاب سفارت کاری کے نتیجے میں امریکہ اور ایران کے درمیان جنگ بندی کا اعلان کر دیا گیا ہے اور اس سلسلے میں وزیراعظم پاکستان نے دونوں ممالک کی قیادت سے رابطے کیے۔ ذرائع کے مطابق فیلڈ مارشل نے بھی اس عمل میں کلیدی کردار ادا کیا اور خطے میں امن کے قیام کے لیے مسلسل کوششیں جاری رکھیں۔ دفتر خارجہ کے ترجمان نے کہا کہ پاکستان ہمیشہ سے تنازعات کے پرامن حل کا حامی رہا ہے اور آئندہ بھی اپنا کردار ادا کرتا رہے گا۔ اسلام آباد میں ہونے والے مذاکرات میں دونوں فریقین کے نمائندوں نے شرکت کی جبکہ عالمی برادری نے اس پیش رفت کا خیرمقدم کیا ہے۔
عالمی سطح پر پاکستان کی کامیاب سفارت کاری کے نتیجے میں امریکہ اور ایران کے درمیان جنگ بندی کا اعلان کر دیا گیا ہے اور اس سلسلے میں وزیراعظم پاکستان نے دونوں ممالک کی قیادت سے رابطے کیے۔ ذرائع کے مطابق فیلڈ مارشل نے بھی اس عمل میں کلیدی کردار ادا کیا اور خطے میں امن کے قیام کے لیے مسلسل کوششیں جاری رکھیں۔ دفتر خارجہ کے ترجمان نے کہا کہ پاکستان ہمیشہ سے تنازعات کے پرامن حل کا حامی رہا ہے اور آئندہ بھی اپنا کردار ادا کرتا رہے گا۔ اسلام آباد میں ہونے والے مذاکرات میں دونوں فریقین کے نمائندوں نے شرکت کی جبکہ عالمی برادری نے اس پیش رفت کا خیرمقدم کیا ہے۔
عالمی سطح پر پاکستان کی کامیاب سفارت کاری کے نتیجے میں امریکہ اور ایران کے درمیان جنگ بندی کا اعلان کر دیا گیا ہے اور اس سلسلے میں وزیراعظم پاکستان نے دونوں ممالک کی قیادت سے رابطے کیے۔ ذرائع کے مطابق فیلڈ مارشل نے بھی اس عمل میں کلیدی کردار ادا کیا اور خطے میں امن کے قیام کے لیے مسلسل کوششیں جاری رکھیں۔ دفتر خارجہ کے ترجمان نے کہا کہ پاکستان ہمیشہ سے تنازعات کے پرامن حل کا حامی رہا ہے اور آئندہ بھی اپنا کردار ادا کرتا رہے گا۔ اسلام آباد میں ہونے والے مذاکرات میں دونوں فریقین کے نمائندوں نے شرکت کی جبکہ عالمی برادری نے اس پیش رفت کا خیرمقدم کیا ہے۔
مختصر اشتہارات
نرخ -/100 روپے فی سطر
اشتہارات کی بکنگ کے لیے رابطہ کریں
021-35655270,71 72
کورٹ نوٹس	اعلان اتفاقی
عدالت عالیہ سندھ کراچی میں دائر درخواست کے سلسلے میں فریق کو مطلع کیا جاتا ہے کہ وہ مقررہ تاریخ پر بذات خود یا بذریعہ وکیل حاضر ہو کر جواب داخل کریں بصورت دیگر کارروائی یکطرفہ عمل میں لائی جائے گی۔ بحکم عدالت سینئر سول جج کراچی۔
عدالت عالیہ سندھ کراچی میں دائر درخواست کے سلسلے میں فریق کو مطلع کیا جاتا ہے کہ وہ مقررہ تاریخ پر بذات خود یا بذریعہ وکیل حاضر ہو کر جواب داخل کریں بصورت دیگر کارروائی یکطرفہ عمل میں لائی جائے گی۔ بحکم عدالت سینئر سول جج کراچی۔
عدالت عالیہ سندھ کراچی میں دائر درخواست کے سلسلے میں فریق کو مطلع کیا جاتا ہے کہ وہ مقررہ تاریخ پر بذات خود یا بذریعہ وکیل حاضر ہو کر جواب داخل کریں بصورت دیگر کارروائی یکطرفہ عمل میں لائی جائے گی۔ بحکم عدالت سینئر سول جج کراچی۔
عدالت عالیہ سندھ کراچی میں دائر درخواست کے سلسلے میں فریق کو مطلع کیا جاتا ہے کہ وہ مقررہ تاریخ پر بذات خود یا بذریعہ وکیل حاضر ہو کر جواب داخل کریں بصورت دیگر کارروائی یکطرفہ عمل میں لائی جائے گی۔ بحکم عدالت سینئر سول جج کراچی۔
IOA
عدالت عالیہ سندھ کراچی میں دائر درخواست کے سلسلے میں فریق کو مطلع کیا جاتا ہے کہ وہ مقررہ تاریخ پر بذات خود یا بذریعہ وکیل حاضر ہو کر جواب داخل کریں بصورت دیگر کارروائی یکطرفہ عمل میں لائی جائے گی۔ بحکم عدالت سینئر سول جج کراچی۔
عدالت عالیہ سندھ کراچی میں دائر درخواست کے سلسلے میں فریق کو مطلع کیا جاتا ہے کہ وہ مقررہ تاریخ پر بذات خود یا بذریعہ وکیل حاضر ہو کر جواب داخل کریں بصورت دیگر کارروائی یکطرفہ عمل میں لائی جائے گی۔ بحکم عدالت سینئر سول جج کراچی۔
عدالت عالیہ سندھ کراچی میں دائر درخواست کے سلسلے میں فریق کو مطلع کیا جاتا ہے کہ وہ مقررہ تاریخ پر بذات خود یا بذریعہ وکیل حاضر ہو کر جواب داخل کریں بصورت دیگر کارروائی یکطرفہ عمل میں لائی جائے گی۔ بحکم عدالت سینئر سول جج کراچی۔
عدالت عالیہ سندھ کراچی میں دائر درخواست کے سلسلے میں فریق کو مطلع کیا جاتا ہے کہ وہ مقررہ تاریخ پر بذات خود یا بذریعہ وکیل حاضر ہو کر جواب داخل کریں بصورت دیگر کارروائی یکطرفہ عمل میں لائی جائے گی۔ بحکم عدالت سینئر سول جج کراچی۔
عدالت عالیہ سندھ کراچی میں دائر درخواست کے سلسلے میں فریق کو مطلع کیا جاتا ہے کہ وہ مقررہ تاریخ پر بذات خود یا بذریعہ وکیل حاضر ہو کر جواب داخل کریں بصورت دیگر کارروائی یکطرفہ عمل میں لائی جائے گی۔ بحکم عدالت سینئر سول جج کراچی۔
عدالت عالیہ سندھ کراچی میں دائر درخواست کے سلسلے میں فریق کو مطلع کیا جاتا ہے کہ وہ مقررہ تاریخ پر بذات خود یا بذریعہ وکیل حاضر ہو کر جواب داخل کریں بصورت دیگر کارروائی یکطرفہ عمل میں لائی جائے گی۔ بحکم عدالت سینئر سول جج کراچی۔
عدالت عالیہ سندھ کراچی میں دائر درخواست کے سلسلے میں فریق کو مطلع کیا جاتا ہے کہ وہ مقررہ تاریخ پر بذات خود یا بذریعہ وکیل حاضر ہو کر جواب داخل کریں بصورت دیگر کارروائی یکطرفہ عمل میں لائی جائے گی۔ بحکم عدالت سینئر سول جج کراچی۔
عدالت عالیہ سندھ کراچی میں دائر درخواست کے سلسلے میں فریق کو مطلع کیا جاتا ہے کہ وہ مقررہ تاریخ پر بذات خود یا بذریعہ وکیل حاضر ہو کر جواب داخل کریں بصورت دیگر کارروائی یکطرفہ عمل میں لائی جائے گی۔ بحکم عدالت سینئر سول جج کراچی۔
عدالت عالیہ سندھ کراچی میں دائر درخواست کے سلسلے میں فریق کو مطلع کیا جاتا ہے کہ وہ مقررہ تاریخ پر بذات خود یا بذریعہ وکیل حاضر ہو کر جواب داخل کریں بصورت دیگر کارروائی یکطرفہ عمل میں لائی جائے گی۔ بحکم عدالت سینئر سول جج کراچی۔
عدالت عالیہ سندھ کراچی میں دائر درخواست کے سلسلے میں فریق کو مطلع کیا جاتا ہے کہ وہ مقررہ تاریخ پر بذات خود یا بذریعہ وکیل حاضر ہو کر جواب داخل کریں بصورت دیگر کارروائی یکطرفہ عمل میں لائی جائے گی۔ بحکم عدالت سینئر سول جج کراچی۔
عدالت عالیہ سندھ کراچی میں دائر درخواست کے سلسلے میں فریق کو مطلع کیا جاتا ہے کہ وہ مقررہ تاریخ پر بذات خود یا بذریعہ وکیل حاضر ہو کر جواب داخل کریں بصورت دیگر کارروائی یکطرفہ عمل میں لائی جائے گی۔ بحکم عدالت سینئر سول جج کراچی۔
عدالت عالیہ سندھ کراچی میں دائر درخواست کے سلسلے میں فریق کو مطلع کیا جاتا ہے کہ وہ مقررہ تاریخ پر بذات خود یا بذریعہ وکیل حاضر ہو کر جواب داخل کریں بصورت دیگر کارروائی یکطرفہ عمل میں لائی جائے گی۔ بحکم عدالت سینئر سول جج کراچی۔
عدالت عالیہ سندھ کراچی میں دائر درخواست کے سلسلے میں فریق کو مطلع کیا جاتا ہے کہ وہ مقررہ تاریخ پر بذات خود یا بذریعہ وکیل حاضر ہو کر جواب داخل کریں بصورت دیگر کارروائی یکطرفہ عمل میں لائی جائے گی۔ بحکم عدالت سینئر سول جج کراچی۔
عدالت عالیہ سندھ کراچی میں دائر درخواست کے سلسلے میں فریق کو مطلع کیا جاتا ہے کہ وہ مقررہ تاریخ پر بذات خود یا بذریعہ وکیل حاضر ہو کر جواب داخل کریں بصورت دیگر کارروائی یکطرفہ عمل میں لائی جائے گی۔ بحکم عدالت سینئر سول جج کراچی۔
عدالت عالیہ سندھ کراچی میں دائر درخواست کے سلسلے میں فریق کو مطلع کیا جاتا ہے کہ وہ مقررہ تاریخ پر بذات خود یا بذریعہ وکیل حاضر ہو کر جواب داخل کریں بصورت دیگر کارروائی یکطرفہ عمل میں لائی جائے گی۔ بحکم عدالت سینئر سول جج کراچی۔
عدالت عالیہ سندھ کراچی میں دائر درخواست کے سلسلے میں فریق کو مطلع کیا جاتا ہے کہ وہ مقررہ تاریخ پر بذات خود یا بذریعہ وکیل حاضر ہو کر جواب داخل کریں بصورت دیگر کارروائی یکطرفہ عمل میں لائی جائے گی۔ بحکم عدالت سینئر سول جج کراچی۔
عدالت عالیہ سندھ کراچی میں دائر درخواست کے سلسلے میں فریق کو مطلع کیا جاتا ہے کہ وہ مقررہ تاریخ پر بذات خود یا بذریعہ وکیل حاضر ہو کر جواب داخل کریں بصورت دیگر کارروائی یکطرفہ عمل میں لائی جائے گی۔ بحکم عدالت سینئر سول جج کراچی۔
STF
عدالت عالیہ سندھ کراچی میں دائر درخواست کے سلسلے میں فریق کو مطلع کیا جاتا ہے کہ وہ مقررہ تاریخ پر بذات خود یا بذریعہ وکیل حاضر ہو کر جواب داخل کریں بصورت دیگر کارروائی یکطرفہ عمل میں لائی جائے گی۔ بحکم عدالت سینئر سول جج کراچی۔
STF
عدالت عالیہ سندھ کراچی میں دائر درخواست کے سلسلے میں فریق کو مطلع کیا جاتا ہے کہ وہ مقررہ تاریخ پر بذات خود یا بذریعہ وکیل حاضر ہو کر جواب داخل کریں بصورت دیگر کارروائی یکطرفہ عمل میں لائی جائے گی۔ بحکم عدالت سینئر سول جج کراچی۔
STF
عدالت عالیہ سندھ کراچی میں دائر درخواست کے سلسلے میں فریق کو مطلع کیا جاتا ہے کہ وہ مقررہ تاریخ پر بذات خود یا بذریعہ وکیل حاضر ہو کر جواب داخل کریں بصورت دیگر کارروائی یکطرفہ عمل میں لائی جائے گی۔ بحکم عدالت سینئر سول جج کراچی۔
STF
عدالت عالیہ سندھ کراچی میں دائر درخواست کے سلسلے میں فریق کو مطلع کیا جاتا ہے کہ وہ مقررہ تاریخ پر بذات خود یا بذریعہ وکیل حاضر ہو کر جواب داخل کریں بصورت دیگر کارروائی یکطرفہ عمل میں لائی جائے گی۔ بحکم عدالت سینئر سول جج کراچی۔
STF
عدالت عالیہ سندھ کراچی میں دائر درخواست کے سلسلے میں فریق کو مطلع کیا جاتا ہے کہ وہ مقررہ تاریخ پر بذات خود یا بذریعہ وکیل حاضر ہو کر جواب داخل کریں بصورت دیگر کارروائی یکطرفہ عمل میں لائی جائے گی۔ بحکم عدالت سینئر سول جج کراچی۔
STF
SUIT FOR DISSOLUTION OF MARRIAGE, DOWRY ARTICLS, DOWER AMOUNT AND MAINTENANCE
عدالت عالیہ سندھ کراچی میں دائر درخواست کے سلسلے میں فریق کو مطلع کیا جاتا ہے کہ وہ مقررہ تاریخ پر بذات خود یا بذریعہ وکیل حاضر ہو کر جواب داخل کریں بصورت دیگر کارروائی یکطرفہ عمل میں لائی جائے گی۔ بحکم عدالت سینئر سول جج کراچی۔
STF
عدالت عالیہ سندھ کراچی میں دائر درخواست کے سلسلے میں فریق کو مطلع کیا جاتا ہے کہ وہ مقررہ تاریخ پر بذات خود یا بذریعہ وکیل حاضر ہو کر جواب داخل کریں بصورت دیگر کارروائی یکطرفہ عمل میں لائی جائے گی۔ بحکم عدالت سینئر سول جج کراچی۔
STF
عدالت عالیہ سندھ کراچی میں دائر درخواست کے سلسلے میں فریق کو مطلع کیا جاتا ہے کہ وہ مقررہ تاریخ پر بذات خود یا بذریعہ وکیل حاضر ہو کر جواب داخل کریں بصورت دیگر کارروائی یکطرفہ عمل میں لائی جائے گی۔ بحکم عدالت سینئر سول جج کراچی۔
STF
عدالت عالیہ سندھ کراچی میں دائر درخواست کے سلسلے میں فریق کو مطلع کیا جاتا ہے کہ وہ مقررہ تاریخ پر بذات خود یا بذریعہ وکیل حاضر ہو کر جواب داخل کریں بصورت دیگر کارروائی یکطرفہ عمل میں لائی جائے گی۔ بحکم عدالت سینئر سول جج کراچی۔
STF
عدالت عالیہ سندھ کراچی میں دائر درخواست کے سلسلے میں فریق کو مطلع کیا جاتا ہے کہ وہ مقررہ تاریخ پر بذات خود یا بذریعہ وکیل حاضر ہو کر جواب داخل کریں بصورت دیگر کارروائی یکطرفہ عمل میں لائی جائے گی۔ بحکم عدالت سینئر سول جج کراچی۔
STF
عدالت عالیہ سندھ کراچی میں دائر درخواست کے سلسلے میں فریق کو مطلع کیا جاتا ہے کہ وہ مقررہ تاریخ پر بذات خود یا بذریعہ وکیل حاضر ہو کر جواب داخل کریں بصورت دیگر کارروائی یکطرفہ عمل میں لائی جائے گی۔ بحکم عدالت سینئر سول جج کراچی۔
STF
عدالت عالیہ سندھ کراچی میں دائر درخواست کے سلسلے میں فریق کو مطلع کیا جاتا ہے کہ وہ مقررہ تاریخ پر بذات خود یا بذریعہ وکیل حاضر ہو کر جواب داخل کریں بصورت دیگر کارروائی یکطرفہ عمل میں لائی جائے گی۔ بحکم عدالت سینئر سول جج کراچی۔
STF
عدالت عالیہ سندھ کراچی میں دائر درخواست کے سلسلے میں فریق کو مطلع کیا جاتا ہے کہ وہ مقررہ تاریخ پر بذات خود یا بذریعہ وکیل حاضر ہو کر جواب داخل کریں بصورت دیگر کارروائی یکطرفہ عمل میں لائی جائے گی۔ بحکم عدالت سینئر سول جج کراچی۔
STF
عدالت عالیہ سندھ کراچی میں دائر درخواست کے سلسلے میں فریق کو مطلع کیا جاتا ہے کہ وہ مقررہ تاریخ پر بذات خود یا بذریعہ وکیل حاضر ہو کر جواب داخل کریں بصورت دیگر کارروائی یکطرفہ عمل میں لائی جائے گی۔ بحکم عدالت سینئر سول جج کراچی۔
STF
عدالت عالیہ سندھ کراچی میں دائر درخواست کے سلسلے میں فریق کو مطلع کیا جاتا ہے کہ وہ مقررہ تاریخ پر بذات خود یا بذریعہ وکیل حاضر ہو کر جواب داخل کریں بصورت دیگر کارروائی یکطرفہ عمل میں لائی جائے گی۔ بحکم عدالت سینئر سول جج کراچی۔
STF
عدالت عالیہ سندھ کراچی میں دائر درخواست کے سلسلے میں فریق کو مطلع کیا جاتا ہے کہ وہ مقررہ تاریخ پر بذات خود یا بذریعہ وکیل حاضر ہو کر جواب داخل کریں بصورت دیگر کارروائی یکطرفہ عمل میں لائی جائے گی۔ بحکم عدالت سینئر سول جج کراچی۔
STF
عدالت عالیہ سندھ کراچی میں دائر درخواست کے سلسلے میں فریق کو مطلع کیا جاتا ہے کہ وہ مقررہ تاریخ پر بذات خود یا بذریعہ وکیل حاضر ہو کر جواب داخل کریں بصورت دیگر کارروائی یکطرفہ عمل میں لائی جائے گی۔ بحکم عدالت سینئر سول جج کراچی۔
STF
